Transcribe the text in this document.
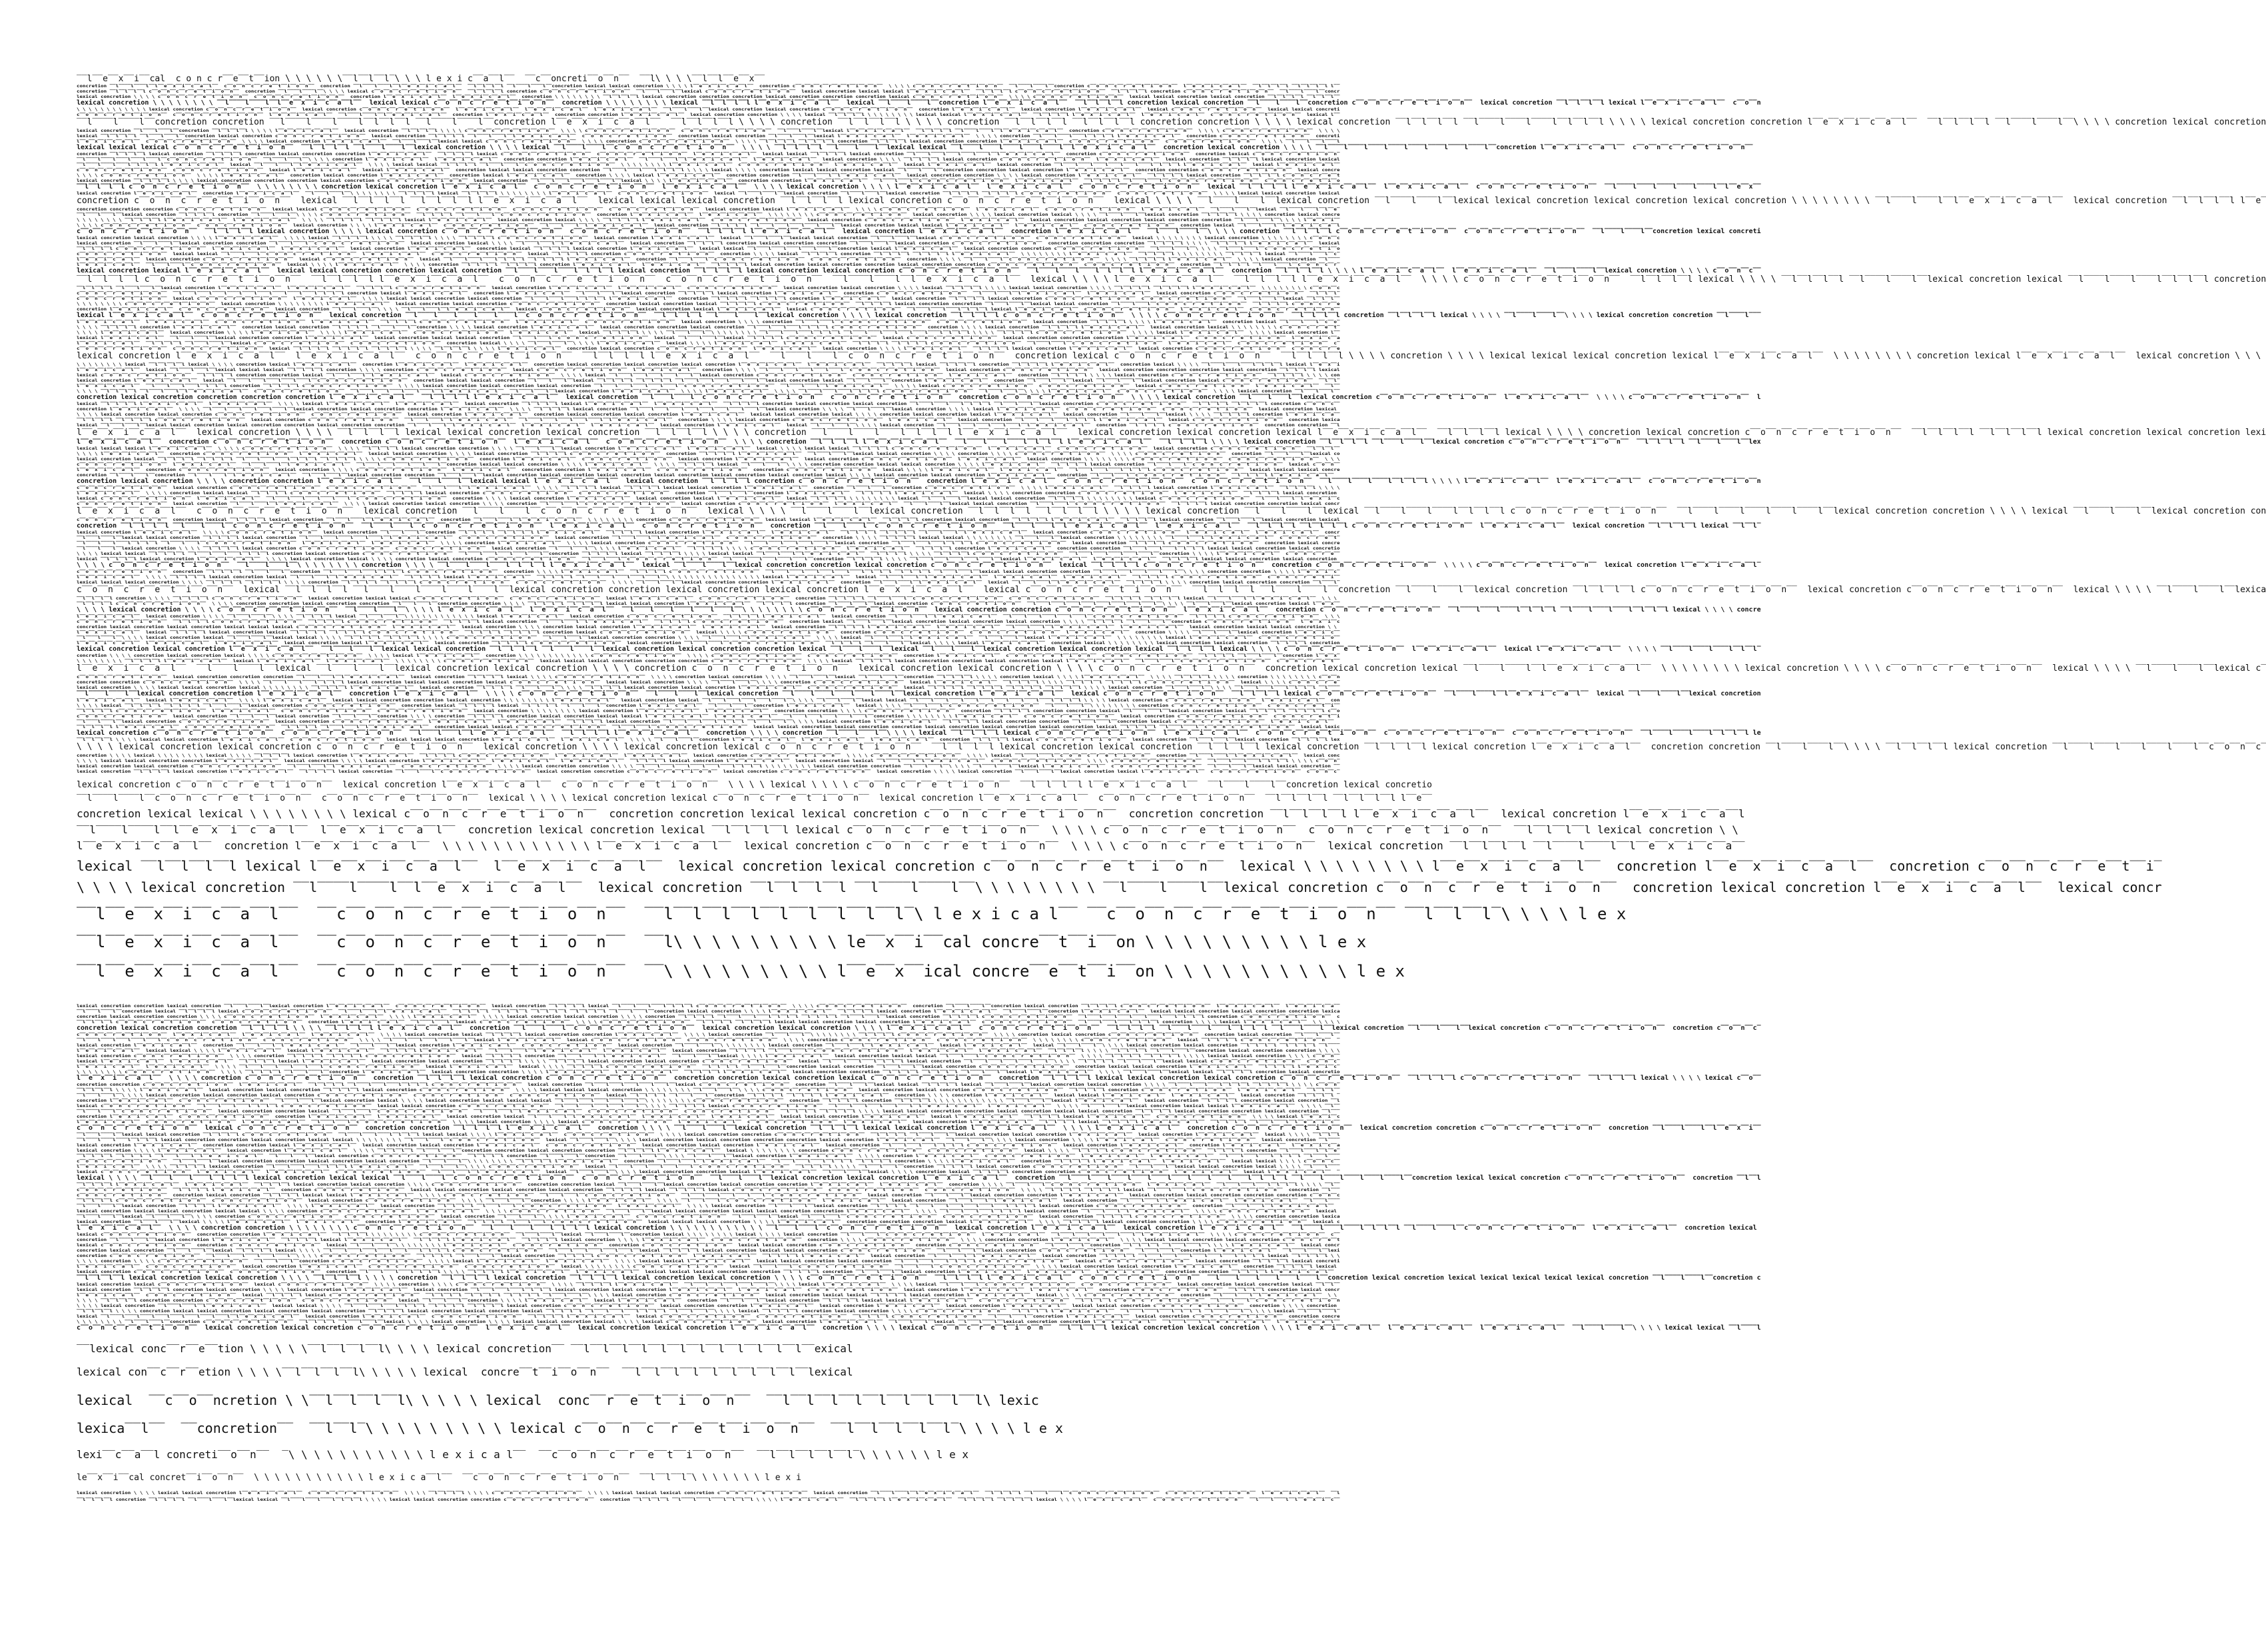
‾‾l‾‾e‾‾x‾‾i‾‾cal  c o n c r‾‾e‾‾t‾‾ion \ \ \ \ \ \‾‾l‾‾l‾‾l‾\ \ \ l e x i c‾‾a‾‾l‾‾  ‾‾c‾‾oncreti‾‾o‾‾n‾‾  ‾‾l\ \ \ \‾‾l‾‾l‾‾e‾‾x‾‾
concretion ‾‾l‾‾‾‾l‾‾‾‾l‾‾l‾‾e‾‾x‾‾i‾‾c‾‾a‾‾l‾‾  c‾‾o‾‾n‾‾c‾‾r‾‾e‾‾t‾‾i‾‾o‾‾n‾‾  concretion ‾‾l‾‾‾‾l‾‾‾‾l‾‾l‾‾e‾‾x‾‾i‾‾c‾‾a‾‾l‾‾  ‾‾l‾‾l‾‾l‾‾l ‾‾l‾‾‾‾l‾‾‾‾l‾‾concretion lexical lexical concretion \ \ \ \ l‾‾e‾‾x‾‾i‾‾c‾‾a‾‾l‾‾  concretion c‾‾o‾‾n‾‾c‾‾r‾‾e‾‾t‾‾i‾‾o‾‾n‾‾  \ \ \ \ c‾‾o‾‾n‾‾c‾‾r‾‾e‾‾t‾‾i‾‾o‾‾n‾‾  ‾‾l‾‾‾‾l‾‾‾‾l‾‾concretion c‾‾o‾‾n‾‾c‾‾r‾‾e‾‾t‾‾i‾‾o‾‾n‾‾  l‾‾e‾‾x‾‾i‾‾c‾‾a‾‾l‾‾  ‾‾l‾‾l‾‾l‾‾l ‾‾l‾‾l‾‾l‾‾l l‾‾
concretion ‾‾l‾‾l‾‾l‾‾l c‾‾o‾‾n‾‾c‾‾r‾‾e‾‾t‾‾i‾‾o‾‾n‾‾  concretion ‾‾l‾‾‾‾l‾‾‾‾l‾‾\ \ \ \ lexical c‾‾o‾‾n‾‾c‾‾r‾‾e‾‾t‾‾i‾‾o‾‾n‾‾  ‾‾l‾‾l‾‾l‾‾l concretion c‾‾o‾‾n‾‾c‾‾r‾‾e‾‾t‾‾i‾‾o‾‾n‾‾  ‾‾l‾‾‾‾l‾‾‾‾l‾‾lexical c‾‾o‾‾n‾‾c‾‾r‾‾e‾‾t‾‾i‾‾o‾‾n‾‾  lexical concretion lexical lexical l‾‾e‾‾x‾‾i‾‾c‾‾a‾‾l‾‾  ‾‾l‾‾l‾‾l‾‾l c‾‾o‾‾n‾‾c‾‾r‾‾e‾‾t‾‾i‾‾o‾‾n‾‾  ‾‾l‾‾l‾‾l‾‾l concretion c‾‾o‾‾n‾‾c‾‾r‾‾e‾‾t‾‾i‾‾o‾‾n‾‾  ‾‾l‾‾‾‾l‾‾‾‾l‾‾concr
lexical concretion \ \ \ \ c‾‾o‾‾n‾‾c‾‾r‾‾e‾‾t‾‾i‾‾o‾‾n‾‾  c‾‾o‾‾n‾‾c‾‾r‾‾e‾‾t‾‾i‾‾o‾‾n‾‾  concretion l‾‾e‾‾x‾‾i‾‾c‾‾a‾‾l‾‾  l‾‾e‾‾x‾‾i‾‾c‾‾a‾‾l‾‾  concretion \ \ \ \ \ \ \ \ ‾‾l‾‾l‾‾l‾‾l lexical concretion concretion concretion lexical concretion concretion concretion lexical c‾‾o‾‾n‾‾c‾‾r‾‾e‾‾t‾‾i‾‾o‾‾n‾‾  \ \ \ \ c‾‾o‾‾n‾‾c‾‾r‾‾e‾‾t‾‾i‾‾o‾‾n‾‾  lexical lexical concretion lexical concretion ‾‾l‾‾l‾‾l‾‾l ‾‾l‾‾l‾‾l‾‾
lexical concretion \ \ \ \ \ \ \ \ ‾‾l‾‾‾‾l‾‾‾‾l‾‾l‾‾e‾‾x‾‾i‾‾c‾‾a‾‾l‾‾  lexical lexical c‾‾o‾‾n‾‾c‾‾r‾‾e‾‾t‾‾i‾‾o‾‾n‾‾  concretion \ \ \ \ \ \ \ \ lexical ‾‾l‾‾l‾‾l‾‾l l‾‾e‾‾x‾‾i‾‾c‾‾a‾‾l‾‾  lexical ‾‾l‾‾‾‾l‾‾‾‾l‾‾concretion l‾‾e‾‾x‾‾i‾‾c‾‾a‾‾l‾‾  ‾‾l‾‾l‾‾l‾‾l concretion lexical concretion ‾‾l‾‾‾‾l‾‾‾‾l‾‾concretion c‾‾o‾‾n‾‾c‾‾r‾‾e‾‾t‾‾i‾‾o‾‾n‾‾  lexical concretion ‾‾l‾‾l‾‾l‾‾l lexical l‾‾e‾‾x‾‾i‾‾c‾‾a‾‾l‾‾  c‾‾o‾‾n
\ \ \ \ \ \ \ \ \ \ \ \ lexical concretion c‾‾o‾‾n‾‾c‾‾r‾‾e‾‾t‾‾i‾‾o‾‾n‾‾  lexical concretion c‾‾o‾‾n‾‾c‾‾r‾‾e‾‾t‾‾i‾‾o‾‾n‾‾  l‾‾e‾‾x‾‾i‾‾c‾‾a‾‾l‾‾  l‾‾e‾‾x‾‾i‾‾c‾‾a‾‾l‾‾  l‾‾e‾‾x‾‾i‾‾c‾‾a‾‾l‾‾  ‾‾l‾‾‾‾l‾‾‾‾l‾‾lexical concretion lexical concretion c‾‾o‾‾n‾‾c‾‾r‾‾e‾‾t‾‾i‾‾o‾‾n‾‾  concretion l‾‾e‾‾x‾‾i‾‾c‾‾a‾‾l‾‾  lexical concretion l‾‾e‾‾x‾‾i‾‾c‾‾a‾‾l‾‾  lexical c‾‾o‾‾n‾‾c‾‾r‾‾e‾‾t‾‾i‾‾o‾‾n‾‾  lexical lexical concreti
c‾‾o‾‾n‾‾c‾‾r‾‾e‾‾t‾‾i‾‾o‾‾n‾‾  c‾‾o‾‾n‾‾c‾‾r‾‾e‾‾t‾‾i‾‾o‾‾n‾‾  l‾‾e‾‾x‾‾i‾‾c‾‾a‾‾l‾‾  ‾‾l‾‾‾‾l‾‾‾‾l‾‾l‾‾e‾‾x‾‾i‾‾c‾‾a‾‾l‾‾  concretion l‾‾e‾‾x‾‾i‾‾c‾‾a‾‾l‾‾  concretion concretion l‾‾e‾‾x‾‾i‾‾c‾‾a‾‾l‾‾  lexical concretion concretion \ \ \ \ lexical ‾‾l‾‾l‾‾l‾‾l \ \ \ \ \ \ \ \ lexical lexical l‾‾e‾‾x‾‾i‾‾c‾‾a‾‾l‾‾  ‾‾l‾‾l‾‾l‾‾l l‾‾e‾‾x‾‾i‾‾c‾‾a‾‾l‾‾  l‾‾e‾‾x‾‾i‾‾c‾‾a‾‾l‾‾  c‾‾o‾‾n‾‾c‾‾r‾‾e‾‾t‾‾i‾‾o‾‾n‾‾  lexical l‾‾
‾‾l‾‾‾‾l‾‾‾‾l‾‾concretion concretion ‾‾l‾‾‾‾l‾‾‾‾l‾‾‾‾l‾‾l‾‾l‾‾l ‾‾l‾‾‾‾l‾‾‾‾l‾‾concretion l‾‾e‾‾x‾‾i‾‾c‾‾a‾‾l‾‾  ‾‾l‾‾l‾‾l‾‾l \ \ \ \ concretion ‾‾l‾‾l‾‾l‾‾l \ \ \ \ concretion ‾‾l‾‾l‾‾l‾‾l ‾‾l‾‾l‾‾l‾‾l concretion concretion \ \ \ \ lexical concretion ‾‾l‾‾l‾‾l‾‾l ‾‾l‾‾‾‾l‾‾‾‾l‾‾‾‾l‾‾l‾‾l‾‾l \ \ \ \ lexical concretion concretion l‾‾e‾‾x‾‾i‾‾c‾‾a‾‾l‾‾  ‾‾l‾‾l‾‾l‾‾l ‾‾l‾‾‾‾l‾‾‾‾l‾‾\ \ \ \ concretion lexical concretion
lexical concretion ‾‾l‾‾‾‾l‾‾‾‾l‾‾concretion ‾‾l‾‾l‾‾l‾‾l \ \ \ \ l‾‾e‾‾x‾‾i‾‾c‾‾a‾‾l‾‾  lexical concretion ‾‾l‾‾l‾‾l‾‾l \ \ \ \ c‾‾o‾‾n‾‾c‾‾r‾‾e‾‾t‾‾i‾‾o‾‾n‾‾  \ \ \ \ c‾‾o‾‾n‾‾c‾‾r‾‾e‾‾t‾‾i‾‾o‾‾n‾‾  c‾‾o‾‾n‾‾c‾‾r‾‾e‾‾t‾‾i‾‾o‾‾n‾‾  ‾‾l‾‾‾‾l‾‾‾‾l‾‾lexical l‾‾e‾‾x‾‾i‾‾c‾‾a‾‾l‾‾  ‾‾l‾‾l‾‾l‾‾l ‾‾l‾‾‾‾l‾‾‾‾l‾‾l‾‾e‾‾x‾‾i‾‾c‾‾a‾‾l‾‾  concretion c‾‾o‾‾n‾‾c‾‾r‾‾e‾‾t‾‾i‾‾o‾‾n‾‾  \ \ \ \ c‾‾o‾‾n‾‾c‾‾r‾‾e‾‾t‾‾i‾‾o‾‾n‾‾  \ \ \ \
lexical ‾‾l‾‾l‾‾l‾‾l ‾‾l‾‾‾‾l‾‾‾‾l‾‾concretion lexical concretion c‾‾o‾‾n‾‾c‾‾r‾‾e‾‾t‾‾i‾‾o‾‾n‾‾  lexical concretion ‾‾l‾‾l‾‾l‾‾l ‾‾l‾‾‾‾l‾‾‾‾l‾‾l‾‾e‾‾x‾‾i‾‾c‾‾a‾‾l‾‾  c‾‾o‾‾n‾‾c‾‾r‾‾e‾‾t‾‾i‾‾o‾‾n‾‾  concretion lexical concretion ‾‾l‾‾‾‾l‾‾‾‾l‾‾lexical l‾‾e‾‾x‾‾i‾‾c‾‾a‾‾l‾‾  l‾‾e‾‾x‾‾i‾‾c‾‾a‾‾l‾‾  \ \ \ \ concretion ‾‾l‾‾‾‾l‾‾‾‾l‾‾‾‾l‾‾l‾‾l‾‾l l‾‾e‾‾x‾‾i‾‾c‾‾a‾‾l‾‾  concretion c‾‾o‾‾n‾‾c‾‾r‾‾e‾‾t‾‾i‾‾o‾‾n‾‾  concreti
l‾‾e‾‾x‾‾i‾‾c‾‾a‾‾l‾‾  c‾‾o‾‾n‾‾c‾‾r‾‾e‾‾t‾‾i‾‾o‾‾n‾‾  \ \ \ \ lexical concretion l‾‾e‾‾x‾‾i‾‾c‾‾a‾‾l‾‾  ‾‾l‾‾‾‾l‾‾‾‾l‾‾lexical lexical c‾‾o‾‾n‾‾c‾‾r‾‾e‾‾t‾‾i‾‾o‾‾n‾‾  \ \ \ \ concretion c‾‾o‾‾n‾‾c‾‾r‾‾e‾‾t‾‾i‾‾o‾‾n‾‾  \ \ \ \ ‾‾l‾‾l‾‾l‾‾l ‾‾l‾‾l‾‾l‾‾l concretion ‾‾l‾‾l‾‾l‾‾l lexical concretion concretion l‾‾e‾‾x‾‾i‾‾c‾‾a‾‾l‾‾  c‾‾o‾‾n‾‾c‾‾r‾‾e‾‾t‾‾i‾‾o‾‾n‾‾  c‾‾o‾‾n‾‾c‾‾r‾‾e‾‾t‾‾i‾‾o‾‾n‾‾  \ \ \ \ ‾‾l‾‾‾‾l‾‾‾‾l‾‾‾‾l
lexical lexical lexical c‾‾o‾‾n‾‾c‾‾r‾‾e‾‾t‾‾i‾‾o‾‾n‾‾  ‾‾l‾‾l‾‾l‾‾l ‾‾l‾‾‾‾l‾‾‾‾l‾‾lexical concretion \ \ \ \ lexical ‾‾l‾‾‾‾l‾‾‾‾l‾‾c‾‾o‾‾n‾‾c‾‾r‾‾e‾‾t‾‾i‾‾o‾‾n‾‾  \ \ \ \ ‾‾l‾‾l‾‾l‾‾l ‾‾l‾‾‾‾l‾‾‾‾l‾‾lexical lexical ‾‾l‾‾‾‾l‾‾‾‾l‾‾‾‾l‾‾‾‾l‾‾‾‾l‾‾l‾‾e‾‾x‾‾i‾‾c‾‾a‾‾l‾‾  concretion lexical concretion \ \ \ \ ‾‾l‾‾‾‾l‾‾‾‾l‾‾‾‾l‾‾‾‾l‾‾‾‾l‾‾‾‾l‾‾‾‾l‾‾‾‾l‾‾concretion l‾‾e‾‾x‾‾i‾‾c‾‾a‾‾l‾‾  c‾‾o‾‾n‾‾c‾‾r‾‾e‾‾t‾‾i‾‾o‾‾n‾‾
concretion ‾‾l‾‾l‾‾l‾‾l lexical concretion ‾‾l‾‾l‾‾l‾‾l concretion lexical concretion concretion l‾‾e‾‾x‾‾i‾‾c‾‾a‾‾l‾‾  ‾‾l‾‾l‾‾l‾‾l lexical c‾‾o‾‾n‾‾c‾‾r‾‾e‾‾t‾‾i‾‾o‾‾n‾‾  c‾‾o‾‾n‾‾c‾‾r‾‾e‾‾t‾‾i‾‾o‾‾n‾‾  l‾‾e‾‾x‾‾i‾‾c‾‾a‾‾l‾‾  lexical lexical ‾‾l‾‾l‾‾l‾‾l lexical concretion ‾‾l‾‾‾‾l‾‾‾‾l‾‾‾‾l‾‾‾‾l‾‾‾‾l‾‾l‾‾e‾‾x‾‾i‾‾c‾‾a‾‾l‾‾  concretion c‾‾o‾‾n‾‾c‾‾r‾‾e‾‾t‾‾i‾‾o‾‾n‾‾  concretion lexical c‾‾o‾‾n‾‾c‾‾r‾‾e‾‾t‾‾i‾‾o‾‾n‾
‾‾l‾‾‾‾l‾‾‾‾l‾‾‾‾l‾‾‾‾l‾‾‾‾l‾‾c‾‾o‾‾n‾‾c‾‾r‾‾e‾‾t‾‾i‾‾o‾‾n‾‾  ‾‾l‾‾‾‾l‾‾‾‾l‾‾\ \ \ \ concretion l‾‾e‾‾x‾‾i‾‾c‾‾a‾‾l‾‾  l‾‾e‾‾x‾‾i‾‾c‾‾a‾‾l‾‾  concretion concretion l‾‾e‾‾x‾‾i‾‾c‾‾a‾‾l‾‾  ‾‾l‾‾‾‾l‾‾‾‾l‾‾l‾‾e‾‾x‾‾i‾‾c‾‾a‾‾l‾‾  l‾‾e‾‾x‾‾i‾‾c‾‾a‾‾l‾‾  lexical concretion \ \ \ \ ‾‾l‾‾l‾‾l‾‾l lexical concretion c‾‾o‾‾n‾‾c‾‾r‾‾e‾‾t‾‾i‾‾o‾‾n‾‾  l‾‾e‾‾x‾‾i‾‾c‾‾a‾‾l‾‾  lexical concretion ‾‾l‾‾l‾‾l‾‾l lexical concretion lexical
‾‾l‾‾‾‾l‾‾‾‾l‾‾‾‾l‾‾l‾‾l‾‾l l‾‾e‾‾x‾‾i‾‾c‾‾a‾‾l‾‾  lexical ‾‾l‾‾‾‾l‾‾‾‾l‾‾l‾‾e‾‾x‾‾i‾‾c‾‾a‾‾l‾‾  \ \ \ \ lexical lexical ‾‾l‾‾l‾‾l‾‾l ‾‾l‾‾‾‾l‾‾‾‾l‾‾c‾‾o‾‾n‾‾c‾‾r‾‾e‾‾t‾‾i‾‾o‾‾n‾‾  \ \ \ \ \ \ \ \ l‾‾e‾‾x‾‾i‾‾c‾‾a‾‾l‾‾  c‾‾o‾‾n‾‾c‾‾r‾‾e‾‾t‾‾i‾‾o‾‾n‾‾  l‾‾e‾‾x‾‾i‾‾c‾‾a‾‾l‾‾  lexical l‾‾e‾‾x‾‾i‾‾c‾‾a‾‾l‾‾  lexical concretion ‾‾l‾‾‾‾l‾‾‾‾l‾‾‾‾l‾‾‾‾l‾‾‾‾l‾‾‾‾l‾‾l‾‾l‾‾l l‾‾e‾‾x‾‾i‾‾c‾‾a‾‾l‾‾  lexical l‾‾e‾‾x‾‾i‾‾c‾‾a‾‾l‾‾
c‾‾o‾‾n‾‾c‾‾r‾‾e‾‾t‾‾i‾‾o‾‾n‾‾  c‾‾o‾‾n‾‾c‾‾r‾‾e‾‾t‾‾i‾‾o‾‾n‾‾  lexical l‾‾e‾‾x‾‾i‾‾c‾‾a‾‾l‾‾  lexical l‾‾e‾‾x‾‾i‾‾c‾‾a‾‾l‾‾  concretion lexical lexical concretion concretion ‾‾l‾‾‾‾l‾‾‾‾l‾‾‾‾l‾‾l‾‾l‾‾l \ \ \ \ lexical \ \ \ \ concretion lexical lexical concretion lexical ‾‾l‾‾‾‾l‾‾‾‾l‾‾concretion concretion lexical concretion l‾‾e‾‾x‾‾i‾‾c‾‾a‾‾l‾‾  concretion concretion c‾‾o‾‾n‾‾c‾‾r‾‾e‾‾t‾‾i‾‾o‾‾n‾‾  lexical concre
\ \ \ \ c‾‾o‾‾n‾‾c‾‾r‾‾e‾‾t‾‾i‾‾o‾‾n‾‾  \ \ \ \ l‾‾e‾‾x‾‾i‾‾c‾‾a‾‾l‾‾  concretion lexical concretion l‾‾e‾‾x‾‾i‾‾c‾‾a‾‾l‾‾  concretion lexical l‾‾e‾‾x‾‾i‾‾c‾‾a‾‾l‾‾  concretion \ \ \ \ lexical l‾‾e‾‾x‾‾i‾‾c‾‾a‾‾l‾‾  concretion concretion ‾‾l‾‾‾‾l‾‾‾‾l‾‾l‾‾e‾‾x‾‾i‾‾c‾‾a‾‾l‾‾  lexical concretion concretion \ \ \ \ lexical concretion l‾‾e‾‾x‾‾i‾‾c‾‾a‾‾l‾‾  ‾‾l‾‾l‾‾l‾‾l lexical concretion ‾‾l‾‾l‾‾l‾‾l c‾‾o‾‾n‾‾c‾‾r‾‾e‾‾t
lexical concretion ‾‾l‾‾l‾‾l‾‾l \ \ \ \ lexical concretion concretion concretion lexical concretion c‾‾o‾‾n‾‾c‾‾r‾‾e‾‾t‾‾i‾‾o‾‾n‾‾  lexical concretion ‾‾l‾‾‾‾l‾‾‾‾l‾‾‾‾l‾‾‾‾l‾‾‾‾l‾‾lexical \ \ \ \ l‾‾e‾‾x‾‾i‾‾c‾‾a‾‾l‾‾  concretion concretion l‾‾e‾‾x‾‾i‾‾c‾‾a‾‾l‾‾  ‾‾l‾‾‾‾l‾‾‾‾l‾‾c‾‾o‾‾n‾‾c‾‾r‾‾e‾‾t‾‾i‾‾o‾‾n‾‾  l‾‾e‾‾x‾‾i‾‾c‾‾a‾‾l‾‾  ‾‾l‾‾l‾‾l‾‾l ‾‾l‾‾‾‾l‾‾‾‾l‾‾c‾‾o‾‾n‾‾c‾‾r‾‾e‾‾t‾‾i‾‾o‾‾n‾‾  c‾‾o‾‾n‾‾c‾‾r‾‾e‾‾t‾‾i‾‾o
‾‾l‾‾l‾‾l‾‾l c‾‾o‾‾n‾‾c‾‾r‾‾e‾‾t‾‾i‾‾o‾‾n‾‾  \ \ \ \ \ \ \ \ concretion lexical concretion l‾‾e‾‾x‾‾i‾‾c‾‾a‾‾l‾‾  c‾‾o‾‾n‾‾c‾‾r‾‾e‾‾t‾‾i‾‾o‾‾n‾‾  l‾‾e‾‾x‾‾i‾‾c‾‾a‾‾l‾‾  \ \ \ \ lexical concretion \ \ \ \ l‾‾e‾‾x‾‾i‾‾c‾‾a‾‾l‾‾  l‾‾e‾‾x‾‾i‾‾c‾‾a‾‾l‾‾  c‾‾o‾‾n‾‾c‾‾r‾‾e‾‾t‾‾i‾‾o‾‾n‾‾  lexical ‾‾l‾‾l‾‾l‾‾l l‾‾e‾‾x‾‾i‾‾c‾‾a‾‾l‾‾  l‾‾e‾‾x‾‾i‾‾c‾‾a‾‾l‾‾  c‾‾o‾‾n‾‾c‾‾r‾‾e‾‾t‾‾i‾‾o‾‾n‾‾  ‾‾l‾‾‾‾l‾‾‾‾l‾‾‾‾l‾‾‾‾l‾‾‾‾l‾‾l‾‾e‾‾x‾‾
lexical concretion l‾‾e‾‾x‾‾i‾‾c‾‾a‾‾l‾‾  concretion l‾‾e‾‾x‾‾i‾‾c‾‾a‾‾l‾‾  ‾‾l‾‾‾‾l‾‾‾‾l‾‾\ \ \ \ \ \ \ \ ‾‾l‾‾l‾‾l‾‾l lexical ‾‾l‾‾l‾‾l‾‾l \ \ \ \ \ \ \ \ l‾‾e‾‾x‾‾i‾‾c‾‾a‾‾l‾‾  c‾‾o‾‾n‾‾c‾‾r‾‾e‾‾t‾‾i‾‾o‾‾n‾‾  lexical ‾‾l‾‾‾‾l‾‾‾‾l‾‾lexical concretion ‾‾l‾‾‾‾l‾‾‾‾l‾‾lexical concretion ‾‾l‾‾l‾‾l‾‾l ‾‾l‾‾l‾‾l‾‾l c‾‾o‾‾n‾‾c‾‾r‾‾e‾‾t‾‾i‾‾o‾‾n‾‾  c‾‾o‾‾n‾‾c‾‾r‾‾e‾‾t‾‾i‾‾o‾‾n‾‾  \ \ \ \ lexical lexical concretion lexical
concretion c‾‾o‾‾n‾‾c‾‾r‾‾e‾‾t‾‾i‾‾o‾‾n‾‾  lexical ‾‾l‾‾l‾‾l‾‾l ‾‾l‾‾l‾‾l‾‾l l‾‾e‾‾x‾‾i‾‾c‾‾a‾‾l‾‾  lexical lexical lexical concretion ‾‾l‾‾l‾‾l‾‾l lexical concretion c‾‾o‾‾n‾‾c‾‾r‾‾e‾‾t‾‾i‾‾o‾‾n‾‾  lexical \ \ \ \ ‾‾l‾‾‾‾l‾‾‾‾l‾‾lexical concretion ‾‾l‾‾‾‾l‾‾‾‾l‾‾lexical lexical concretion lexical concretion lexical concretion \ \ \ \ \ \ \ \ ‾‾l‾‾‾‾l‾‾‾‾l‾‾l‾‾e‾‾x‾‾i‾‾c‾‾a‾‾l‾‾  lexical concretion ‾‾l‾‾l‾‾l‾‾l l‾‾e‾
concretion concretion concretion c‾‾o‾‾n‾‾c‾‾r‾‾e‾‾t‾‾i‾‾o‾‾n‾‾  lexical lexical c‾‾o‾‾n‾‾c‾‾r‾‾e‾‾t‾‾i‾‾o‾‾n‾‾  c‾‾o‾‾n‾‾c‾‾r‾‾e‾‾t‾‾i‾‾o‾‾n‾‾  c‾‾o‾‾n‾‾c‾‾r‾‾e‾‾t‾‾i‾‾o‾‾n‾‾  c‾‾o‾‾n‾‾c‾‾r‾‾e‾‾t‾‾i‾‾o‾‾n‾‾  lexical concretion lexical l‾‾e‾‾x‾‾i‾‾c‾‾a‾‾l‾‾  \ \ \ \ c‾‾o‾‾n‾‾c‾‾r‾‾e‾‾t‾‾i‾‾o‾‾n‾‾  l‾‾e‾‾x‾‾i‾‾c‾‾a‾‾l‾‾  c‾‾o‾‾n‾‾c‾‾r‾‾e‾‾t‾‾i‾‾o‾‾n‾‾  l‾‾e‾‾x‾‾i‾‾c‾‾a‾‾l‾‾  ‾‾l‾‾‾‾l‾‾‾‾l‾‾lexical ‾‾l‾‾‾‾l‾‾‾‾l‾‾l‾‾e‾
‾‾l‾‾‾‾l‾‾‾‾l‾‾lexical concretion ‾‾l‾‾l‾‾l‾‾l concretion ‾‾l‾‾‾‾l‾‾‾‾l‾‾\ \ \ \ c‾‾o‾‾n‾‾c‾‾r‾‾e‾‾t‾‾i‾‾o‾‾n‾‾  ‾‾l‾‾l‾‾l‾‾l ‾‾l‾‾‾‾l‾‾‾‾l‾‾c‾‾o‾‾n‾‾c‾‾r‾‾e‾‾t‾‾i‾‾o‾‾n‾‾  concretion l‾‾e‾‾x‾‾i‾‾c‾‾a‾‾l‾‾  l‾‾e‾‾x‾‾i‾‾c‾‾a‾‾l‾‾  \ \ \ \ \ \ \ \ c‾‾o‾‾n‾‾c‾‾r‾‾e‾‾t‾‾i‾‾o‾‾n‾‾  lexical concretion \ \ \ \ lexical concretion lexical \ \ \ \ ‾‾l‾‾‾‾l‾‾‾‾l‾‾lexical concretion ‾‾l‾‾l‾‾l‾‾l \ \ \ \ concretion lexical concre
\ \ \ \ \ \ \ \ ‾‾l‾‾l‾‾l‾‾l l‾‾e‾‾x‾‾i‾‾c‾‾a‾‾l‾‾  l‾‾e‾‾x‾‾i‾‾c‾‾a‾‾l‾‾  \ \ \ \ ‾‾l‾‾l‾‾l‾‾l ‾‾l‾‾l‾‾l‾‾l lexical l‾‾e‾‾x‾‾i‾‾c‾‾a‾‾l‾‾  lexical concretion lexical \ \ \ \ ‾‾l‾‾l‾‾l‾‾l l‾‾e‾‾x‾‾i‾‾c‾‾a‾‾l‾‾  c‾‾o‾‾n‾‾c‾‾r‾‾e‾‾t‾‾i‾‾o‾‾n‾‾  lexical concretion c‾‾o‾‾n‾‾c‾‾r‾‾e‾‾t‾‾i‾‾o‾‾n‾‾  l‾‾e‾‾x‾‾i‾‾c‾‾a‾‾l‾‾  lexical concretion lexical concretion lexical concretion concretion ‾‾l‾‾‾‾l‾‾‾‾l‾‾\ \ \ \ l‾‾e‾‾x‾‾i‾‾
\ \ \ \ c‾‾o‾‾n‾‾c‾‾r‾‾e‾‾t‾‾i‾‾o‾‾n‾‾  c‾‾o‾‾n‾‾c‾‾r‾‾e‾‾t‾‾i‾‾o‾‾n‾‾  lexical concretion \ \ \ \ l‾‾e‾‾x‾‾i‾‾c‾‾a‾‾l‾‾  c‾‾o‾‾n‾‾c‾‾r‾‾e‾‾t‾‾i‾‾o‾‾n‾‾  ‾‾l‾‾‾‾l‾‾‾‾l‾‾l‾‾e‾‾x‾‾i‾‾c‾‾a‾‾l‾‾  lexical concretion ‾‾l‾‾l‾‾l‾‾l ‾‾l‾‾‾‾l‾‾‾‾l‾‾‾‾l‾‾‾‾l‾‾‾‾l‾‾lexical concretion lexical lexical l‾‾e‾‾x‾‾i‾‾c‾‾a‾‾l‾‾  l‾‾e‾‾x‾‾i‾‾c‾‾a‾‾l‾‾  c‾‾o‾‾n‾‾c‾‾r‾‾e‾‾t‾‾i‾‾o‾‾n‾‾  concretion lexical ‾‾l‾‾‾‾l‾‾‾‾l‾‾l‾‾e‾‾x‾‾i‾‾c‾‾a‾‾l
c‾‾o‾‾n‾‾c‾‾r‾‾e‾‾t‾‾i‾‾o‾‾n‾‾  ‾‾l‾‾l‾‾l‾‾l lexical concretion \ \ \ \ lexical concretion c‾‾o‾‾n‾‾c‾‾r‾‾e‾‾t‾‾i‾‾o‾‾n‾‾  c‾‾o‾‾n‾‾c‾‾r‾‾e‾‾t‾‾i‾‾o‾‾n‾‾  ‾‾l‾‾l‾‾l‾‾l l‾‾e‾‾x‾‾i‾‾c‾‾a‾‾l‾‾  lexical concretion l‾‾e‾‾x‾‾i‾‾c‾‾a‾‾l‾‾  concretion l‾‾e‾‾x‾‾i‾‾c‾‾a‾‾l‾‾  ‾‾l‾‾‾‾l‾‾‾‾l‾‾\ \ \ \ concretion ‾‾l‾‾l‾‾l‾‾l c‾‾o‾‾n‾‾c‾‾r‾‾e‾‾t‾‾i‾‾o‾‾n‾‾  c‾‾o‾‾n‾‾c‾‾r‾‾e‾‾t‾‾i‾‾o‾‾n‾‾  ‾‾l‾‾‾‾l‾‾‾‾l‾‾concretion lexical concreti
lexical concretion lexical concretion \ \ \ \ l‾‾e‾‾x‾‾i‾‾c‾‾a‾‾l‾‾  \ \ \ \ lexical ‾‾l‾‾l‾‾l‾‾l \ \ \ \ ‾‾l‾‾l‾‾l‾‾l \ \ \ \ ‾‾l‾‾l‾‾l‾‾l c‾‾o‾‾n‾‾c‾‾r‾‾e‾‾t‾‾i‾‾o‾‾n‾‾  lexical concretion l‾‾e‾‾x‾‾i‾‾c‾‾a‾‾l‾‾  lexical ‾‾l‾‾‾‾l‾‾‾‾l‾‾lexical lexical concretion ‾‾l‾‾‾‾l‾‾‾‾l‾‾lexical c‾‾o‾‾n‾‾c‾‾r‾‾e‾‾t‾‾i‾‾o‾‾n‾‾  c‾‾o‾‾n‾‾c‾‾r‾‾e‾‾t‾‾i‾‾o‾‾n‾‾  lexical \ \ \ \ \ \ \ \ lexical concretion \ \ \ \ \ \ \ \ c‾‾o‾‾n‾‾c
lexical concretion ‾‾l‾‾‾‾l‾‾‾‾l‾‾lexical concretion concretion ‾‾l‾‾‾‾l‾‾‾‾l‾‾c‾‾o‾‾n‾‾c‾‾r‾‾e‾‾t‾‾i‾‾o‾‾n‾‾  lexical concretion lexical \ \ \ \ ‾‾l‾‾‾‾l‾‾‾‾l‾‾l‾‾e‾‾x‾‾i‾‾c‾‾a‾‾l‾‾  lexical concretion ‾‾l‾‾l‾‾l‾‾l concretion lexical concretion concretion ‾‾l‾‾‾‾l‾‾‾‾l‾‾lexical concretion c‾‾o‾‾n‾‾c‾‾r‾‾e‾‾t‾‾i‾‾o‾‾n‾‾  concretion concretion concretion ‾‾l‾‾l‾‾l‾‾l \ \ \ \ ‾‾l‾‾l‾‾l‾‾l l‾‾e‾‾x‾‾i‾‾c‾‾a‾‾l‾‾  lexical
‾‾l‾‾l‾‾l‾‾l c‾‾o‾‾n‾‾c‾‾r‾‾e‾‾t‾‾i‾‾o‾‾n‾‾  l‾‾e‾‾x‾‾i‾‾c‾‾a‾‾l‾‾  l‾‾e‾‾x‾‾i‾‾c‾‾a‾‾l‾‾  lexical concretion l‾‾e‾‾x‾‾i‾‾c‾‾a‾‾l‾‾  concretion lexical ‾‾l‾‾l‾‾l‾‾l lexical concretion l‾‾e‾‾x‾‾i‾‾c‾‾a‾‾l‾‾  lexical lexical ‾‾l‾‾‾‾l‾‾‾‾l‾‾‾‾l‾‾‾‾l‾‾‾‾l‾‾concretion lexical l‾‾e‾‾x‾‾i‾‾c‾‾a‾‾l‾‾  lexical concretion concretion c‾‾o‾‾n‾‾c‾‾r‾‾e‾‾t‾‾i‾‾o‾‾n‾‾  ‾‾l‾‾‾‾l‾‾‾‾l‾‾\ \ \ \ ‾‾l‾‾‾‾l‾‾‾‾l‾‾c‾‾o‾‾n‾‾c‾‾r‾‾e‾‾t‾‾i‾‾o
c‾‾o‾‾n‾‾c‾‾r‾‾e‾‾t‾‾i‾‾o‾‾n‾‾  lexical lexical ‾‾l‾‾‾‾l‾‾‾‾l‾‾c‾‾o‾‾n‾‾c‾‾r‾‾e‾‾t‾‾i‾‾o‾‾n‾‾  l‾‾e‾‾x‾‾i‾‾c‾‾a‾‾l‾‾  c‾‾o‾‾n‾‾c‾‾r‾‾e‾‾t‾‾i‾‾o‾‾n‾‾  lexical ‾‾l‾‾l‾‾l‾‾l concretion c‾‾o‾‾n‾‾c‾‾r‾‾e‾‾t‾‾i‾‾o‾‾n‾‾  concretion \ \ \ \ lexical ‾‾l‾‾l‾‾l‾‾l concretion ‾‾l‾‾l‾‾l‾‾l ‾‾l‾‾l‾‾l‾‾l l‾‾e‾‾x‾‾i‾‾c‾‾a‾‾l‾‾  \ \ \ \ \ \ \ \ l‾‾e‾‾x‾‾i‾‾c‾‾a‾‾l‾‾  ‾‾l‾‾l‾‾l‾‾l \ \ \ \ \ \ \ \ ‾‾l‾‾l‾‾l‾‾l lexical ‾‾l‾‾‾‾l‾‾‾‾l‾‾c‾
l‾‾e‾‾x‾‾i‾‾c‾‾a‾‾l‾‾  lexical concretion c‾‾o‾‾n‾‾c‾‾r‾‾e‾‾t‾‾i‾‾o‾‾n‾‾  lexical c‾‾o‾‾n‾‾c‾‾r‾‾e‾‾t‾‾i‾‾o‾‾n‾‾  lexical ‾‾l‾‾‾‾l‾‾‾‾l‾‾‾‾l‾‾l‾‾l‾‾l ‾‾l‾‾l‾‾l‾‾l l‾‾e‾‾x‾‾i‾‾c‾‾a‾‾l‾‾  concretion ‾‾l‾‾‾‾l‾‾‾‾l‾‾c‾‾o‾‾n‾‾c‾‾r‾‾e‾‾t‾‾i‾‾o‾‾n‾‾  c‾‾o‾‾n‾‾c‾‾r‾‾e‾‾t‾‾i‾‾o‾‾n‾‾  concretion \ \ \ \ ‾‾l‾‾‾‾l‾‾‾‾l‾‾c‾‾o‾‾n‾‾c‾‾r‾‾e‾‾t‾‾i‾‾o‾‾n‾‾  \ \ \ \ ‾‾l‾‾l‾‾l‾‾l l‾‾e‾‾x‾‾i‾‾c‾‾a‾‾l‾‾  \ \ \ \ lexical concretion ‾‾l‾‾‾‾
l‾‾e‾‾x‾‾i‾‾c‾‾a‾‾l‾‾  ‾‾l‾‾‾‾l‾‾‾‾l‾‾c‾‾o‾‾n‾‾c‾‾r‾‾e‾‾t‾‾i‾‾o‾‾n‾‾  lexical \ \ \ \ l‾‾e‾‾x‾‾i‾‾c‾‾a‾‾l‾‾  \ \ \ \ concretion ‾‾l‾‾l‾‾l‾‾l ‾‾l‾‾l‾‾l‾‾l concretion l‾‾e‾‾x‾‾i‾‾c‾‾a‾‾l‾‾  l‾‾e‾‾x‾‾i‾‾c‾‾a‾‾l‾‾  ‾‾l‾‾l‾‾l‾‾l lexical concretion lexical concretion concretion lexical concretion concretion c‾‾o‾‾n‾‾c‾‾r‾‾e‾‾t‾‾i‾‾o‾‾n‾‾  c‾‾o‾‾n‾‾c‾‾r‾‾e‾‾t‾‾i‾‾o‾‾n‾‾  concretion ‾‾l‾‾l‾‾l‾‾l ‾‾l‾‾‾‾l‾‾‾‾l‾‾c‾‾o‾‾n‾‾c‾‾r‾
lexical concretion lexical l‾‾e‾‾x‾‾i‾‾c‾‾a‾‾l‾‾  lexical lexical concretion concretion lexical concretion ‾‾l‾‾‾‾l‾‾‾‾l‾‾‾‾l‾‾l‾‾l‾‾l lexical concretion ‾‾l‾‾l‾‾l‾‾l lexical concretion lexical concretion c‾‾o‾‾n‾‾c‾‾r‾‾e‾‾t‾‾i‾‾o‾‾n‾‾  ‾‾l‾‾‾‾l‾‾‾‾l‾‾‾‾l‾‾l‾‾l‾‾l l‾‾e‾‾x‾‾i‾‾c‾‾a‾‾l‾‾  concretion ‾‾l‾‾l‾‾l‾‾l \ \ \ \ l‾‾e‾‾x‾‾i‾‾c‾‾a‾‾l‾‾  l‾‾e‾‾x‾‾i‾‾c‾‾a‾‾l‾‾  ‾‾l‾‾‾‾l‾‾‾‾l‾‾lexical concretion \ \ \ \ c‾‾o‾‾n‾‾c‾‾
‾‾l‾‾l‾‾l‾‾l c‾‾o‾‾n‾‾c‾‾r‾‾e‾‾t‾‾i‾‾o‾‾n‾‾  ‾‾l‾‾l‾‾l‾‾l l‾‾e‾‾x‾‾i‾‾c‾‾a‾‾l‾‾  c‾‾o‾‾n‾‾c‾‾r‾‾e‾‾t‾‾i‾‾o‾‾n‾‾  c‾‾o‾‾n‾‾c‾‾r‾‾e‾‾t‾‾i‾‾o‾‾n‾‾  ‾‾l‾‾‾‾l‾‾‾‾l‾‾l‾‾e‾‾x‾‾i‾‾c‾‾a‾‾l‾‾  lexical \ \ \ \ l‾‾e‾‾x‾‾i‾‾c‾‾a‾‾l‾‾  ‾‾l‾‾l‾‾l‾‾l l‾‾e‾‾x‾‾i‾‾c‾‾a‾‾l‾‾  \ \ \ \ c‾‾o‾‾n‾‾c‾‾r‾‾e‾‾t‾‾i‾‾o‾‾n‾‾  ‾‾l‾‾l‾‾l‾‾l lexical \ \ \ \ ‾‾l‾‾l‾‾l‾‾l ‾‾l‾‾‾‾l‾‾‾‾l‾‾lexical concretion lexical ‾‾l‾‾‾‾l‾‾‾‾l‾‾‾‾l‾‾l‾‾l‾‾l concretion
‾‾l‾‾l‾‾l‾‾l ‾‾l‾‾‾‾l‾‾‾‾l‾‾lexical concretion l‾‾e‾‾x‾‾i‾‾c‾‾a‾‾l‾‾  l‾‾e‾‾x‾‾i‾‾c‾‾a‾‾l‾‾  ‾‾l‾‾l‾‾l‾‾l c‾‾o‾‾n‾‾c‾‾r‾‾e‾‾t‾‾i‾‾o‾‾n‾‾  lexical concretion l‾‾e‾‾x‾‾i‾‾c‾‾a‾‾l‾‾  l‾‾e‾‾x‾‾i‾‾c‾‾a‾‾l‾‾  c‾‾o‾‾n‾‾c‾‾r‾‾e‾‾t‾‾i‾‾o‾‾n‾‾  lexical concretion lexical concretion \ \ \ \ lexical ‾‾l‾‾l‾‾l‾‾l \ \ \ \ lexical lexical concretion \ \ \ \ ‾‾l‾‾l‾‾l‾‾l ‾‾l‾‾l‾‾l‾‾l l‾‾e‾‾x‾‾i‾‾c‾‾a‾‾l‾‾  \ \ \ \ \ \ \ \ c‾‾o‾‾n‾‾c
c‾‾o‾‾n‾‾c‾‾r‾‾e‾‾t‾‾i‾‾o‾‾n‾‾  ‾‾l‾‾‾‾l‾‾‾‾l‾‾‾‾l‾‾‾‾l‾‾‾‾l‾‾‾‾l‾‾‾‾l‾‾‾‾l‾‾‾‾l‾‾l‾‾l‾‾l concretion lexical l‾‾e‾‾x‾‾i‾‾c‾‾a‾‾l‾‾  concretion l‾‾e‾‾x‾‾i‾‾c‾‾a‾‾l‾‾  ‾‾l‾‾‾‾l‾‾‾‾l‾‾lexical concretion ‾‾l‾‾l‾‾l‾‾l lexical concretion l‾‾e‾‾x‾‾i‾‾c‾‾a‾‾l‾‾  concretion c‾‾o‾‾n‾‾c‾‾r‾‾e‾‾t‾‾i‾‾o‾‾n‾‾  ‾‾l‾‾‾‾l‾‾‾‾l‾‾l‾‾e‾‾x‾‾i‾‾c‾‾a‾‾l‾‾  l‾‾e‾‾x‾‾i‾‾c‾‾a‾‾l‾‾  lexical concretion c‾‾o‾‾n‾‾c‾‾r‾‾e‾‾t‾‾i‾‾o‾‾n‾‾  ‾‾l‾‾l‾‾l‾
c‾‾o‾‾n‾‾c‾‾r‾‾e‾‾t‾‾i‾‾o‾‾n‾‾  lexical c‾‾o‾‾n‾‾c‾‾r‾‾e‾‾t‾‾i‾‾o‾‾n‾‾  l‾‾e‾‾x‾‾i‾‾c‾‾a‾‾l‾‾  \ \ \ \ lexical lexical concretion lexical concretion ‾‾l‾‾‾‾l‾‾‾‾l‾‾‾‾l‾‾l‾‾l‾‾l l‾‾e‾‾x‾‾i‾‾c‾‾a‾‾l‾‾  concretion ‾‾l‾‾l‾‾l‾‾l ‾‾l‾‾l‾‾l‾‾l concretion l‾‾e‾‾x‾‾i‾‾c‾‾a‾‾l‾‾  lexical concretion ‾‾l‾‾l‾‾l‾‾l lexical concretion c‾‾o‾‾n‾‾c‾‾r‾‾e‾‾t‾‾i‾‾o‾‾n‾‾  c‾‾o‾‾n‾‾c‾‾r‾‾e‾‾t‾‾i‾‾o‾‾n‾‾  ‾‾l‾‾‾‾l‾‾‾‾l‾‾lexical ‾‾l‾‾l‾‾l‾‾
\ \ \ \ \ \ \ \ c‾‾o‾‾n‾‾c‾‾r‾‾e‾‾t‾‾i‾‾o‾‾n‾‾  lexical concretion \ \ \ \ \ \ \ \ l‾‾e‾‾x‾‾i‾‾c‾‾a‾‾l‾‾  lexical concretion lexical concretion c‾‾o‾‾n‾‾c‾‾r‾‾e‾‾t‾‾i‾‾o‾‾n‾‾  concretion lexical concretion lexical ‾‾l‾‾l‾‾l‾‾l c‾‾o‾‾n‾‾c‾‾r‾‾e‾‾t‾‾i‾‾o‾‾n‾‾  ‾‾l‾‾l‾‾l‾‾l lexical concretion concretion ‾‾l‾‾‾‾l‾‾‾‾l‾‾lexical lexical concretion ‾‾l‾‾‾‾l‾‾‾‾l‾‾c‾‾o‾‾n‾‾c‾‾r‾‾e‾‾t‾‾i‾‾o‾‾n‾‾  ‾‾l‾‾l‾‾l‾‾l c‾‾o‾‾n‾‾c‾‾r‾‾e
concretion l‾‾e‾‾x‾‾i‾‾c‾‾a‾‾l‾‾  c‾‾o‾‾n‾‾c‾‾r‾‾e‾‾t‾‾i‾‾o‾‾n‾‾  lexical concretion ‾‾l‾‾‾‾l‾‾‾‾l‾‾\ \ \ \ ‾‾l‾‾‾‾l‾‾‾‾l‾‾l‾‾e‾‾x‾‾i‾‾c‾‾a‾‾l‾‾  lexical c‾‾o‾‾n‾‾c‾‾r‾‾e‾‾t‾‾i‾‾o‾‾n‾‾  lexical concretion lexical l‾‾e‾‾x‾‾i‾‾c‾‾a‾‾l‾‾  lexical c‾‾o‾‾n‾‾c‾‾r‾‾e‾‾t‾‾i‾‾o‾‾n‾‾  ‾‾l‾‾‾‾l‾‾‾‾l‾‾‾‾l‾‾l‾‾l‾‾l lexical l‾‾e‾‾x‾‾i‾‾c‾‾a‾‾l‾‾  c‾‾o‾‾n‾‾c‾‾r‾‾e‾‾t‾‾i‾‾o‾‾n‾‾  l‾‾e‾‾x‾‾i‾‾c‾‾a‾‾l‾‾  c‾‾o‾‾n‾‾c‾‾r‾‾e‾‾t‾‾i‾‾o‾‾n‾‾
lexical l‾‾e‾‾x‾‾i‾‾c‾‾a‾‾l‾‾  c‾‾o‾‾n‾‾c‾‾r‾‾e‾‾t‾‾i‾‾o‾‾n‾‾  lexical concretion ‾‾l‾‾‾‾l‾‾‾‾l‾‾‾‾l‾‾‾‾l‾‾‾‾l‾‾c‾‾o‾‾n‾‾c‾‾r‾‾e‾‾t‾‾i‾‾o‾‾n‾‾  ‾‾l‾‾l‾‾l‾‾l ‾‾l‾‾‾‾l‾‾‾‾l‾‾lexical concretion \ \ \ \ lexical concretion ‾‾l‾‾l‾‾l‾‾l c‾‾o‾‾n‾‾c‾‾r‾‾e‾‾t‾‾i‾‾o‾‾n‾‾  \ \ \ \ c‾‾o‾‾n‾‾c‾‾r‾‾e‾‾t‾‾i‾‾o‾‾n‾‾  ‾‾l‾‾l‾‾l‾‾l concretion ‾‾l‾‾l‾‾l‾‾l lexical \ \ \ \ ‾‾l‾‾‾‾l‾‾‾‾l‾‾\ \ \ \ lexical concretion concretion ‾‾l‾‾‾‾l‾‾‾
l‾‾e‾‾x‾‾i‾‾c‾‾a‾‾l‾‾  l‾‾e‾‾x‾‾i‾‾c‾‾a‾‾l‾‾  c‾‾o‾‾n‾‾c‾‾r‾‾e‾‾t‾‾i‾‾o‾‾n‾‾  l‾‾e‾‾x‾‾i‾‾c‾‾a‾‾l‾‾  ‾‾l‾‾l‾‾l‾‾l c‾‾o‾‾n‾‾c‾‾r‾‾e‾‾t‾‾i‾‾o‾‾n‾‾  l‾‾e‾‾x‾‾i‾‾c‾‾a‾‾l‾‾  c‾‾o‾‾n‾‾c‾‾r‾‾e‾‾t‾‾i‾‾o‾‾n‾‾  lexical concretion \ \ \ \ concretion ‾‾l‾‾‾‾l‾‾‾‾l‾‾c‾‾o‾‾n‾‾c‾‾r‾‾e‾‾t‾‾i‾‾o‾‾n‾‾  c‾‾o‾‾n‾‾c‾‾r‾‾e‾‾t‾‾i‾‾o‾‾n‾‾  lexical concretion ‾‾l‾‾l‾‾l‾‾l \ \ \ \ l‾‾e‾‾x‾‾i‾‾c‾‾a‾‾l‾‾  concretion lexical ‾‾l‾‾‾‾l‾‾‾‾l‾‾c‾‾o‾
\ \ \ \ ‾‾l‾‾l‾‾l‾‾l concretion l‾‾e‾‾x‾‾i‾‾c‾‾a‾‾l‾‾  concretion lexical concretion ‾‾l‾‾l‾‾l‾‾l ‾‾l‾‾‾‾l‾‾‾‾l‾‾concretion \ \ \ \ lexical concretion l‾‾e‾‾x‾‾i‾‾c‾‾a‾‾l‾‾  lexical concretion concretion lexical concretion ‾‾l‾‾‾‾l‾‾‾‾l‾‾‾‾l‾‾l‾‾l‾‾l c‾‾o‾‾n‾‾c‾‾r‾‾e‾‾t‾‾i‾‾o‾‾n‾‾  concretion \ \ \ \ lexical concretion ‾‾l‾‾l‾‾l‾‾l l‾‾e‾‾x‾‾i‾‾c‾‾a‾‾l‾‾  lexical concretion lexical \ \ \ \ \ \ \ \ c‾‾o‾‾n‾‾c‾‾r‾‾e‾‾t‾
\ \ \ \ l‾‾e‾‾x‾‾i‾‾c‾‾a‾‾l‾‾  lexical concretion \ \ \ \ l‾‾e‾‾x‾‾i‾‾c‾‾a‾‾l‾‾  \ \ \ \ l‾‾e‾‾x‾‾i‾‾c‾‾a‾‾l‾‾  c‾‾o‾‾n‾‾c‾‾r‾‾e‾‾t‾‾i‾‾o‾‾n‾‾  l‾‾e‾‾x‾‾i‾‾c‾‾a‾‾l‾‾  lexical ‾‾l‾‾l‾‾l‾‾l \ \ \ \ ‾‾l‾‾‾‾l‾‾‾‾l‾‾\ \ \ \ \ \ \ \ ‾‾l‾‾‾‾l‾‾‾‾l‾‾‾‾l‾‾l‾‾l‾‾l ‾‾l‾‾‾‾l‾‾‾‾l‾‾‾‾l‾‾‾‾l‾‾‾‾l‾‾‾‾l‾‾l‾‾l‾‾l \ \ \ \ ‾‾l‾‾l‾‾l‾‾l c‾‾o‾‾n‾‾c‾‾r‾‾e‾‾t‾‾i‾‾o‾‾n‾‾  \ \ \ \ lexical l‾‾e‾‾x‾‾i‾‾c‾‾a‾‾l‾‾  \ \ \ \ lexical concretion l‾‾
lexical l‾‾e‾‾x‾‾i‾‾c‾‾a‾‾l‾‾  ‾‾l‾‾‾‾l‾‾‾‾l‾‾lexical concretion concretion l‾‾e‾‾x‾‾i‾‾c‾‾a‾‾l‾‾  lexical concretion lexical lexical concretion ‾‾l‾‾‾‾l‾‾‾‾l‾‾c‾‾o‾‾n‾‾c‾‾r‾‾e‾‾t‾‾i‾‾o‾‾n‾‾  lexical ‾‾l‾‾‾‾l‾‾‾‾l‾‾lexical ‾‾l‾‾l‾‾l‾‾l c‾‾o‾‾n‾‾c‾‾r‾‾e‾‾t‾‾i‾‾o‾‾n‾‾  lexical c‾‾o‾‾n‾‾c‾‾r‾‾e‾‾t‾‾i‾‾o‾‾n‾‾  lexical concretion concretion concretion l‾‾e‾‾x‾‾i‾‾c‾‾a‾‾l‾‾  c‾‾o‾‾n‾‾c‾‾r‾‾e‾‾t‾‾i‾‾o‾‾n‾‾  l‾‾e‾‾x‾‾i‾‾c‾‾a
l‾‾e‾‾x‾‾i‾‾c‾‾a‾‾l‾‾  ‾‾l‾‾l‾‾l‾‾l ‾‾l‾‾‾‾l‾‾‾‾l‾‾lexical c‾‾o‾‾n‾‾c‾‾r‾‾e‾‾t‾‾i‾‾o‾‾n‾‾  c‾‾o‾‾n‾‾c‾‾r‾‾e‾‾t‾‾i‾‾o‾‾n‾‾  concretion lexical \ \ \ \ ‾‾l‾‾‾‾l‾‾‾‾l‾‾\ \ \ \ l‾‾e‾‾x‾‾i‾‾c‾‾a‾‾l‾‾  lexical \ \ \ \ l‾‾e‾‾x‾‾i‾‾c‾‾a‾‾l‾‾  l‾‾e‾‾x‾‾i‾‾c‾‾a‾‾l‾‾  ‾‾l‾‾l‾‾l‾‾l ‾‾l‾‾l‾‾l‾‾l c‾‾o‾‾n‾‾c‾‾r‾‾e‾‾t‾‾i‾‾o‾‾n‾‾  ‾‾l‾‾‾‾l‾‾‾‾l‾‾c‾‾o‾‾n‾‾c‾‾r‾‾e‾‾t‾‾i‾‾o‾‾n‾‾  l‾‾e‾‾x‾‾i‾‾c‾‾a‾‾l‾‾  c‾‾o‾‾n‾‾c‾‾r‾‾e‾‾t‾‾i‾‾o‾‾n‾‾  c‾
c‾‾o‾‾n‾‾c‾‾r‾‾e‾‾t‾‾i‾‾o‾‾n‾‾  c‾‾o‾‾n‾‾c‾‾r‾‾e‾‾t‾‾i‾‾o‾‾n‾‾  lexical ‾‾l‾‾l‾‾l‾‾l ‾‾l‾‾l‾‾l‾‾l ‾‾l‾‾l‾‾l‾‾l \ \ \ \ ‾‾l‾‾l‾‾l‾‾l \ \ \ \ l‾‾e‾‾x‾‾i‾‾c‾‾a‾‾l‾‾  concretion lexical concretion c‾‾o‾‾n‾‾c‾‾r‾‾e‾‾t‾‾i‾‾o‾‾n‾‾  l‾‾e‾‾x‾‾i‾‾c‾‾a‾‾l‾‾  lexical concretion \ \ \ \ l‾‾e‾‾x‾‾i‾‾c‾‾a‾‾l‾‾  ‾‾l‾‾l‾‾l‾‾l lexical concretion l‾‾e‾‾x‾‾i‾‾c‾‾a‾‾l‾‾  lexical concretion c‾‾o‾‾n‾‾c‾‾r‾‾e‾‾t‾‾i‾‾o‾‾n‾‾  c‾‾o‾‾n‾‾c‾‾r‾‾e
lexical concretion l‾‾e‾‾x‾‾i‾‾c‾‾a‾‾l‾‾  l‾‾e‾‾x‾‾i‾‾c‾‾a‾‾l‾‾  c‾‾o‾‾n‾‾c‾‾r‾‾e‾‾t‾‾i‾‾o‾‾n‾‾  ‾‾l‾‾l‾‾l‾‾l l‾‾e‾‾x‾‾i‾‾c‾‾a‾‾l‾‾  ‾‾l‾‾‾‾l‾‾‾‾l‾‾c‾‾o‾‾n‾‾c‾‾r‾‾e‾‾t‾‾i‾‾o‾‾n‾‾  concretion lexical c‾‾o‾‾n‾‾c‾‾r‾‾e‾‾t‾‾i‾‾o‾‾n‾‾  ‾‾l‾‾l‾‾l‾‾l \ \ \ \ concretion \ \ \ \ lexical lexical lexical concretion lexical l‾‾e‾‾x‾‾i‾‾c‾‾a‾‾l‾‾  \ \ \ \ \ \ \ \ concretion lexical l‾‾e‾‾x‾‾i‾‾c‾‾a‾‾l‾‾  lexical concretion \ \ \
\ \ \ \ \ \ \ \ lexical ‾‾l‾‾l‾‾l‾‾l lexical \ \ \ \ concretion lexical l‾‾e‾‾x‾‾i‾‾c‾‾a‾‾l‾‾  concretion l‾‾e‾‾x‾‾i‾‾c‾‾a‾‾l‾‾  l‾‾e‾‾x‾‾i‾‾c‾‾a‾‾l‾‾  concretion lexical concretion lexical concretion lexical concretion l‾‾e‾‾x‾‾i‾‾c‾‾a‾‾l‾‾  l‾‾e‾‾x‾‾i‾‾c‾‾a‾‾l‾‾  ‾‾l‾‾l‾‾l‾‾l lexical ‾‾l‾‾l‾‾l‾‾l concretion ‾‾l‾‾l‾‾l‾‾l l‾‾e‾‾x‾‾i‾‾c‾‾a‾‾l‾‾  concretion lexical \ \ \ \ ‾‾l‾‾‾‾l‾‾‾‾l‾‾‾‾l‾‾l‾‾l‾‾l lexical l‾‾e‾‾x‾‾i
l‾‾e‾‾x‾‾i‾‾c‾‾a‾‾l‾‾  lexical ‾‾l‾‾‾‾l‾‾‾‾l‾‾lexical lexical lexical ‾‾l‾‾l‾‾l‾‾l concretion \ \ \ \ concretion c‾‾o‾‾n‾‾c‾‾r‾‾e‾‾t‾‾i‾‾o‾‾n‾‾  lexical c‾‾o‾‾n‾‾c‾‾r‾‾e‾‾t‾‾i‾‾o‾‾n‾‾  l‾‾e‾‾x‾‾i‾‾c‾‾a‾‾l‾‾  concretion \ \ \ \ ‾‾l‾‾‾‾l‾‾‾‾l‾‾‾‾l‾‾‾‾l‾‾‾‾l‾‾c‾‾o‾‾n‾‾c‾‾r‾‾e‾‾t‾‾i‾‾o‾‾n‾‾  lexical concretion c‾‾o‾‾n‾‾c‾‾r‾‾e‾‾t‾‾i‾‾o‾‾n‾‾  lexical concretion concretion concretion lexical concretion ‾‾l‾‾l‾‾l‾‾l lexical
lexical c‾‾o‾‾n‾‾c‾‾r‾‾e‾‾t‾‾i‾‾o‾‾n‾‾  ‾‾l‾‾l‾‾l‾‾l concretion concretion lexical ‾‾l‾‾‾‾l‾‾‾‾l‾‾l‾‾e‾‾x‾‾i‾‾c‾‾a‾‾l‾‾  lexical c‾‾o‾‾n‾‾c‾‾r‾‾e‾‾t‾‾i‾‾o‾‾n‾‾  \ \ \ \ lexical ‾‾l‾‾‾‾l‾‾‾‾l‾‾‾‾l‾‾‾‾l‾‾‾‾l‾‾lexical concretion c‾‾o‾‾n‾‾c‾‾r‾‾e‾‾t‾‾i‾‾o‾‾n‾‾  c‾‾o‾‾n‾‾c‾‾r‾‾e‾‾t‾‾i‾‾o‾‾n‾‾  l‾‾e‾‾x‾‾i‾‾c‾‾a‾‾l‾‾  concretion ‾‾l‾‾l‾‾l‾‾l \ \ \ \ lexical concretion c‾‾o‾‾n‾‾c‾‾r‾‾e‾‾t‾‾i‾‾o‾‾n‾‾  ‾‾l‾‾l‾‾l‾‾l \ \ \ \ con
lexical concretion l‾‾e‾‾x‾‾i‾‾c‾‾a‾‾l‾‾  lexical ‾‾l‾‾‾‾l‾‾‾‾l‾‾‾‾l‾‾‾‾l‾‾‾‾l‾‾c‾‾o‾‾n‾‾c‾‾r‾‾e‾‾t‾‾i‾‾o‾‾n‾‾  concretion lexical lexical concretion ‾‾l‾‾‾‾l‾‾‾‾l‾‾lexical ‾‾l‾‾l‾‾l‾‾l ‾‾l‾‾l‾‾l‾‾l ‾‾l‾‾‾‾l‾‾‾‾l‾‾‾‾l‾‾‾‾l‾‾‾‾l‾‾lexical concretion lexical ‾‾l‾‾‾‾l‾‾‾‾l‾‾concretion l‾‾e‾‾x‾‾i‾‾c‾‾a‾‾l‾‾  concretion ‾‾l‾‾‾‾l‾‾‾‾l‾‾lexical ‾‾l‾‾‾‾l‾‾‾‾l‾‾lexical concretion lexical c‾‾o‾‾n‾‾c‾‾r‾‾e‾‾t‾‾i‾‾o‾‾n‾‾  ‾‾l‾‾l‾
l‾‾e‾‾x‾‾i‾‾c‾‾a‾‾l‾‾  ‾‾l‾‾‾‾l‾‾‾‾l‾‾‾‾l‾‾l‾‾l‾‾l concretion ‾‾l‾‾l‾‾l‾‾l c‾‾o‾‾n‾‾c‾‾r‾‾e‾‾t‾‾i‾‾o‾‾n‾‾  \ \ \ \ lexical concretion lexical concretion lexical concretion ‾‾l‾‾‾‾l‾‾‾‾l‾‾‾‾l‾‾‾‾l‾‾‾‾l‾‾c‾‾o‾‾n‾‾c‾‾r‾‾e‾‾t‾‾i‾‾o‾‾n‾‾  ‾‾l‾‾‾‾l‾‾‾‾l‾‾l‾‾e‾‾x‾‾i‾‾c‾‾a‾‾l‾‾  \ \ \ \ lexical c‾‾o‾‾n‾‾c‾‾r‾‾e‾‾t‾‾i‾‾o‾‾n‾‾  c‾‾o‾‾n‾‾c‾‾r‾‾e‾‾t‾‾i‾‾o‾‾n‾‾  lexical c‾‾o‾‾n‾‾c‾‾r‾‾e‾‾t‾‾i‾‾o‾‾n‾‾  l‾‾e‾‾x‾‾i‾‾c‾‾a‾‾l‾‾  ‾‾l‾‾
\ \ \ \ ‾‾l‾‾l‾‾l‾‾l ‾‾l‾‾‾‾l‾‾‾‾l‾‾l‾‾e‾‾x‾‾i‾‾c‾‾a‾‾l‾‾  c‾‾o‾‾n‾‾c‾‾r‾‾e‾‾t‾‾i‾‾o‾‾n‾‾  ‾‾l‾‾‾‾l‾‾‾‾l‾‾‾‾l‾‾‾‾l‾‾‾‾l‾‾l‾‾e‾‾x‾‾i‾‾c‾‾a‾‾l‾‾  ‾‾l‾‾‾‾l‾‾‾‾l‾‾lexical concretion l‾‾e‾‾x‾‾i‾‾c‾‾a‾‾l‾‾  \ \ \ \ l‾‾e‾‾x‾‾i‾‾c‾‾a‾‾l‾‾  \ \ \ \ ‾‾l‾‾‾‾l‾‾‾‾l‾‾‾‾l‾‾l‾‾l‾‾l c‾‾o‾‾n‾‾c‾‾r‾‾e‾‾t‾‾i‾‾o‾‾n‾‾  ‾‾l‾‾‾‾l‾‾‾‾l‾‾\ \ \ \ l‾‾e‾‾x‾‾i‾‾c‾‾a‾‾l‾‾  c‾‾o‾‾n‾‾c‾‾r‾‾e‾‾t‾‾i‾‾o‾‾n‾‾  \ \ \ \ lexical concretion ‾‾l‾‾‾‾l‾‾‾‾l‾‾
concretion lexical concretion concretion concretion concretion l‾‾e‾‾x‾‾i‾‾c‾‾a‾‾l‾‾  ‾‾l‾‾l‾‾l‾‾l l‾‾e‾‾x‾‾i‾‾c‾‾a‾‾l‾‾  lexical concretion ‾‾l‾‾‾‾l‾‾‾‾l‾‾c‾‾o‾‾n‾‾c‾‾r‾‾e‾‾t‾‾i‾‾o‾‾n‾‾  c‾‾o‾‾n‾‾c‾‾r‾‾e‾‾t‾‾i‾‾o‾‾n‾‾  concretion c‾‾o‾‾n‾‾c‾‾r‾‾e‾‾t‾‾i‾‾o‾‾n‾‾  \ \ \ \ lexical concretion ‾‾l‾‾‾‾l‾‾‾‾l‾‾lexical concretion c‾‾o‾‾n‾‾c‾‾r‾‾e‾‾t‾‾i‾‾o‾‾n‾‾  l‾‾e‾‾x‾‾i‾‾c‾‾a‾‾l‾‾  \ \ \ \ c‾‾o‾‾n‾‾c‾‾r‾‾e‾‾t‾‾i‾‾o‾‾n‾‾  l
lexical ‾‾l‾‾l‾‾l‾‾l l‾‾e‾‾x‾‾i‾‾c‾‾a‾‾l‾‾  l‾‾e‾‾x‾‾i‾‾c‾‾a‾‾l‾‾  \ \ \ \ lexical l‾‾e‾‾x‾‾i‾‾c‾‾a‾‾l‾‾  l‾‾e‾‾x‾‾i‾‾c‾‾a‾‾l‾‾  lexical concretion ‾‾l‾‾l‾‾l‾‾l lexical l‾‾e‾‾x‾‾i‾‾c‾‾a‾‾l‾‾  l‾‾e‾‾x‾‾i‾‾c‾‾a‾‾l‾‾  ‾‾l‾‾l‾‾l‾‾l concretion lexical concretion lexical concretion ‾‾l‾‾‾‾l‾‾‾‾l‾‾‾‾l‾‾l‾‾l‾‾l ‾‾l‾‾‾‾l‾‾‾‾l‾‾lexical concretion c‾‾o‾‾n‾‾c‾‾r‾‾e‾‾t‾‾i‾‾o‾‾n‾‾  ‾‾l‾‾l‾‾l‾‾l ‾‾l‾‾l‾‾l‾‾l concretion c‾‾o‾‾n‾‾c‾‾
concretion l‾‾e‾‾x‾‾i‾‾c‾‾a‾‾l‾‾  \ \ \ \ ‾‾l‾‾‾‾l‾‾‾‾l‾‾‾‾l‾‾‾‾l‾‾‾‾l‾‾lexical concretion lexical concretion concretion l‾‾e‾‾x‾‾i‾‾c‾‾a‾‾l‾‾  \ \ \ \ ‾‾l‾‾l‾‾l‾‾l lexical concretion ‾‾l‾‾‾‾l‾‾‾‾l‾‾‾‾l‾‾‾‾l‾‾‾‾l‾‾‾‾l‾‾‾‾l‾‾‾‾l‾‾lexical concretion \ \ \ \ ‾‾l‾‾‾‾l‾‾‾‾l‾‾lexical concretion \ \ \ \ lexical l‾‾e‾‾x‾‾i‾‾c‾‾a‾‾l‾‾  c‾‾o‾‾n‾‾c‾‾r‾‾e‾‾t‾‾i‾‾o‾‾n‾‾  c‾‾o‾‾n‾‾c‾‾r‾‾e‾‾t‾‾i‾‾o‾‾n‾‾  lexical concretion lexical
\ \ \ \ lexical concretion lexical concretion c‾‾o‾‾n‾‾c‾‾r‾‾e‾‾t‾‾i‾‾o‾‾n‾‾  c‾‾o‾‾n‾‾c‾‾r‾‾e‾‾t‾‾i‾‾o‾‾n‾‾  lexical concretion l‾‾e‾‾x‾‾i‾‾c‾‾a‾‾l‾‾  concretion lexical concretion lexical concretion l‾‾e‾‾x‾‾i‾‾c‾‾a‾‾l‾‾  lexical lexical concretion lexical \ \ \ \ concretion lexical concretion lexical l‾‾e‾‾x‾‾i‾‾c‾‾a‾‾l‾‾  lexical concretion ‾‾l‾‾‾‾l‾‾‾‾l‾‾lexical \ \ \ \ ‾‾l‾‾l‾‾l‾‾l concretion l‾‾e‾‾x‾‾i‾‾c‾‾a‾‾
‾‾l‾‾l‾‾l‾‾l ‾‾l‾‾l‾‾l‾‾l c‾‾o‾‾n‾‾c‾‾r‾‾e‾‾t‾‾i‾‾o‾‾n‾‾  lexical concretion c‾‾o‾‾n‾‾c‾‾r‾‾e‾‾t‾‾i‾‾o‾‾n‾‾  ‾‾l‾‾‾‾l‾‾‾‾l‾‾l‾‾e‾‾x‾‾i‾‾c‾‾a‾‾l‾‾  ‾‾l‾‾‾‾l‾‾‾‾l‾‾‾‾l‾‾‾‾l‾‾‾‾l‾‾l‾‾e‾‾x‾‾i‾‾c‾‾a‾‾l‾‾  concretion \ \ \ \ lexical concretion c‾‾o‾‾n‾‾c‾‾r‾‾e‾‾t‾‾i‾‾o‾‾n‾‾  l‾‾e‾‾x‾‾i‾‾c‾‾a‾‾l‾‾  lexical concretion ‾‾l‾‾‾‾l‾‾‾‾l‾‾‾‾l‾‾l‾‾l‾‾l l‾‾e‾‾x‾‾i‾‾c‾‾a‾‾l‾‾  lexical c‾‾o‾‾n‾‾c‾‾r‾‾e‾‾t‾‾i‾‾o‾‾n‾‾  concretion lexica
lexical ‾‾l‾‾‾‾l‾‾‾‾l‾‾lexical lexical concretion lexical concretion concretion lexical concretion concretion ‾‾l‾‾‾‾l‾‾‾‾l‾‾l‾‾e‾‾x‾‾i‾‾c‾‾a‾‾l‾‾  l‾‾e‾‾x‾‾i‾‾c‾‾a‾‾l‾‾  l‾‾e‾‾x‾‾i‾‾c‾‾a‾‾l‾‾  lexical concretion l‾‾e‾‾x‾‾i‾‾c‾‾a‾‾l‾‾  lexical ‾‾l‾‾‾‾l‾‾‾‾l‾‾\ \ \ \ lexical concretion ‾‾l‾‾‾‾l‾‾‾‾l‾‾‾‾l‾‾‾‾l‾‾‾‾l‾‾l‾‾e‾‾x‾‾i‾‾c‾‾a‾‾l‾‾  concretion ‾‾l‾‾l‾‾l‾‾l c‾‾o‾‾n‾‾c‾‾r‾‾e‾‾t‾‾i‾‾o‾‾n‾‾  concretion concretion ‾‾l
l‾‾e‾‾x‾‾i‾‾c‾‾a‾‾l‾‾  lexical concretion \ \ \ \ ‾‾l‾‾l‾‾l‾‾l lexical lexical concretion lexical concretion ‾‾l‾‾l‾‾l‾‾l \ \ \ \ concretion ‾‾l‾‾‾‾l‾‾‾‾l‾‾‾‾l‾‾l‾‾l‾‾l l‾‾e‾‾x‾‾i‾‾c‾‾a‾‾l‾‾  lexical concretion lexical concretion lexical l‾‾e‾‾x‾‾i‾‾c‾‾a‾‾l‾‾  ‾‾l‾‾l‾‾l‾‾l lexical \ \ \ \ concretion lexical concretion c‾‾o‾‾n‾‾c‾‾r‾‾e‾‾t‾‾i‾‾o‾‾n‾‾  ‾‾l‾‾l‾‾l‾‾l ‾‾l‾‾l‾‾l‾‾l lexical concretion lexical concretion lexi
l‾‾e‾‾x‾‾i‾‾c‾‾a‾‾l‾‾  concretion c‾‾o‾‾n‾‾c‾‾r‾‾e‾‾t‾‾i‾‾o‾‾n‾‾  concretion c‾‾o‾‾n‾‾c‾‾r‾‾e‾‾t‾‾i‾‾o‾‾n‾‾  l‾‾e‾‾x‾‾i‾‾c‾‾a‾‾l‾‾  c‾‾o‾‾n‾‾c‾‾r‾‾e‾‾t‾‾i‾‾o‾‾n‾‾  \ \ \ \ concretion ‾‾l‾‾l‾‾l‾‾l l‾‾e‾‾x‾‾i‾‾c‾‾a‾‾l‾‾  ‾‾l‾‾‾‾l‾‾‾‾l‾‾‾‾l‾‾l‾‾l‾‾l l‾‾e‾‾x‾‾i‾‾c‾‾a‾‾l‾‾  ‾‾l‾‾l‾‾l‾‾l \ \ \ \ lexical concretion ‾‾l‾‾l‾‾l‾‾l ‾‾l‾‾‾‾l‾‾‾‾l‾‾lexical concretion c‾‾o‾‾n‾‾c‾‾r‾‾e‾‾t‾‾i‾‾o‾‾n‾‾  ‾‾l‾‾l‾‾l‾‾l ‾‾l‾‾‾‾l‾‾‾‾l‾‾lex
lexical lexical lexical l‾‾e‾‾x‾‾i‾‾c‾‾a‾‾l‾‾  \ \ \ \ c‾‾o‾‾n‾‾c‾‾r‾‾e‾‾t‾‾i‾‾o‾‾n‾‾  \ \ \ \ ‾‾l‾‾l‾‾l‾‾l lexical concretion concretion \ \ \ \ ‾‾l‾‾‾‾l‾‾‾‾l‾‾lexical concretion l‾‾e‾‾x‾‾i‾‾c‾‾a‾‾l‾‾  l‾‾e‾‾x‾‾i‾‾c‾‾a‾‾l‾‾  lexical \ \ \ \ lexical lexical ‾‾l‾‾l‾‾l‾‾l c‾‾o‾‾n‾‾c‾‾r‾‾e‾‾t‾‾i‾‾o‾‾n‾‾  l‾‾e‾‾x‾‾i‾‾c‾‾a‾‾l‾‾  c‾‾o‾‾n‾‾c‾‾r‾‾e‾‾t‾‾i‾‾o‾‾n‾‾  lexical concretion c‾‾o‾‾n‾‾c‾‾r‾‾e‾‾t‾‾i‾‾o‾‾n‾‾  ‾‾l‾‾l‾‾l‾‾
\ \ \ \ l‾‾e‾‾x‾‾i‾‾c‾‾a‾‾l‾‾  concretion c‾‾o‾‾n‾‾c‾‾r‾‾e‾‾t‾‾i‾‾o‾‾n‾‾  l‾‾e‾‾x‾‾i‾‾c‾‾a‾‾l‾‾  lexical lexical concretion \ \ \ \ lexical concretion ‾‾l‾‾l‾‾l‾‾l c‾‾o‾‾n‾‾c‾‾r‾‾e‾‾t‾‾i‾‾o‾‾n‾‾  concretion ‾‾l‾‾l‾‾l‾‾l l‾‾e‾‾x‾‾i‾‾c‾‾a‾‾l‾‾  ‾‾l‾‾‾‾l‾‾‾‾l‾‾lexical lexical concretion \ \ \ \ concretion \ \ \ \ c‾‾o‾‾n‾‾c‾‾r‾‾e‾‾t‾‾i‾‾o‾‾n‾‾  \ \ \ \ c‾‾o‾‾n‾‾c‾‾r‾‾e‾‾t‾‾i‾‾o‾‾n‾‾  concretion ‾‾l‾‾‾‾l‾‾‾‾l‾‾lexical co
lexical concretion lexical ‾‾l‾‾l‾‾l‾‾l ‾‾l‾‾l‾‾l‾‾l ‾‾l‾‾‾‾l‾‾‾‾l‾‾‾‾l‾‾l‾‾l‾‾l ‾‾l‾‾l‾‾l‾‾l \ \ \ \ c‾‾o‾‾n‾‾c‾‾r‾‾e‾‾t‾‾i‾‾o‾‾n‾‾  concretion l‾‾e‾‾x‾‾i‾‾c‾‾a‾‾l‾‾  c‾‾o‾‾n‾‾c‾‾r‾‾e‾‾t‾‾i‾‾o‾‾n‾‾  lexical concretion l‾‾e‾‾x‾‾i‾‾c‾‾a‾‾l‾‾  lexical concretion c‾‾o‾‾n‾‾c‾‾r‾‾e‾‾t‾‾i‾‾o‾‾n‾‾  l‾‾e‾‾x‾‾i‾‾c‾‾a‾‾l‾‾  lexical concretion \ \ \ \ \ \ \ \ c‾‾o‾‾n‾‾c‾‾r‾‾e‾‾t‾‾i‾‾o‾‾n‾‾  c‾‾o‾‾n‾‾c‾‾r‾‾e‾‾t‾‾i‾‾o‾‾n‾‾  \ \ \
c‾‾o‾‾n‾‾c‾‾r‾‾e‾‾t‾‾i‾‾o‾‾n‾‾  l‾‾e‾‾x‾‾i‾‾c‾‾a‾‾l‾‾  ‾‾l‾‾‾‾l‾‾‾‾l‾‾l‾‾e‾‾x‾‾i‾‾c‾‾a‾‾l‾‾  ‾‾l‾‾‾‾l‾‾‾‾l‾‾‾‾l‾‾‾‾l‾‾‾‾l‾‾concretion lexical lexical concretion \ \ \ \ l‾‾e‾‾x‾‾i‾‾c‾‾a‾‾l‾‾  \ \ \ \ ‾‾l‾‾l‾‾l‾‾l lexical ‾‾l‾‾‾‾l‾‾‾‾l‾‾\ \ \ \ concretion concretion lexical lexical concretion \ \ \ \ l‾‾e‾‾x‾‾i‾‾c‾‾a‾‾l‾‾  ‾‾l‾‾l‾‾l‾‾l lexical concretion ‾‾l‾‾‾‾l‾‾‾‾l‾‾c‾‾o‾‾n‾‾c‾‾r‾‾e‾‾t‾‾i‾‾o‾‾n‾‾  lexical c‾‾o‾‾n‾‾
l‾‾e‾‾x‾‾i‾‾c‾‾a‾‾l‾‾  concretion c‾‾o‾‾n‾‾c‾‾r‾‾e‾‾t‾‾i‾‾o‾‾n‾‾  lexical concretion \ \ \ \ c‾‾o‾‾n‾‾c‾‾r‾‾e‾‾t‾‾i‾‾o‾‾n‾‾  l‾‾e‾‾x‾‾i‾‾c‾‾a‾‾l‾‾  concretion concretion l‾‾e‾‾x‾‾i‾‾c‾‾a‾‾l‾‾  c‾‾o‾‾n‾‾c‾‾r‾‾e‾‾t‾‾i‾‾o‾‾n‾‾  concretion c‾‾o‾‾n‾‾c‾‾r‾‾e‾‾t‾‾i‾‾o‾‾n‾‾  lexical \ \ \ \ l‾‾e‾‾x‾‾i‾‾c‾‾a‾‾l‾‾  l‾‾e‾‾x‾‾i‾‾c‾‾a‾‾l‾‾  ‾‾l‾‾‾‾l‾‾‾‾l‾‾‾‾l‾‾l‾‾l‾‾l c‾‾o‾‾n‾‾c‾‾r‾‾e‾‾t‾‾i‾‾o‾‾n‾‾  lexical lexical lexical concre
concretion ‾‾l‾‾‾‾l‾‾‾‾l‾‾concretion ‾‾l‾‾‾‾l‾‾‾‾l‾‾l‾‾e‾‾x‾‾i‾‾c‾‾a‾‾l‾‾  ‾‾l‾‾‾‾l‾‾‾‾l‾‾lexical concretion concretion ‾‾l‾‾‾‾l‾‾‾‾l‾‾lexical concretion lexical concretion lexical concretion lexical concretion lexical concretion lexical concretion lexical \ \ \ \ lexical concretion lexical concretion l‾‾e‾‾x‾‾i‾‾c‾‾a‾‾l‾‾  concretion ‾‾l‾‾‾‾l‾‾‾‾l‾‾c‾‾o‾‾n‾‾c‾‾r‾‾e‾‾t‾‾i‾‾o‾‾n‾‾  ‾‾l‾‾l‾‾l‾‾l l‾‾e‾‾x‾‾i‾‾c‾‾a‾‾l‾‾
concretion lexical concretion \ \ \ \ concretion concretion l‾‾e‾‾x‾‾i‾‾c‾‾a‾‾l‾‾  ‾‾l‾‾‾‾l‾‾‾‾l‾‾lexical lexical l‾‾e‾‾x‾‾i‾‾c‾‾a‾‾l‾‾  lexical concretion ‾‾l‾‾l‾‾l‾‾l concretion c‾‾o‾‾n‾‾c‾‾r‾‾e‾‾t‾‾i‾‾o‾‾n‾‾  concretion l‾‾e‾‾x‾‾i‾‾c‾‾a‾‾l‾‾  c‾‾o‾‾n‾‾c‾‾r‾‾e‾‾t‾‾i‾‾o‾‾n‾‾  c‾‾o‾‾n‾‾c‾‾r‾‾e‾‾t‾‾i‾‾o‾‾n‾‾  ‾‾l‾‾‾‾l‾‾‾‾l‾‾‾‾l‾‾l‾‾l‾‾l \ \ \ \ l‾‾e‾‾x‾‾i‾‾c‾‾a‾‾l‾‾  l‾‾e‾‾x‾‾i‾‾c‾‾a‾‾l‾‾  c‾‾o‾‾n‾‾c‾‾r‾‾e‾‾t‾‾i‾‾o‾‾n
c‾‾o‾‾n‾‾c‾‾r‾‾e‾‾t‾‾i‾‾o‾‾n‾‾  lexical concretion c‾‾o‾‾n‾‾c‾‾r‾‾e‾‾t‾‾i‾‾o‾‾n‾‾  c‾‾o‾‾n‾‾c‾‾r‾‾e‾‾t‾‾i‾‾o‾‾n‾‾  ‾‾l‾‾‾‾l‾‾‾‾l‾‾l‾‾e‾‾x‾‾i‾‾c‾‾a‾‾l‾‾  \ \ \ \ ‾‾l‾‾l‾‾l‾‾l lexical ‾‾l‾‾l‾‾l‾‾l lexical lexical concretion l‾‾e‾‾x‾‾i‾‾c‾‾a‾‾l‾‾  concretion ‾‾l‾‾‾‾l‾‾‾‾l‾‾concretion c‾‾o‾‾n‾‾c‾‾r‾‾e‾‾t‾‾i‾‾o‾‾n‾‾  \ \ \ \ l‾‾e‾‾x‾‾i‾‾c‾‾a‾‾l‾‾  ‾‾l‾‾l‾‾l‾‾l lexical concretion l‾‾e‾‾x‾‾i‾‾c‾‾a‾‾l‾‾  ‾‾l‾‾l‾‾l‾‾l \ \ \ \
l‾‾e‾‾x‾‾i‾‾c‾‾a‾‾l‾‾  \ \ \ \ concretion lexical lexical ‾‾l‾‾l‾‾l‾‾l c‾‾o‾‾n‾‾c‾‾r‾‾e‾‾t‾‾i‾‾o‾‾n‾‾  ‾‾l‾‾l‾‾l‾‾l lexical concretion c‾‾o‾‾n‾‾c‾‾r‾‾e‾‾t‾‾i‾‾o‾‾n‾‾  c‾‾o‾‾n‾‾c‾‾r‾‾e‾‾t‾‾i‾‾o‾‾n‾‾  concretion ‾‾l‾‾‾‾l‾‾‾‾l‾‾concretion l‾‾e‾‾x‾‾i‾‾c‾‾a‾‾l‾‾  ‾‾l‾‾l‾‾l‾‾l l‾‾e‾‾x‾‾i‾‾c‾‾a‾‾l‾‾  lexical \ \ \ \ concretion concretion c‾‾o‾‾n‾‾c‾‾r‾‾e‾‾t‾‾i‾‾o‾‾n‾‾  l‾‾e‾‾x‾‾i‾‾c‾‾a‾‾l‾‾  ‾‾l‾‾l‾‾l‾‾l lexical concretion
lexical c‾‾o‾‾n‾‾c‾‾r‾‾e‾‾t‾‾i‾‾o‾‾n‾‾  l‾‾e‾‾x‾‾i‾‾c‾‾a‾‾l‾‾  ‾‾l‾‾‾‾l‾‾‾‾l‾‾‾‾l‾‾‾‾l‾‾‾‾l‾‾c‾‾o‾‾n‾‾c‾‾r‾‾e‾‾t‾‾i‾‾o‾‾n‾‾  concretion \ \ \ \ lexical concretion l‾‾e‾‾x‾‾i‾‾c‾‾a‾‾l‾‾  lexical concretion lexical l‾‾e‾‾x‾‾i‾‾c‾‾a‾‾l‾‾  lexical ‾‾l‾‾l‾‾l‾‾l \ \ \ \ \ \ \ \ lexical ‾‾l‾‾‾‾l‾‾‾‾l‾‾lexical lexical concretion ‾‾l‾‾l‾‾l‾‾l \ \ \ \ \ \ \ \ lexical c‾‾o‾‾n‾‾c‾‾r‾‾e‾‾t‾‾i‾‾o‾‾n‾‾  ‾‾l‾‾‾‾l‾‾‾‾l‾‾l‾‾e‾‾x‾‾i‾‾c
c‾‾o‾‾n‾‾c‾‾r‾‾e‾‾t‾‾i‾‾o‾‾n‾‾  lexical concretion ‾‾l‾‾‾‾l‾‾‾‾l‾‾l‾‾e‾‾x‾‾i‾‾c‾‾a‾‾l‾‾  \ \ \ \ lexical concretion lexical concretion \ \ \ \ concretion ‾‾l‾‾‾‾l‾‾‾‾l‾‾c‾‾o‾‾n‾‾c‾‾r‾‾e‾‾t‾‾i‾‾o‾‾n‾‾  lexical concretion c‾‾o‾‾n‾‾c‾‾r‾‾e‾‾t‾‾i‾‾o‾‾n‾‾  l‾‾e‾‾x‾‾i‾‾c‾‾a‾‾l‾‾  ‾‾l‾‾‾‾l‾‾‾‾l‾‾lexical lexical concretion ‾‾l‾‾‾‾l‾‾‾‾l‾‾c‾‾o‾‾n‾‾c‾‾r‾‾e‾‾t‾‾i‾‾o‾‾n‾‾  ‾‾l‾‾l‾‾l‾‾l lexical concretion concretion lexical concr
l‾‾e‾‾x‾‾i‾‾c‾‾a‾‾l‾‾  c‾‾o‾‾n‾‾c‾‾r‾‾e‾‾t‾‾i‾‾o‾‾n‾‾  lexical concretion ‾‾l‾‾‾‾l‾‾‾‾l‾‾c‾‾o‾‾n‾‾c‾‾r‾‾e‾‾t‾‾i‾‾o‾‾n‾‾  lexical \ \ \ \ ‾‾l‾‾‾‾l‾‾‾‾l‾‾lexical concretion ‾‾l‾‾l‾‾l‾‾l ‾‾l‾‾l‾‾l‾‾l \ \ \ \ lexical concretion ‾‾l‾‾‾‾l‾‾‾‾l‾‾lexical ‾‾l‾‾‾‾l‾‾‾‾l‾‾‾‾l‾‾l‾‾l‾‾l c‾‾o‾‾n‾‾c‾‾r‾‾e‾‾t‾‾i‾‾o‾‾n‾‾  ‾‾l‾‾‾‾l‾‾‾‾l‾‾‾‾l‾‾‾‾l‾‾‾‾l‾‾lexical concretion concretion \ \ \ \ lexical ‾‾l‾‾‾‾l‾‾‾‾l‾‾lexical concretion con
c‾‾o‾‾n‾‾c‾‾r‾‾e‾‾t‾‾i‾‾o‾‾n‾‾  concretion lexical ‾‾l‾‾l‾‾l‾‾l lexical concretion ‾‾l‾‾‾‾l‾‾‾‾l‾‾l‾‾e‾‾x‾‾i‾‾c‾‾a‾‾l‾‾  concretion ‾‾l‾‾‾‾l‾‾‾‾l‾‾l‾‾e‾‾x‾‾i‾‾c‾‾a‾‾l‾‾  \ \ \ \ \ \ \ \ concretion c‾‾o‾‾n‾‾c‾‾r‾‾e‾‾t‾‾i‾‾o‾‾n‾‾  lexical lexical l‾‾e‾‾x‾‾i‾‾c‾‾a‾‾l‾‾  ‾‾l‾‾l‾‾l‾‾l concretion lexical concretion ‾‾l‾‾l‾‾l‾‾l l‾‾e‾‾x‾‾i‾‾c‾‾a‾‾l‾‾  ‾‾l‾‾l‾‾l‾‾l lexical concretion ‾‾l‾‾‾‾l‾‾‾‾l‾‾lexical concretion lexical
concretion ‾‾l‾‾l‾‾l‾‾l ‾‾l‾‾‾‾l‾‾‾‾l‾‾c‾‾o‾‾n‾‾c‾‾r‾‾e‾‾t‾‾i‾‾o‾‾n‾‾  ‾‾l‾‾‾‾l‾‾‾‾l‾‾c‾‾o‾‾n‾‾c‾‾r‾‾e‾‾t‾‾i‾‾o‾‾n‾‾  l‾‾e‾‾x‾‾i‾‾c‾‾a‾‾l‾‾  c‾‾o‾‾n‾‾c‾‾r‾‾e‾‾t‾‾i‾‾o‾‾n‾‾  concretion ‾‾l‾‾‾‾l‾‾‾‾l‾‾c‾‾o‾‾n‾‾c‾‾r‾‾e‾‾t‾‾i‾‾o‾‾n‾‾  ‾‾l‾‾‾‾l‾‾‾‾l‾‾l‾‾e‾‾x‾‾i‾‾c‾‾a‾‾l‾‾  l‾‾e‾‾x‾‾i‾‾c‾‾a‾‾l‾‾  ‾‾l‾‾l‾‾l‾‾l ‾‾l‾‾l‾‾l‾‾l c‾‾o‾‾n‾‾c‾‾r‾‾e‾‾t‾‾i‾‾o‾‾n‾‾  l‾‾e‾‾x‾‾i‾‾c‾‾a‾‾l‾‾  lexical concretion ‾‾l‾‾l‾‾l‾‾l lexical ‾‾l‾‾l‾
lexical concretion l‾‾e‾‾x‾‾i‾‾c‾‾a‾‾l‾‾  \ \ \ \ c‾‾o‾‾n‾‾c‾‾r‾‾e‾‾t‾‾i‾‾o‾‾n‾‾  lexical concretion ‾‾l‾‾‾‾l‾‾‾‾l‾‾concretion ‾‾l‾‾l‾‾l‾‾l ‾‾l‾‾l‾‾l‾‾l l‾‾e‾‾x‾‾i‾‾c‾‾a‾‾l‾‾  ‾‾l‾‾l‾‾l‾‾l lexical concretion l‾‾e‾‾x‾‾i‾‾c‾‾a‾‾l‾‾  l‾‾e‾‾x‾‾i‾‾c‾‾a‾‾l‾‾  ‾‾l‾‾l‾‾l‾‾l ‾‾l‾‾l‾‾l‾‾l ‾‾l‾‾‾‾l‾‾‾‾l‾‾l‾‾e‾‾x‾‾i‾‾c‾‾a‾‾l‾‾  lexical concretion c‾‾o‾‾n‾‾c‾‾r‾‾e‾‾t‾‾i‾‾o‾‾n‾‾  l‾‾e‾‾x‾‾i‾‾c‾‾a‾‾l‾‾  l‾‾e‾‾x‾‾i‾‾c‾‾a‾‾l‾‾  concr
‾‾l‾‾‾‾l‾‾‾‾l‾‾lexical lexical concretion ‾‾l‾‾l‾‾l‾‾l lexical concretion ‾‾l‾‾‾‾l‾‾‾‾l‾‾‾‾l‾‾‾‾l‾‾‾‾l‾‾l‾‾e‾‾x‾‾i‾‾c‾‾a‾‾l‾‾  c‾‾o‾‾n‾‾c‾‾r‾‾e‾‾t‾‾i‾‾o‾‾n‾‾  lexical concretion ‾‾l‾‾‾‾l‾‾‾‾l‾‾l‾‾e‾‾x‾‾i‾‾c‾‾a‾‾l‾‾  c‾‾o‾‾n‾‾c‾‾r‾‾e‾‾t‾‾i‾‾o‾‾n‾‾  concretion \ \ \ \ ‾‾l‾‾l‾‾l‾‾l lexical lexical \ \ \ \ \ \ \ \ ‾‾l‾‾‾‾l‾‾‾‾l‾‾lexical concretion \ \ \ \ \ \ \ \ ‾‾l‾‾‾‾l‾‾‾‾l‾‾l‾‾e‾‾x‾‾i‾‾c‾‾a‾‾l‾‾  c‾‾o‾‾n‾‾c‾‾r‾‾e‾‾t‾
‾‾l‾‾‾‾l‾‾‾‾l‾‾‾‾l‾‾l‾‾l‾‾l ‾‾l‾‾‾‾l‾‾‾‾l‾‾c‾‾o‾‾n‾‾c‾‾r‾‾e‾‾t‾‾i‾‾o‾‾n‾‾  l‾‾e‾‾x‾‾i‾‾c‾‾a‾‾l‾‾  l‾‾e‾‾x‾‾i‾‾c‾‾a‾‾l‾‾  \ \ \ \ concretion l‾‾e‾‾x‾‾i‾‾c‾‾a‾‾l‾‾  \ \ \ \ lexical concretion c‾‾o‾‾n‾‾c‾‾r‾‾e‾‾t‾‾i‾‾o‾‾n‾‾  ‾‾l‾‾‾‾l‾‾‾‾l‾‾‾‾l‾‾‾‾l‾‾‾‾l‾‾lexical concretion ‾‾l‾‾‾‾l‾‾‾‾l‾‾‾‾l‾‾l‾‾l‾‾l c‾‾o‾‾n‾‾c‾‾r‾‾e‾‾t‾‾i‾‾o‾‾n‾‾  lexical concretion ‾‾l‾‾l‾‾l‾‾l c‾‾o‾‾n‾‾c‾‾r‾‾e‾‾t‾‾i‾‾o‾‾n‾‾  concretion lexical concre
‾‾l‾‾‾‾l‾‾‾‾l‾‾lexical concretion \ \ \ \ ‾‾l‾‾l‾‾l‾‾l lexical concretion c‾‾o‾‾n‾‾c‾‾r‾‾e‾‾t‾‾i‾‾o‾‾n‾‾  c‾‾o‾‾n‾‾c‾‾r‾‾e‾‾t‾‾i‾‾o‾‾n‾‾  lexical concretion ‾‾l‾‾‾‾l‾‾‾‾l‾‾\ \ \ \ l‾‾e‾‾x‾‾i‾‾c‾‾a‾‾l‾‾  ‾‾l‾‾l‾‾l‾‾l \ \ \ \ c‾‾o‾‾n‾‾c‾‾r‾‾e‾‾t‾‾i‾‾o‾‾n‾‾  l‾‾e‾‾x‾‾i‾‾c‾‾a‾‾l‾‾  ‾‾l‾‾l‾‾l‾‾l concretion l‾‾e‾‾x‾‾i‾‾c‾‾a‾‾l‾‾  concretion concretion ‾‾l‾‾‾‾l‾‾‾‾l‾‾‾‾l‾‾l‾‾l‾‾l lexical lexical concretion lexical concretio
\ \ \ \ lexical lexical ‾‾l‾‾l‾‾l‾‾l ‾‾l‾‾‾‾l‾‾‾‾l‾‾‾‾l‾‾l‾‾l‾‾l concretion lexical concretion c‾‾o‾‾n‾‾c‾‾r‾‾e‾‾t‾‾i‾‾o‾‾n‾‾  ‾‾l‾‾‾‾l‾‾‾‾l‾‾‾‾l‾‾‾‾l‾‾‾‾l‾‾concretion ‾‾l‾‾l‾‾l‾‾l lexical ‾‾l‾‾l‾‾l‾‾l \ \ \ \ lexical lexical ‾‾l‾‾‾‾l‾‾‾‾l‾‾l‾‾e‾‾x‾‾i‾‾c‾‾a‾‾l‾‾  ‾‾l‾‾l‾‾l‾‾l \ \ \ \ ‾‾l‾‾l‾‾l‾‾l c‾‾o‾‾n‾‾c‾‾r‾‾e‾‾t‾‾i‾‾o‾‾n‾‾  ‾‾l‾‾‾‾l‾‾‾‾l‾‾‾‾l‾‾‾‾l‾‾‾‾l‾‾concretion \ \ \ \ l‾‾e‾‾x‾‾i‾‾c‾‾a‾‾l‾‾  c‾‾o‾‾n‾‾c‾‾r‾‾e‾‾
lexical ‾‾l‾‾l‾‾l‾‾l lexical concretion l‾‾e‾‾x‾‾i‾‾c‾‾a‾‾l‾‾  \ \ \ \ lexical concretion lexical \ \ \ \ concretion lexical concretion c‾‾o‾‾n‾‾c‾‾r‾‾e‾‾t‾‾i‾‾o‾‾n‾‾  ‾‾l‾‾‾‾l‾‾‾‾l‾‾c‾‾o‾‾n‾‾c‾‾r‾‾e‾‾t‾‾i‾‾o‾‾n‾‾  ‾‾l‾‾‾‾l‾‾‾‾l‾‾‾‾l‾‾‾‾l‾‾‾‾l‾‾concretion ‾‾l‾‾l‾‾l‾‾l \ \ \ \ ‾‾l‾‾‾‾l‾‾‾‾l‾‾‾‾l‾‾‾‾l‾‾‾‾l‾‾lexical l‾‾e‾‾x‾‾i‾‾c‾‾a‾‾l‾‾  l‾‾e‾‾x‾‾i‾‾c‾‾a‾‾l‾‾  ‾‾l‾‾l‾‾l‾‾l lexical lexical concretion lexical concretion
\ \ \ \ c‾‾o‾‾n‾‾c‾‾r‾‾e‾‾t‾‾i‾‾o‾‾n‾‾  ‾‾l‾‾‾‾l‾‾‾‾l‾‾\ \ \ \ \ \ \ \ concretion \ \ \ \ ‾‾l‾‾‾‾l‾‾‾‾l‾‾‾‾l‾‾l‾‾l‾‾l l‾‾e‾‾x‾‾i‾‾c‾‾a‾‾l‾‾  lexical ‾‾l‾‾‾‾l‾‾‾‾l‾‾lexical concretion concretion lexical concretion c‾‾o‾‾n‾‾c‾‾r‾‾e‾‾t‾‾i‾‾o‾‾n‾‾  lexical ‾‾l‾‾l‾‾l‾‾l c‾‾o‾‾n‾‾c‾‾r‾‾e‾‾t‾‾i‾‾o‾‾n‾‾  concretion c‾‾o‾‾n‾‾c‾‾r‾‾e‾‾t‾‾i‾‾o‾‾n‾‾  \ \ \ \ c‾‾o‾‾n‾‾c‾‾r‾‾e‾‾t‾‾i‾‾o‾‾n‾‾  lexical concretion l‾‾e‾‾x‾‾i‾‾c‾‾a‾‾l‾
c‾‾o‾‾n‾‾c‾‾r‾‾e‾‾t‾‾i‾‾o‾‾n‾‾  concretion ‾‾l‾‾l‾‾l‾‾l ‾‾l‾‾‾‾l‾‾‾‾l‾‾concretion ‾‾l‾‾‾‾l‾‾‾‾l‾‾‾‾l‾‾l‾‾l‾‾l c‾‾o‾‾n‾‾c‾‾r‾‾e‾‾t‾‾i‾‾o‾‾n‾‾  concretion \ \ \ \ l‾‾e‾‾x‾‾i‾‾c‾‾a‾‾l‾‾  ‾‾l‾‾l‾‾l‾‾l c‾‾o‾‾n‾‾c‾‾r‾‾e‾‾t‾‾i‾‾o‾‾n‾‾  ‾‾l‾‾‾‾l‾‾‾‾l‾‾‾‾l‾‾‾‾l‾‾‾‾l‾‾‾‾l‾‾l‾‾l‾‾l ‾‾l‾‾l‾‾l‾‾l ‾‾l‾‾‾‾l‾‾‾‾l‾‾lexical lexical concretion concretion ‾‾l‾‾‾‾l‾‾‾‾l‾‾‾‾l‾‾‾‾l‾‾‾‾l‾‾\ \ \ \ concretion concretion \ \ \ \ l‾‾e‾‾x‾‾i‾‾c‾
l‾‾e‾‾x‾‾i‾‾c‾‾a‾‾l‾‾  \ \ \ \ ‾‾l‾‾l‾‾l‾‾l lexical concretion lexical ‾‾l‾‾‾‾l‾‾‾‾l‾‾l‾‾e‾‾x‾‾i‾‾c‾‾a‾‾l‾‾  ‾‾l‾‾l‾‾l‾‾l lexical l‾‾e‾‾x‾‾i‾‾c‾‾a‾‾l‾‾  ‾‾l‾‾l‾‾l‾‾l ‾‾l‾‾‾‾l‾‾‾‾l‾‾‾‾l‾‾‾‾l‾‾‾‾l‾‾\ \ \ \ \ \ \ \ \ \ \ \ \ \ \ \ lexical l‾‾e‾‾x‾‾i‾‾c‾‾a‾‾l‾‾  lexical ‾‾l‾‾‾‾l‾‾‾‾l‾‾l‾‾e‾‾x‾‾i‾‾c‾‾a‾‾l‾‾  l‾‾e‾‾x‾‾i‾‾c‾‾a‾‾l‾‾  l‾‾e‾‾x‾‾i‾‾c‾‾a‾‾l‾‾  ‾‾l‾‾l‾‾l‾‾l c‾‾o‾‾n‾‾c‾‾r‾‾e‾‾t‾‾i‾‾o‾‾n‾‾  c‾‾o‾‾n‾‾c‾‾r‾‾e‾‾t‾‾i‾‾
lexical lexical lexical concretion \ \ \ \ ‾‾l‾‾l‾‾l‾‾l ‾‾l‾‾l‾‾l‾‾l \ \ \ \ concretion ‾‾l‾‾l‾‾l‾‾l ‾‾l‾‾l‾‾l‾‾l c‾‾o‾‾n‾‾c‾‾r‾‾e‾‾t‾‾i‾‾o‾‾n‾‾  c‾‾o‾‾n‾‾c‾‾r‾‾e‾‾t‾‾i‾‾o‾‾n‾‾  \ \ \ \ ‾‾l‾‾‾‾l‾‾‾‾l‾‾lexical concretion concretion l‾‾e‾‾x‾‾i‾‾c‾‾a‾‾l‾‾  concretion ‾‾l‾‾‾‾l‾‾‾‾l‾‾l‾‾e‾‾x‾‾i‾‾c‾‾a‾‾l‾‾  lexical ‾‾l‾‾‾‾l‾‾‾‾l‾‾l‾‾e‾‾x‾‾i‾‾c‾‾a‾‾l‾‾  ‾‾l‾‾l‾‾l‾‾l \ \ \ \ concretion lexical concretion concretion ‾‾l‾‾‾‾l‾
c‾‾o‾‾n‾‾c‾‾r‾‾e‾‾t‾‾i‾‾o‾‾n‾‾  lexical ‾‾l‾‾l‾‾l‾‾l ‾‾l‾‾‾‾l‾‾‾‾l‾‾‾‾l‾‾‾‾l‾‾‾‾l‾‾lexical concretion concretion lexical concretion lexical concretion l‾‾e‾‾x‾‾i‾‾c‾‾a‾‾l‾‾  lexical c‾‾o‾‾n‾‾c‾‾r‾‾e‾‾t‾‾i‾‾o‾‾n‾‾  ‾‾l‾‾l‾‾l‾‾l ‾‾l‾‾‾‾l‾‾‾‾l‾‾concretion ‾‾l‾‾‾‾l‾‾‾‾l‾‾lexical concretion ‾‾l‾‾l‾‾l‾‾l c‾‾o‾‾n‾‾c‾‾r‾‾e‾‾t‾‾i‾‾o‾‾n‾‾  lexical concretion c‾‾o‾‾n‾‾c‾‾r‾‾e‾‾t‾‾i‾‾o‾‾n‾‾  lexical \ \ \ \ ‾‾l‾‾‾‾l‾‾‾‾l‾‾lexica
‾‾l‾‾l‾‾l‾‾l concretion \ \ \ \ ‾‾l‾‾l‾‾l‾‾l c‾‾o‾‾n‾‾c‾‾r‾‾e‾‾t‾‾i‾‾o‾‾n‾‾  lexical concretion lexical lexical c‾‾o‾‾n‾‾c‾‾r‾‾e‾‾t‾‾i‾‾o‾‾n‾‾  c‾‾o‾‾n‾‾c‾‾r‾‾e‾‾t‾‾i‾‾o‾‾n‾‾  lexical l‾‾e‾‾x‾‾i‾‾c‾‾a‾‾l‾‾  c‾‾o‾‾n‾‾c‾‾r‾‾e‾‾t‾‾i‾‾o‾‾n‾‾  concretion ‾‾l‾‾l‾‾l‾‾l ‾‾l‾‾‾‾l‾‾‾‾l‾‾c‾‾o‾‾n‾‾c‾‾r‾‾e‾‾t‾‾i‾‾o‾‾n‾‾  c‾‾o‾‾n‾‾c‾‾r‾‾e‾‾t‾‾i‾‾o‾‾n‾‾  ‾‾l‾‾l‾‾l‾‾l ‾‾l‾‾l‾‾l‾‾l lexical ‾‾l‾‾‾‾l‾‾‾‾l‾‾l‾‾e‾‾x‾‾i‾‾c‾‾a‾‾l‾‾  \ \ \
‾‾l‾‾l‾‾l‾‾l c‾‾o‾‾n‾‾c‾‾r‾‾e‾‾t‾‾i‾‾o‾‾n‾‾  \ \ \ \ concretion concretion lexical concretion concretion ‾‾l‾‾‾‾l‾‾‾‾l‾‾concretion concretion \ \ \ \ ‾‾l‾‾l‾‾l‾‾l ‾‾l‾‾l‾‾l‾‾l lexical lexical concretion l‾‾e‾‾x‾‾i‾‾c‾‾a‾‾l‾‾  ‾‾l‾‾l‾‾l‾‾l concretion ‾‾l‾‾‾‾l‾‾‾‾l‾‾lexical concretion c‾‾o‾‾n‾‾c‾‾r‾‾e‾‾t‾‾i‾‾o‾‾n‾‾  ‾‾l‾‾‾‾l‾‾‾‾l‾‾‾‾l‾‾‾‾l‾‾‾‾l‾‾‾‾l‾‾‾‾l‾‾‾‾l‾‾\ \ \ \ ‾‾l‾‾‾‾l‾‾‾‾l‾‾lexical concretion lexical l‾‾e‾‾x‾‾
\ \ \ \ lexical concretion \ \ \ \ c‾‾o‾‾n‾‾c‾‾r‾‾e‾‾t‾‾i‾‾o‾‾n‾‾  ‾‾l‾‾‾‾l‾‾‾‾l‾‾\ \ \ \ l‾‾e‾‾x‾‾i‾‾c‾‾a‾‾l‾‾  l‾‾e‾‾x‾‾i‾‾c‾‾a‾‾l‾‾  ‾‾l‾‾‾‾l‾‾‾‾l‾‾‾‾l‾‾‾‾l‾‾‾‾l‾‾\ \ \ \ \ \ \ \ c‾‾o‾‾n‾‾c‾‾r‾‾e‾‾t‾‾i‾‾o‾‾n‾‾  lexical concretion concretion c‾‾o‾‾n‾‾c‾‾r‾‾e‾‾t‾‾i‾‾o‾‾n‾‾  l‾‾e‾‾x‾‾i‾‾c‾‾a‾‾l‾‾  concretion c‾‾o‾‾n‾‾c‾‾r‾‾e‾‾t‾‾i‾‾o‾‾n‾‾  ‾‾l‾‾‾‾l‾‾‾‾l‾‾‾‾l‾‾l‾‾l‾‾l ‾‾l‾‾‾‾l‾‾‾‾l‾‾‾‾l‾‾l‾‾l‾‾l lexical \ \ \ \ concre
l‾‾e‾‾x‾‾i‾‾c‾‾a‾‾l‾‾  lexical concretion \ \ \ \ ‾‾l‾‾‾‾l‾‾‾‾l‾‾\ \ \ \ ‾‾l‾‾l‾‾l‾‾l lexical ‾‾l‾‾‾‾l‾‾‾‾l‾‾\ \ \ \ \ \ \ \ \ \ \ \ lexical l‾‾e‾‾x‾‾i‾‾c‾‾a‾‾l‾‾  lexical concretion c‾‾o‾‾n‾‾c‾‾r‾‾e‾‾t‾‾i‾‾o‾‾n‾‾  ‾‾l‾‾l‾‾l‾‾l l‾‾e‾‾x‾‾i‾‾c‾‾a‾‾l‾‾  lexical concretion ‾‾l‾‾‾‾l‾‾‾‾l‾‾l‾‾e‾‾x‾‾i‾‾c‾‾a‾‾l‾‾  ‾‾l‾‾‾‾l‾‾‾‾l‾‾‾‾l‾‾‾‾l‾‾‾‾l‾‾c‾‾o‾‾n‾‾c‾‾r‾‾e‾‾t‾‾i‾‾o‾‾n‾‾  ‾‾l‾‾l‾‾l‾‾l c‾‾o‾‾n‾‾c‾‾r‾‾e‾‾t‾‾i‾‾o‾‾n‾‾  \ \ \
c‾‾o‾‾n‾‾c‾‾r‾‾e‾‾t‾‾i‾‾o‾‾n‾‾  ‾‾l‾‾l‾‾l‾‾l c‾‾o‾‾n‾‾c‾‾r‾‾e‾‾t‾‾i‾‾o‾‾n‾‾  ‾‾l‾‾l‾‾l‾‾l c‾‾o‾‾n‾‾c‾‾r‾‾e‾‾t‾‾i‾‾o‾‾n‾‾  ‾‾l‾‾l‾‾l‾‾l lexical concretion ‾‾l‾‾‾‾l‾‾‾‾l‾‾l‾‾e‾‾x‾‾i‾‾c‾‾a‾‾l‾‾  ‾‾l‾‾l‾‾l‾‾l c‾‾o‾‾n‾‾c‾‾r‾‾e‾‾t‾‾i‾‾o‾‾n‾‾  concretion lexical ‾‾l‾‾‾‾l‾‾‾‾l‾‾lexical concretion lexical concretion lexical concretion \ \ \ \ ‾‾l‾‾l‾‾l‾‾l ‾‾l‾‾‾‾l‾‾‾‾l‾‾concretion c‾‾o‾‾n‾‾c‾‾r‾‾e‾‾t‾‾i‾‾o‾‾n‾‾  l‾‾e‾‾x‾‾i‾‾c
concretion lexical concretion lexical concretion lexical lexical lexical c‾‾o‾‾n‾‾c‾‾r‾‾e‾‾t‾‾i‾‾o‾‾n‾‾  l‾‾e‾‾x‾‾i‾‾c‾‾a‾‾l‾‾  lexical concretion \ \ \ \ concretion lexical concretion l‾‾e‾‾x‾‾i‾‾c‾‾a‾‾l‾‾  l‾‾e‾‾x‾‾i‾‾c‾‾a‾‾l‾‾  lexical concretion ‾‾l‾‾l‾‾l‾‾l l‾‾e‾‾x‾‾i‾‾c‾‾a‾‾l‾‾  l‾‾e‾‾x‾‾i‾‾c‾‾a‾‾l‾‾  ‾‾l‾‾‾‾l‾‾‾‾l‾‾l‾‾e‾‾x‾‾i‾‾c‾‾a‾‾l‾‾  l‾‾e‾‾x‾‾i‾‾c‾‾a‾‾l‾‾  lexical concretion lexical lexical concretion \ \
l‾‾e‾‾x‾‾i‾‾c‾‾a‾‾l‾‾  lexical ‾‾l‾‾l‾‾l‾‾l lexical concretion lexical ‾‾l‾‾l‾‾l‾‾l ‾‾l‾‾l‾‾l‾‾l c‾‾o‾‾n‾‾c‾‾r‾‾e‾‾t‾‾i‾‾o‾‾n‾‾  ‾‾l‾‾l‾‾l‾‾l ‾‾l‾‾l‾‾l‾‾l concretion lexical c‾‾o‾‾n‾‾c‾‾r‾‾e‾‾t‾‾i‾‾o‾‾n‾‾  lexical \ \ \ \ c‾‾o‾‾n‾‾c‾‾r‾‾e‾‾t‾‾i‾‾o‾‾n‾‾  concretion c‾‾o‾‾n‾‾c‾‾r‾‾e‾‾t‾‾i‾‾o‾‾n‾‾  c‾‾o‾‾n‾‾c‾‾r‾‾e‾‾t‾‾i‾‾o‾‾n‾‾  l‾‾e‾‾x‾‾i‾‾c‾‾a‾‾l‾‾  concretion \ \ \ \ ‾‾l‾‾‾‾l‾‾‾‾l‾‾lexical concretion l‾‾e‾‾x‾‾i‾‾c‾‾
‾‾l‾‾‾‾l‾‾‾‾l‾‾\ \ \ \ lexical concretion lexical ‾‾l‾‾‾‾l‾‾‾‾l‾‾lexical lexical \ \ \ \ ‾‾l‾‾l‾‾l‾‾l ‾‾l‾‾l‾‾l‾‾l \ \ \ \ c‾‾o‾‾n‾‾c‾‾r‾‾e‾‾t‾‾i‾‾o‾‾n‾‾  ‾‾l‾‾‾‾l‾‾‾‾l‾‾lexical concretion concretion \ \ \ \ ‾‾l‾‾‾‾l‾‾‾‾l‾‾l‾‾e‾‾x‾‾i‾‾c‾‾a‾‾l‾‾  \ \ \ \ lexical ‾‾l‾‾‾‾l‾‾‾‾l‾‾l‾‾e‾‾x‾‾i‾‾c‾‾a‾‾l‾‾  ‾‾l‾‾‾‾l‾‾‾‾l‾‾lexical l‾‾e‾‾x‾‾i‾‾c‾‾a‾‾l‾‾  \ \ \ \ \ \ \ \ lexical l‾‾e‾‾x‾‾i‾‾c‾‾a‾‾l‾‾  c‾‾o‾‾n‾‾c‾‾r‾‾e‾‾t‾‾i‾‾o‾‾
l‾‾e‾‾x‾‾i‾‾c‾‾a‾‾l‾‾  l‾‾e‾‾x‾‾i‾‾c‾‾a‾‾l‾‾  l‾‾e‾‾x‾‾i‾‾c‾‾a‾‾l‾‾  lexical concretion lexical l‾‾e‾‾x‾‾i‾‾c‾‾a‾‾l‾‾  lexical concretion ‾‾l‾‾l‾‾l‾‾l c‾‾o‾‾n‾‾c‾‾r‾‾e‾‾t‾‾i‾‾o‾‾n‾‾  lexical concretion ‾‾l‾‾‾‾l‾‾‾‾l‾‾c‾‾o‾‾n‾‾c‾‾r‾‾e‾‾t‾‾i‾‾o‾‾n‾‾  ‾‾l‾‾l‾‾l‾‾l ‾‾l‾‾‾‾l‾‾‾‾l‾‾lexical \ \ \ \ lexical l‾‾e‾‾x‾‾i‾‾c‾‾a‾‾l‾‾  concretion lexical \ \ \ \ \ \ \ \ lexical concretion lexical concretion ‾‾l‾‾l‾‾l‾‾l concretion
lexical concretion lexical concretion l‾‾e‾‾x‾‾i‾‾c‾‾a‾‾l‾‾  ‾‾l‾‾‾‾l‾‾‾‾l‾‾lexical lexical concretion ‾‾l‾‾l‾‾l‾‾l ‾‾l‾‾‾‾l‾‾‾‾l‾‾lexical concretion lexical concretion concretion lexical ‾‾l‾‾‾‾l‾‾‾‾l‾‾lexical ‾‾l‾‾‾‾l‾‾‾‾l‾‾lexical concretion lexical concretion lexical ‾‾l‾‾l‾‾l‾‾l lexical \ \ \ \ c‾‾o‾‾n‾‾c‾‾r‾‾e‾‾t‾‾i‾‾o‾‾n‾‾  l‾‾e‾‾x‾‾i‾‾c‾‾a‾‾l‾‾  lexical l‾‾e‾‾x‾‾i‾‾c‾‾a‾‾l‾‾  \ \ \ \ ‾‾l‾‾‾‾l‾‾‾‾l‾‾‾‾l‾‾l‾‾l‾
concretion \ \ \ \ concretion lexical concretion lexical \ \ \ \ c‾‾o‾‾n‾‾c‾‾r‾‾e‾‾t‾‾i‾‾o‾‾n‾‾  \ \ \ \ lexical l‾‾e‾‾x‾‾i‾‾c‾‾a‾‾l‾‾  concretion \ \ \ \ \ \ \ \ \ \ \ \ c‾‾o‾‾n‾‾c‾‾r‾‾e‾‾t‾‾i‾‾o‾‾n‾‾  \ \ \ \ c‾‾o‾‾n‾‾c‾‾r‾‾e‾‾t‾‾i‾‾o‾‾n‾‾  c‾‾o‾‾n‾‾c‾‾r‾‾e‾‾t‾‾i‾‾o‾‾n‾‾  concretion l‾‾e‾‾x‾‾i‾‾c‾‾a‾‾l‾‾  c‾‾o‾‾n‾‾c‾‾r‾‾e‾‾t‾‾i‾‾o‾‾n‾‾  c‾‾o‾‾n‾‾c‾‾r‾‾e‾‾t‾‾i‾‾o‾‾n‾‾  ‾‾l‾‾l‾‾l‾‾l ‾‾l‾‾‾‾l‾‾‾‾l‾‾concretion l‾‾e‾‾x‾
\ \ \ \ \ \ \ \ ‾‾l‾‾l‾‾l‾‾l l‾‾e‾‾x‾‾i‾‾c‾‾a‾‾l‾‾  lexical l‾‾e‾‾x‾‾i‾‾c‾‾a‾‾l‾‾  l‾‾e‾‾x‾‾i‾‾c‾‾a‾‾l‾‾  \ \ \ \ \ \ \ \ c‾‾o‾‾n‾‾c‾‾r‾‾e‾‾t‾‾i‾‾o‾‾n‾‾  lexical lexical lexical concretion concretion concretion c‾‾o‾‾n‾‾c‾‾r‾‾e‾‾t‾‾i‾‾o‾‾n‾‾  \ \ \ \ lexical ‾‾l‾‾l‾‾l‾‾l lexical concretion concretion lexical concretion lexical l‾‾e‾‾x‾‾i‾‾c‾‾a‾‾l‾‾  ‾‾l‾‾‾‾l‾‾‾‾l‾‾c‾‾o‾‾n‾‾c‾‾r‾‾e‾‾t‾‾i‾‾o‾‾n‾‾  c‾‾o‾‾n‾‾c‾‾r‾‾e‾‾t‾‾
l‾‾e‾‾x‾‾i‾‾c‾‾a‾‾l‾‾  ‾‾l‾‾‾‾l‾‾‾‾l‾‾lexical ‾‾l‾‾‾‾l‾‾‾‾l‾‾lexical concretion lexical concretion \ \ \ \ concretion c‾‾o‾‾n‾‾c‾‾r‾‾e‾‾t‾‾i‾‾o‾‾n‾‾  lexical concretion lexical concretion \ \ \ \ c‾‾o‾‾n‾‾c‾‾r‾‾e‾‾t‾‾i‾‾o‾‾n‾‾  concretion lexical concretion lexical ‾‾l‾‾‾‾l‾‾‾‾l‾‾l‾‾e‾‾x‾‾i‾‾c‾‾a‾‾l‾‾  \ \ \ \ \ \ \ \ lexical concretion \ \ \ \ c‾‾o‾‾n‾‾c‾‾r‾‾e‾‾t‾‾i‾‾o‾‾n‾‾  lexical \ \ \ \ ‾‾l‾‾‾‾l‾‾‾‾l‾‾lexical c‾
c‾‾o‾‾n‾‾c‾‾r‾‾e‾‾t‾‾i‾‾o‾‾n‾‾  lexical concretion concretion concretion ‾‾l‾‾‾‾l‾‾‾‾l‾‾l‾‾e‾‾x‾‾i‾‾c‾‾a‾‾l‾‾  lexical concretion ‾‾l‾‾l‾‾l‾‾l lexical \ \ \ \ c‾‾o‾‾n‾‾c‾‾r‾‾e‾‾t‾‾i‾‾o‾‾n‾‾  \ \ \ \ concretion lexical concretion \ \ \ \ ‾‾l‾‾‾‾l‾‾‾‾l‾‾lexical ‾‾l‾‾‾‾l‾‾‾‾l‾‾concretion ‾‾l‾‾l‾‾l‾‾l \ \ \ \ concretion lexical \ \ \ \ l‾‾e‾‾x‾‾i‾‾c‾‾a‾‾l‾‾  \ \ \ \ ‾‾l‾‾l‾‾l‾‾l \ \ \ \ concretion \ \ \ \ \ \ \ \ c‾‾o‾‾n
concretion concretion c‾‾o‾‾n‾‾c‾‾r‾‾e‾‾t‾‾i‾‾o‾‾n‾‾  \ \ \ \ ‾‾l‾‾‾‾l‾‾‾‾l‾‾‾‾l‾‾l‾‾l‾‾l lexical concretion lexical lexical concretion lexical c‾‾o‾‾n‾‾c‾‾r‾‾e‾‾t‾‾i‾‾o‾‾n‾‾  lexical lexical concretion \ \ \ \ ‾‾l‾‾‾‾l‾‾‾‾l‾‾\ \ \ \ concretion c‾‾o‾‾n‾‾c‾‾r‾‾e‾‾t‾‾i‾‾o‾‾n‾‾  lexical l‾‾e‾‾x‾‾i‾‾c‾‾a‾‾l‾‾  ‾‾l‾‾l‾‾l‾‾l \ \ \ \ ‾‾l‾‾l‾‾l‾‾l ‾‾l‾‾l‾‾l‾‾l c‾‾o‾‾n‾‾c‾‾r‾‾e‾‾t‾‾i‾‾o‾‾n‾‾  lexical \ \ \ \ c‾‾o‾‾n‾‾c‾‾r‾‾e‾
lexical concretion \ \ \ \ lexical lexical concretion lexical \ \ \ \ \ \ \ \ ‾‾l‾‾l‾‾l‾‾l l‾‾e‾‾x‾‾i‾‾c‾‾a‾‾l‾‾  lexical concretion ‾‾l‾‾l‾‾l‾‾l ‾‾l‾‾‾‾l‾‾‾‾l‾‾\ \ \ \ ‾‾l‾‾l‾‾l‾‾l lexical concretion lexical concretion l‾‾e‾‾x‾‾i‾‾c‾‾a‾‾l‾‾  c‾‾o‾‾n‾‾c‾‾r‾‾e‾‾t‾‾i‾‾o‾‾n‾‾  lexical ‾‾l‾‾l‾‾l‾‾l ‾‾l‾‾l‾‾l‾‾l ‾‾l‾‾l‾‾l‾‾l ‾‾l‾‾l‾‾l‾‾l \ \ \ \ lexical concretion ‾‾l‾‾‾‾l‾‾‾‾l‾‾\ \ \ \ ‾‾l‾‾‾‾l‾‾‾‾l‾‾‾‾l‾‾l‾‾l‾‾l ‾‾l‾‾‾‾
‾‾l‾‾‾‾l‾‾‾‾l‾‾lexical concretion concretion l‾‾e‾‾x‾‾i‾‾c‾‾a‾‾l‾‾  concretion l‾‾e‾‾x‾‾i‾‾c‾‾a‾‾l‾‾  \ \ \ \ c‾‾o‾‾n‾‾c‾‾r‾‾e‾‾t‾‾i‾‾o‾‾n‾‾  ‾‾l‾‾‾‾l‾‾‾‾l‾‾lexical concretion ‾‾l‾‾‾‾l‾‾‾‾l‾‾‾‾l‾‾‾‾l‾‾‾‾l‾‾lexical concretion l‾‾e‾‾x‾‾i‾‾c‾‾a‾‾l‾‾  lexical c‾‾o‾‾n‾‾c‾‾r‾‾e‾‾t‾‾i‾‾o‾‾n‾‾  ‾‾l‾‾l‾‾l‾‾l lexical c‾‾o‾‾n‾‾c‾‾r‾‾e‾‾t‾‾i‾‾o‾‾n‾‾  ‾‾l‾‾‾‾l‾‾‾‾l‾‾l‾‾e‾‾x‾‾i‾‾c‾‾a‾‾l‾‾  lexical ‾‾l‾‾‾‾l‾‾‾‾l‾‾lexical concretion
l‾‾e‾‾x‾‾i‾‾c‾‾a‾‾l‾‾  lexical l‾‾e‾‾x‾‾i‾‾c‾‾a‾‾l‾‾  \ \ \ \ l‾‾e‾‾x‾‾i‾‾c‾‾a‾‾l‾‾  lexical lexical concretion concretion lexical concretion \ \ \ \ \ \ \ \ l‾‾e‾‾x‾‾i‾‾c‾‾a‾‾l‾‾  lexical concretion lexical ‾‾l‾‾‾‾l‾‾‾‾l‾‾‾‾l‾‾‾‾l‾‾‾‾l‾‾\ \ \ \ ‾‾l‾‾‾‾l‾‾‾‾l‾‾lexical lexical ‾‾l‾‾‾‾l‾‾‾‾l‾‾‾‾l‾‾‾‾l‾‾‾‾l‾‾‾‾l‾‾‾‾l‾‾‾‾l‾‾‾‾l‾‾l‾‾l‾‾l \ \ \ \ lexical concretion c‾‾o‾‾n‾‾c‾‾r‾‾e‾‾t‾‾i‾‾o‾‾n‾‾  l‾‾e‾‾x‾‾i‾‾c‾‾a‾‾l‾‾  con
\ \ \ \ lexical ‾‾l‾‾l‾‾l‾‾l ‾‾l‾‾l‾‾l‾‾l ‾‾l‾‾‾‾l‾‾‾‾l‾‾lexical concretion c‾‾o‾‾n‾‾c‾‾r‾‾e‾‾t‾‾i‾‾o‾‾n‾‾  concretion lexical ‾‾l‾‾l‾‾l‾‾l lexical ‾‾l‾‾l‾‾l‾‾l ‾‾l‾‾‾‾l‾‾‾‾l‾‾concretion l‾‾e‾‾x‾‾i‾‾c‾‾a‾‾l‾‾  ‾‾l‾‾‾‾l‾‾‾‾l‾‾concretion l‾‾e‾‾x‾‾i‾‾c‾‾a‾‾l‾‾  lexical \ \ \ \ ‾‾l‾‾‾‾l‾‾‾‾l‾‾c‾‾o‾‾n‾‾c‾‾r‾‾e‾‾t‾‾i‾‾o‾‾n‾‾  ‾‾l‾‾‾‾l‾‾‾‾l‾‾\ \ \ \ \ \ \ \ concretion c‾‾o‾‾n‾‾c‾‾r‾‾e‾‾t‾‾i‾‾o‾‾n‾‾  c‾‾o‾‾n‾‾c‾‾r‾‾e‾‾t‾‾i‾‾
‾‾l‾‾l‾‾l‾‾l c‾‾o‾‾n‾‾c‾‾r‾‾e‾‾t‾‾i‾‾o‾‾n‾‾  l‾‾e‾‾x‾‾i‾‾c‾‾a‾‾l‾‾  c‾‾o‾‾n‾‾c‾‾r‾‾e‾‾t‾‾i‾‾o‾‾n‾‾  c‾‾o‾‾n‾‾c‾‾r‾‾e‾‾t‾‾i‾‾o‾‾n‾‾  lexical concretion \ \ \ \ \ \ \ \ lexical concretion l‾‾e‾‾x‾‾i‾‾c‾‾a‾‾l‾‾  l‾‾e‾‾x‾‾i‾‾c‾‾a‾‾l‾‾  concretion concretion \ \ \ \ c‾‾o‾‾n‾‾c‾‾r‾‾e‾‾t‾‾i‾‾o‾‾n‾‾  concretion ‾‾l‾‾l‾‾l‾‾l concretion concretion lexical ‾‾l‾‾‾‾l‾‾‾‾l‾‾lexical concretion lexical ‾‾l‾‾l‾‾l‾‾l ‾‾l‾‾l‾‾l‾‾l c‾‾o
c‾‾o‾‾n‾‾c‾‾r‾‾e‾‾t‾‾i‾‾o‾‾n‾‾  lexical concretion ‾‾l‾‾‾‾l‾‾‾‾l‾‾lexical concretion ‾‾l‾‾‾‾l‾‾‾‾l‾‾concretion \ \ \ \ concretion ‾‾l‾‾l‾‾l‾‾l concretion lexical concretion lexical lexical l‾‾e‾‾x‾‾i‾‾c‾‾a‾‾l‾‾  l‾‾e‾‾x‾‾i‾‾c‾‾a‾‾l‾‾  ‾‾l‾‾‾‾l‾‾‾‾l‾‾‾‾l‾‾‾‾l‾‾‾‾l‾‾concretion \ \ \ \ \ \ \ \ l‾‾e‾‾x‾‾i‾‾c‾‾a‾‾l‾‾  c‾‾o‾‾n‾‾c‾‾r‾‾e‾‾t‾‾i‾‾o‾‾n‾‾  lexical concretion c‾‾o‾‾n‾‾c‾‾r‾‾e‾‾t‾‾i‾‾o‾‾n‾‾  c‾‾o‾‾n‾‾c‾‾r‾‾e‾‾t‾‾i
‾‾l‾‾‾‾l‾‾‾‾l‾‾lexical concretion c‾‾o‾‾n‾‾c‾‾r‾‾e‾‾t‾‾i‾‾o‾‾n‾‾  lexical concretion c‾‾o‾‾n‾‾c‾‾r‾‾e‾‾t‾‾i‾‾o‾‾n‾‾  l‾‾e‾‾x‾‾i‾‾c‾‾a‾‾l‾‾  l‾‾e‾‾x‾‾i‾‾c‾‾a‾‾l‾‾  ‾‾l‾‾l‾‾l‾‾l lexical concretion ‾‾l‾‾‾‾l‾‾‾‾l‾‾‾‾l‾‾l‾‾l‾‾l ‾‾l‾‾‾‾l‾‾‾‾l‾‾\ \ \ \ lexical concretion l‾‾e‾‾x‾‾i‾‾c‾‾a‾‾l‾‾  ‾‾l‾‾l‾‾l‾‾l lexical concretion concretion ‾‾l‾‾‾‾l‾‾‾‾l‾‾concretion lexical c‾‾o‾‾n‾‾c‾‾r‾‾e‾‾t‾‾i‾‾o‾‾n‾‾  l‾‾e‾‾x‾‾i‾‾c‾‾a‾‾l‾‾
‾‾l‾‾l‾‾l‾‾l l‾‾e‾‾x‾‾i‾‾c‾‾a‾‾l‾‾  c‾‾o‾‾n‾‾c‾‾r‾‾e‾‾t‾‾i‾‾o‾‾n‾‾  ‾‾l‾‾l‾‾l‾‾l ‾‾l‾‾‾‾l‾‾‾‾l‾‾l‾‾e‾‾x‾‾i‾‾c‾‾a‾‾l‾‾  concretion lexical lexical c‾‾o‾‾n‾‾c‾‾r‾‾e‾‾t‾‾i‾‾o‾‾n‾‾  ‾‾l‾‾‾‾l‾‾‾‾l‾‾c‾‾o‾‾n‾‾c‾‾r‾‾e‾‾t‾‾i‾‾o‾‾n‾‾  lexical lexical concretion lexical concretion concretion lexical concretion lexical concretion lexical concretion lexical ‾‾l‾‾l‾‾l‾‾l ‾‾l‾‾‾‾l‾‾‾‾l‾‾c‾‾o‾‾n‾‾c‾‾r‾‾e‾‾t‾‾i‾‾o‾‾n‾‾  lexical lexic
lexical concretion c‾‾o‾‾n‾‾c‾‾r‾‾e‾‾t‾‾i‾‾o‾‾n‾‾  c‾‾o‾‾n‾‾c‾‾r‾‾e‾‾t‾‾i‾‾o‾‾n‾‾  ‾‾l‾‾‾‾l‾‾‾‾l‾‾l‾‾e‾‾x‾‾i‾‾c‾‾a‾‾l‾‾  ‾‾l‾‾l‾‾l‾‾l l‾‾e‾‾x‾‾i‾‾c‾‾a‾‾l‾‾  concretion \ \ \ \ concretion ‾‾l‾‾‾‾l‾‾‾‾l‾‾\ \ \ \ lexical ‾‾l‾‾l‾‾l‾‾l lexical c‾‾o‾‾n‾‾c‾‾r‾‾e‾‾t‾‾i‾‾o‾‾n‾‾  l‾‾e‾‾x‾‾i‾‾c‾‾a‾‾l‾‾  c‾‾o‾‾n‾‾c‾‾r‾‾e‾‾t‾‾i‾‾o‾‾n‾‾  c‾‾o‾‾n‾‾c‾‾r‾‾e‾‾t‾‾i‾‾o‾‾n‾‾  c‾‾o‾‾n‾‾c‾‾r‾‾e‾‾t‾‾i‾‾o‾‾n‾‾  ‾‾l‾‾‾‾l‾‾‾‾l‾‾‾‾l‾‾l‾‾l‾‾l le
‾‾l‾‾l‾‾l‾‾l \ \ \ \ lexical lexical concretion l‾‾e‾‾x‾‾i‾‾c‾‾a‾‾l‾‾  c‾‾o‾‾n‾‾c‾‾r‾‾e‾‾t‾‾i‾‾o‾‾n‾‾  lexical lexical lexical concretion l‾‾e‾‾x‾‾i‾‾c‾‾a‾‾l‾‾  l‾‾e‾‾x‾‾i‾‾c‾‾a‾‾l‾‾  \ \ \ \ ‾‾l‾‾‾‾l‾‾‾‾l‾‾concretion l‾‾e‾‾x‾‾i‾‾c‾‾a‾‾l‾‾  l‾‾e‾‾x‾‾i‾‾c‾‾a‾‾l‾‾  l‾‾e‾‾x‾‾i‾‾c‾‾a‾‾l‾‾  concretion ‾‾l‾‾l‾‾l‾‾l lexical c‾‾o‾‾n‾‾c‾‾r‾‾e‾‾t‾‾i‾‾o‾‾n‾‾  lexical concretion ‾‾l‾‾‾‾l‾‾‾‾l‾‾lexical concretion ‾‾l‾‾l‾‾l‾‾l lex
\ \ \ \ lexical concretion lexical concretion c‾‾o‾‾n‾‾c‾‾r‾‾e‾‾t‾‾i‾‾o‾‾n‾‾  lexical concretion \ \ \ \ lexical concretion lexical c‾‾o‾‾n‾‾c‾‾r‾‾e‾‾t‾‾i‾‾o‾‾n‾‾  ‾‾l‾‾l‾‾l‾‾l lexical concretion lexical concretion ‾‾l‾‾l‾‾l‾‾l lexical concretion ‾‾l‾‾l‾‾l‾‾l lexical concretion l‾‾e‾‾x‾‾i‾‾c‾‾a‾‾l‾‾  concretion concretion ‾‾l‾‾‾‾l‾‾‾‾l‾‾\ \ \ \ ‾‾l‾‾l‾‾l‾‾l lexical concretion ‾‾l‾‾‾‾l‾‾‾‾l‾‾‾‾l‾‾‾‾l‾‾‾‾l‾‾c‾‾o‾‾n‾‾c‾
concretion \ \ \ \ lexical \ \ \ \ \ \ \ \ lexical \ \ \ \ ‾‾l‾‾l‾‾l‾‾l lexical concretion l‾‾e‾‾x‾‾i‾‾c‾‾a‾‾l‾‾  ‾‾l‾‾l‾‾l‾‾l c‾‾o‾‾n‾‾c‾‾r‾‾e‾‾t‾‾i‾‾o‾‾n‾‾  l‾‾e‾‾x‾‾i‾‾c‾‾a‾‾l‾‾  l‾‾e‾‾x‾‾i‾‾c‾‾a‾‾l‾‾  lexical concretion c‾‾o‾‾n‾‾c‾‾r‾‾e‾‾t‾‾i‾‾o‾‾n‾‾  \ \ \ \ c‾‾o‾‾n‾‾c‾‾r‾‾e‾‾t‾‾i‾‾o‾‾n‾‾  \ \ \ \ lexical ‾‾l‾‾‾‾l‾‾‾‾l‾‾c‾‾o‾‾n‾‾c‾‾r‾‾e‾‾t‾‾i‾‾o‾‾n‾‾  concretion ‾‾l‾‾‾‾l‾‾‾‾l‾‾l‾‾e‾‾x‾‾i‾‾c‾‾a‾‾l‾‾  lexical conc
\ \ \ \ lexical lexical concretion concretion l‾‾e‾‾x‾‾i‾‾c‾‾a‾‾l‾‾  lexical concretion \ \ \ \ lexical concretion l‾‾e‾‾x‾‾i‾‾c‾‾a‾‾l‾‾  l‾‾e‾‾x‾‾i‾‾c‾‾a‾‾l‾‾  l‾‾e‾‾x‾‾i‾‾c‾‾a‾‾l‾‾  ‾‾l‾‾l‾‾l‾‾l lexical concretion l‾‾e‾‾x‾‾i‾‾c‾‾a‾‾l‾‾  lexical concretion lexical ‾‾l‾‾‾‾l‾‾‾‾l‾‾l‾‾e‾‾x‾‾i‾‾c‾‾a‾‾l‾‾  c‾‾o‾‾n‾‾c‾‾r‾‾e‾‾t‾‾i‾‾o‾‾n‾‾  \ \ \ \ c‾‾o‾‾n‾‾c‾‾r‾‾e‾‾t‾‾i‾‾o‾‾n‾‾  ‾‾l‾‾‾‾l‾‾‾‾l‾‾‾‾l‾‾l‾‾l‾‾l \ \ \ \ c‾‾o‾‾n‾
lexical concretion lexical concretion c‾‾o‾‾n‾‾c‾‾r‾‾e‾‾t‾‾i‾‾o‾‾n‾‾  ‾‾l‾‾‾‾l‾‾‾‾l‾‾l‾‾e‾‾x‾‾i‾‾c‾‾a‾‾l‾‾  c‾‾o‾‾n‾‾c‾‾r‾‾e‾‾t‾‾i‾‾o‾‾n‾‾  \ \ \ \ lexical concretion concretion \ \ \ \ ‾‾l‾‾‾‾l‾‾‾‾l‾‾‾‾l‾‾‾‾l‾‾‾‾l‾‾‾‾l‾‾l‾‾l‾‾l \ \ \ \ \ \ \ \ lexical concretion concretion ‾‾l‾‾‾‾l‾‾‾‾l‾‾\ \ \ \ ‾‾l‾‾‾‾l‾‾‾‾l‾‾lexical l‾‾e‾‾x‾‾i‾‾c‾‾a‾‾l‾‾  c‾‾o‾‾n‾‾c‾‾r‾‾e‾‾t‾‾i‾‾o‾‾n‾‾  ‾‾l‾‾‾‾l‾‾‾‾l‾‾lexical lexical concretion ‾‾
lexical concretion ‾‾l‾‾l‾‾l‾‾l lexical concretion l‾‾e‾‾x‾‾i‾‾c‾‾a‾‾l‾‾  ‾‾l‾‾l‾‾l‾‾l lexical concretion ‾‾l‾‾‾‾l‾‾‾‾l‾‾c‾‾o‾‾n‾‾c‾‾r‾‾e‾‾t‾‾i‾‾o‾‾n‾‾  lexical concretion concretion c‾‾o‾‾n‾‾c‾‾r‾‾e‾‾t‾‾i‾‾o‾‾n‾‾  lexical concretion c‾‾o‾‾n‾‾c‾‾r‾‾e‾‾t‾‾i‾‾o‾‾n‾‾  lexical concretion \ \ \ \ lexical concretion ‾‾l‾‾‾‾l‾‾‾‾l‾‾lexical concretion lexical l‾‾e‾‾x‾‾i‾‾c‾‾a‾‾l‾‾  c‾‾o‾‾n‾‾c‾‾r‾‾e‾‾t‾‾i‾‾o‾‾n‾‾  c‾‾o‾‾n‾‾c‾
lexical concretion c‾‾o‾‾n‾‾c‾‾r‾‾e‾‾t‾‾i‾‾o‾‾n‾‾  lexical concretion l‾‾e‾‾x‾‾i‾‾c‾‾a‾‾l‾‾  c‾‾o‾‾n‾‾c‾‾r‾‾e‾‾t‾‾i‾‾o‾‾n‾‾  \ \ \ \ lexical \ \ \ \ c‾‾o‾‾n‾‾c‾‾r‾‾e‾‾t‾‾i‾‾o‾‾n‾‾  ‾‾l‾‾l‾‾l‾‾l l‾‾e‾‾x‾‾i‾‾c‾‾a‾‾l‾‾  ‾‾l‾‾‾‾l‾‾‾‾l‾‾concretion lexical concretio
‾‾l‾‾‾‾l‾‾‾‾l‾‾c‾‾o‾‾n‾‾c‾‾r‾‾e‾‾t‾‾i‾‾o‾‾n‾‾  c‾‾o‾‾n‾‾c‾‾r‾‾e‾‾t‾‾i‾‾o‾‾n‾‾  lexical \ \ \ \ lexical concretion lexical c‾‾o‾‾n‾‾c‾‾r‾‾e‾‾t‾‾i‾‾o‾‾n‾‾  lexical concretion l‾‾e‾‾x‾‾i‾‾c‾‾a‾‾l‾‾  c‾‾o‾‾n‾‾c‾‾r‾‾e‾‾t‾‾i‾‾o‾‾n‾‾  ‾‾l‾‾l‾‾l‾‾l ‾‾l‾‾l‾‾l‾‾l l‾‾e‾‾
concretion lexical lexical \ \ \ \ \ \ \ \ lexical c‾‾o‾‾n‾‾c‾‾r‾‾e‾‾t‾‾i‾‾o‾‾n‾‾  concretion concretion lexical lexical concretion c‾‾o‾‾n‾‾c‾‾r‾‾e‾‾t‾‾i‾‾o‾‾n‾‾  concretion concretion ‾‾l‾‾l‾‾l‾‾l l‾‾e‾‾x‾‾i‾‾c‾‾a‾‾l‾‾  lexical concretion l‾‾e‾‾x‾‾i‾‾c‾‾a‾‾l
‾‾l‾‾‾‾l‾‾‾‾l‾‾l‾‾e‾‾x‾‾i‾‾c‾‾a‾‾l‾‾  l‾‾e‾‾x‾‾i‾‾c‾‾a‾‾l‾‾  concretion lexical concretion lexical ‾‾l‾‾l‾‾l‾‾l lexical c‾‾o‾‾n‾‾c‾‾r‾‾e‾‾t‾‾i‾‾o‾‾n‾‾  \ \ \ \ c‾‾o‾‾n‾‾c‾‾r‾‾e‾‾t‾‾i‾‾o‾‾n‾‾  c‾‾o‾‾n‾‾c‾‾r‾‾e‾‾t‾‾i‾‾o‾‾n‾‾  ‾‾l‾‾l‾‾l‾‾l lexical concretion \ \
l‾‾e‾‾x‾‾i‾‾c‾‾a‾‾l‾‾  concretion l‾‾e‾‾x‾‾i‾‾c‾‾a‾‾l‾‾  \ \ \ \ \ \ \ \ \ \ \ \ l‾‾e‾‾x‾‾i‾‾c‾‾a‾‾l‾‾  lexical concretion c‾‾o‾‾n‾‾c‾‾r‾‾e‾‾t‾‾i‾‾o‾‾n‾‾  \ \ \ \ c‾‾o‾‾n‾‾c‾‾r‾‾e‾‾t‾‾i‾‾o‾‾n‾‾  lexical concretion ‾‾l‾‾l‾‾l‾‾l ‾‾l‾‾‾‾l‾‾‾‾l‾‾l‾‾e‾‾x‾‾i‾‾c‾‾a‾‾
lexical ‾‾l‾‾l‾‾l‾‾l lexical l‾‾e‾‾x‾‾i‾‾c‾‾a‾‾l‾‾  l‾‾e‾‾x‾‾i‾‾c‾‾a‾‾l‾‾  lexical concretion lexical concretion c‾‾o‾‾n‾‾c‾‾r‾‾e‾‾t‾‾i‾‾o‾‾n‾‾  lexical \ \ \ \ \ \ \ \ l‾‾e‾‾x‾‾i‾‾c‾‾a‾‾l‾‾  concretion l‾‾e‾‾x‾‾i‾‾c‾‾a‾‾l‾‾  concretion c‾‾o‾‾n‾‾c‾‾r‾‾e‾‾t‾‾i‾
\ \ \ \ lexical concretion ‾‾l‾‾‾‾l‾‾‾‾l‾‾l‾‾e‾‾x‾‾i‾‾c‾‾a‾‾l‾‾  lexical concretion ‾‾l‾‾l‾‾l‾‾l ‾‾l‾‾‾‾l‾‾‾‾l‾‾\ \ \ \ \ \ \ \ ‾‾l‾‾‾‾l‾‾‾‾l‾‾lexical concretion c‾‾o‾‾n‾‾c‾‾r‾‾e‾‾t‾‾i‾‾o‾‾n‾‾  concretion lexical concretion l‾‾e‾‾x‾‾i‾‾c‾‾a‾‾l‾‾  lexical concr
‾‾l‾‾e‾‾x‾‾i‾‾c‾‾a‾‾l‾‾  ‾‾c‾‾o‾‾n‾‾c‾‾r‾‾e‾‾t‾‾i‾‾o‾‾n‾‾  ‾‾l‾‾l‾‾l‾‾l‾‾l‾‾l‾‾l‾‾l‾‾l‾\ l e x i c a l‾‾ ‾‾c‾‾o‾‾n‾‾c‾‾r‾‾e‾‾t‾‾i‾‾o‾‾n‾‾ ‾‾l‾‾l‾‾l‾\ \ \ \ l e x
‾‾l‾‾e‾‾x‾‾i‾‾c‾‾a‾‾l‾‾  ‾‾c‾‾o‾‾n‾‾c‾‾r‾‾e‾‾t‾‾i‾‾o‾‾n‾‾  ‾‾l\ \ \ \ \ \ \ \ \ le‾‾x‾‾i‾‾cal concre‾‾t‾‾i‾‾on \ \ \ \ \ \ \ \ \ l e x
‾‾l‾‾e‾‾x‾‾i‾‾c‾‾a‾‾l‾‾  ‾‾c‾‾o‾‾n‾‾c‾‾r‾‾e‾‾t‾‾i‾‾o‾‾n‾‾  ‾‾\ \ \ \ \ \ \ \ \ l‾‾e‾‾x‾‾ical concre‾‾e‾‾t‾‾i‾‾on \ \ \ \ \ \ \ \ \ \ l e x
lexical concretion concretion lexical concretion ‾‾l‾‾‾‾l‾‾‾‾l‾‾lexical concretion l‾‾e‾‾x‾‾i‾‾c‾‾a‾‾l‾‾  c‾‾o‾‾n‾‾c‾‾r‾‾e‾‾t‾‾i‾‾o‾‾n‾‾  lexical concretion ‾‾l‾‾l‾‾l‾‾l lexical ‾‾l‾‾‾‾l‾‾‾‾l‾‾‾‾l‾‾l‾‾l‾‾l c‾‾o‾‾n‾‾c‾‾r‾‾e‾‾t‾‾i‾‾o‾‾n‾‾  \ \ \ \ c‾‾o‾‾n‾‾c‾‾r‾‾e‾‾t‾‾i‾‾o‾‾n‾‾  concretion ‾‾l‾‾‾‾l‾‾‾‾l‾‾concretion lexical concretion ‾‾l‾‾l‾‾l‾‾l c‾‾o‾‾n‾‾c‾‾r‾‾e‾‾t‾‾i‾‾o‾‾n‾‾  l‾‾e‾‾x‾‾i‾‾c‾‾a‾‾l‾‾  l‾‾e‾‾x‾‾i‾‾c‾‾a‾‾
‾‾l‾‾‾‾l‾‾‾‾l‾‾concretion lexical ‾‾l‾‾l‾‾l‾‾l lexical c‾‾o‾‾n‾‾c‾‾r‾‾e‾‾t‾‾i‾‾o‾‾n‾‾  ‾‾l‾‾‾‾l‾‾‾‾l‾‾l‾‾e‾‾x‾‾i‾‾c‾‾a‾‾l‾‾  ‾‾l‾‾l‾‾l‾‾l ‾‾l‾‾l‾‾l‾‾l ‾‾l‾‾l‾‾l‾‾l ‾‾l‾‾l‾‾l‾‾l ‾‾l‾‾‾‾l‾‾‾‾l‾‾concretion lexical concretion \ \ \ \ l‾‾e‾‾x‾‾i‾‾c‾‾a‾‾l‾‾  ‾‾l‾‾l‾‾l‾‾l lexical concretion l‾‾e‾‾x‾‾i‾‾c‾‾a‾‾l‾‾  ‾‾l‾‾‾‾l‾‾‾‾l‾‾concretion l‾‾e‾‾x‾‾i‾‾c‾‾a‾‾l‾‾  lexical lexical concretion lexical concretion concretion lexica
concretion lexical concretion concretion \ \ \ \ c‾‾o‾‾n‾‾c‾‾r‾‾e‾‾t‾‾i‾‾o‾‾n‾‾  l‾‾e‾‾x‾‾i‾‾c‾‾a‾‾l‾‾  \ \ \ \ l‾‾e‾‾x‾‾i‾‾c‾‾a‾‾l‾‾  \ \ \ \ lexical concretion lexical concretion \ \ \ \ concretion ‾‾l‾‾l‾‾l‾‾l ‾‾l‾‾‾‾l‾‾‾‾l‾‾‾‾l‾‾l‾‾l‾‾l ‾‾l‾‾l‾‾l‾‾l ‾‾l‾‾‾‾l‾‾‾‾l‾‾lexical concretion ‾‾l‾‾l‾‾l‾‾l c‾‾o‾‾n‾‾c‾‾r‾‾e‾‾t‾‾i‾‾o‾‾n‾‾  ‾‾l‾‾‾‾l‾‾‾‾l‾‾‾‾l‾‾‾‾l‾‾‾‾l‾‾‾‾l‾‾l‾‾l‾‾l concretion c‾‾o‾‾n‾‾c‾‾r‾‾e‾‾t‾‾i‾‾o‾‾n‾‾  c
‾‾l‾‾l‾‾l‾‾l c‾‾o‾‾n‾‾c‾‾r‾‾e‾‾t‾‾i‾‾o‾‾n‾‾  c‾‾o‾‾n‾‾c‾‾r‾‾e‾‾t‾‾i‾‾o‾‾n‾‾  concretion l‾‾e‾‾x‾‾i‾‾c‾‾a‾‾l‾‾  ‾‾l‾‾‾‾l‾‾‾‾l‾‾lexical c‾‾o‾‾n‾‾c‾‾r‾‾e‾‾t‾‾i‾‾o‾‾n‾‾  \ \ \ \ c‾‾o‾‾n‾‾c‾‾r‾‾e‾‾t‾‾i‾‾o‾‾n‾‾  ‾‾l‾‾l‾‾l‾‾l ‾‾l‾‾l‾‾l‾‾l lexical lexical concretion lexical concretion l‾‾e‾‾x‾‾i‾‾c‾‾a‾‾l‾‾  c‾‾o‾‾n‾‾c‾‾r‾‾e‾‾t‾‾i‾‾o‾‾n‾‾  ‾‾l‾‾‾‾l‾‾‾‾l‾‾‾‾l‾‾l‾‾l‾‾l concretion \ \ \ \ lexical l‾‾e‾‾x‾‾i‾‾c‾‾a‾‾l‾‾  \ \ \ \ \
concretion lexical concretion concretion ‾‾l‾‾l‾‾l‾‾l \ \ \ \ ‾‾l‾‾l‾‾l‾‾l l‾‾e‾‾x‾‾i‾‾c‾‾a‾‾l‾‾  concretion ‾‾l‾‾‾‾l‾‾‾‾l‾‾c‾‾o‾‾n‾‾c‾‾r‾‾e‾‾t‾‾i‾‾o‾‾n‾‾  lexical concretion lexical concretion \ \ \ \ l‾‾e‾‾x‾‾i‾‾c‾‾a‾‾l‾‾  c‾‾o‾‾n‾‾c‾‾r‾‾e‾‾t‾‾i‾‾o‾‾n‾‾  ‾‾l‾‾l‾‾l‾‾l ‾‾l‾‾‾‾l‾‾‾‾l‾‾‾‾l‾‾l‾‾l‾‾l ‾‾l‾‾‾‾l‾‾‾‾l‾‾lexical concretion ‾‾l‾‾‾‾l‾‾‾‾l‾‾lexical concretion c‾‾o‾‾n‾‾c‾‾r‾‾e‾‾t‾‾i‾‾o‾‾n‾‾  concretion c‾‾o‾‾n‾‾c‾
c‾‾o‾‾n‾‾c‾‾r‾‾e‾‾t‾‾i‾‾o‾‾n‾‾  l‾‾e‾‾x‾‾i‾‾c‾‾a‾‾l‾‾  l‾‾e‾‾x‾‾i‾‾c‾‾a‾‾l‾‾  l‾‾e‾‾x‾‾i‾‾c‾‾a‾‾l‾‾  \ \ \ \ lexical concretion lexical ‾‾l‾‾l‾‾l‾‾l lexical concretion concretion l‾‾e‾‾x‾‾i‾‾c‾‾a‾‾l‾‾  \ \ \ \ lexical concretion ‾‾l‾‾‾‾l‾‾‾‾l‾‾\ \ \ \ \ \ \ \ ‾‾l‾‾l‾‾l‾‾l c‾‾o‾‾n‾‾c‾‾r‾‾e‾‾t‾‾i‾‾o‾‾n‾‾  \ \ \ \ concretion lexical concretion c‾‾o‾‾n‾‾c‾‾r‾‾e‾‾t‾‾i‾‾o‾‾n‾‾  concretion lexical concretion ‾‾l‾‾‾‾l‾‾‾‾l‾‾
‾‾l‾‾‾‾l‾‾‾‾l‾‾‾‾l‾‾‾‾l‾‾‾‾l‾‾c‾‾o‾‾n‾‾c‾‾r‾‾e‾‾t‾‾i‾‾o‾‾n‾‾  c‾‾o‾‾n‾‾c‾‾r‾‾e‾‾t‾‾i‾‾o‾‾n‾‾  \ \ \ \ ‾‾l‾‾‾‾l‾‾‾‾l‾‾‾‾l‾‾‾‾l‾‾‾‾l‾‾lexical l‾‾e‾‾x‾‾i‾‾c‾‾a‾‾l‾‾  lexical c‾‾o‾‾n‾‾c‾‾r‾‾e‾‾t‾‾i‾‾o‾‾n‾‾  c‾‾o‾‾n‾‾c‾‾r‾‾e‾‾t‾‾i‾‾o‾‾n‾‾  \ \ \ \ concretion c‾‾o‾‾n‾‾c‾‾r‾‾e‾‾t‾‾i‾‾o‾‾n‾‾  c‾‾o‾‾n‾‾c‾‾r‾‾e‾‾t‾‾i‾‾o‾‾n‾‾  \ \ \ \ \ \ \ \ c‾‾o‾‾n‾‾c‾‾r‾‾e‾‾t‾‾i‾‾o‾‾n‾‾  lexical ‾‾l‾‾l‾‾l‾‾l c‾‾o‾‾n‾‾c‾‾r‾‾e‾‾t‾‾i‾‾o‾‾n‾‾  ‾
lexical concretion l‾‾e‾‾x‾‾i‾‾c‾‾a‾‾l‾‾  concretion ‾‾l‾‾‾‾l‾‾‾‾l‾‾l‾‾e‾‾x‾‾i‾‾c‾‾a‾‾l‾‾  ‾‾l‾‾‾‾l‾‾‾‾l‾‾lexical concretion l‾‾e‾‾x‾‾i‾‾c‾‾a‾‾l‾‾  c‾‾o‾‾n‾‾c‾‾r‾‾e‾‾t‾‾i‾‾o‾‾n‾‾  lexical concretion ‾‾l‾‾‾‾l‾‾‾‾l‾‾\ \ \ \ \ \ \ \ lexical concretion ‾‾l‾‾‾‾l‾‾‾‾l‾‾l‾‾e‾‾x‾‾i‾‾c‾‾a‾‾l‾‾  lexical l‾‾e‾‾x‾‾i‾‾c‾‾a‾‾l‾‾  lexical ‾‾l‾‾‾‾l‾‾‾‾l‾‾\ \ \ \ lexical concretion lexical concretion ‾‾l‾‾l‾‾l‾‾l ‾‾l‾‾l‾‾l‾‾l ‾‾l‾‾‾‾
l‾‾e‾‾x‾‾i‾‾c‾‾a‾‾l‾‾  lexical lexical \ \ \ \ l‾‾e‾‾x‾‾i‾‾c‾‾a‾‾l‾‾  lexical l‾‾e‾‾x‾‾i‾‾c‾‾a‾‾l‾‾  ‾‾l‾‾l‾‾l‾‾l l‾‾e‾‾x‾‾i‾‾c‾‾a‾‾l‾‾  ‾‾l‾‾‾‾l‾‾‾‾l‾‾l‾‾e‾‾x‾‾i‾‾c‾‾a‾‾l‾‾  l‾‾e‾‾x‾‾i‾‾c‾‾a‾‾l‾‾  lexical concretion ‾‾l‾‾l‾‾l‾‾l ‾‾l‾‾‾‾l‾‾‾‾l‾‾c‾‾o‾‾n‾‾c‾‾r‾‾e‾‾t‾‾i‾‾o‾‾n‾‾  l‾‾e‾‾x‾‾i‾‾c‾‾a‾‾l‾‾  l‾‾e‾‾x‾‾i‾‾c‾‾a‾‾l‾‾  ‾‾l‾‾l‾‾l‾‾l \ \ \ \ ‾‾l‾‾l‾‾l‾‾l ‾‾l‾‾‾‾l‾‾‾‾l‾‾concretion lexical concretion concretion \ \ \ \
lexical concretion c‾‾o‾‾n‾‾c‾‾r‾‾e‾‾t‾‾i‾‾o‾‾n‾‾  \ \ \ \ concretion ‾‾l‾‾l‾‾l‾‾l ‾‾l‾‾l‾‾l‾‾l c‾‾o‾‾n‾‾c‾‾r‾‾e‾‾t‾‾i‾‾o‾‾n‾‾  lexical ‾‾l‾‾l‾‾l‾‾l concretion ‾‾l‾‾‾‾l‾‾‾‾l‾‾l‾‾e‾‾x‾‾i‾‾c‾‾a‾‾l‾‾  ‾‾l‾‾‾‾l‾‾‾‾l‾‾lexical \ \ \ \ l‾‾e‾‾x‾‾i‾‾c‾‾a‾‾l‾‾  lexical concretion lexical lexical ‾‾l‾‾‾‾l‾‾‾‾l‾‾c‾‾o‾‾n‾‾c‾‾r‾‾e‾‾t‾‾i‾‾o‾‾n‾‾  \ \ \ \ ‾‾l‾‾l‾‾l‾‾l ‾‾l‾‾l‾‾l‾‾l \ \ \ \ lexical lexical concretion \ \ \ \ c‾‾o‾‾n‾‾
lexical l‾‾e‾‾x‾‾i‾‾c‾‾a‾‾l‾‾  l‾‾e‾‾x‾‾i‾‾c‾‾a‾‾l‾‾  ‾‾l‾‾l‾‾l‾‾l lexical l‾‾e‾‾x‾‾i‾‾c‾‾a‾‾l‾‾  lexical concretion lexical concretion ‾‾l‾‾l‾‾l‾‾l \ \ \ \ ‾‾l‾‾l‾‾l‾‾l lexical concretion lexical concretion c‾‾o‾‾n‾‾c‾‾r‾‾e‾‾t‾‾i‾‾o‾‾n‾‾  lexical ‾‾l‾‾‾‾l‾‾‾‾l‾‾‾‾l‾‾l‾‾l‾‾l lexical concretion ‾‾l‾‾‾‾l‾‾‾‾l‾‾‾‾l‾‾‾‾l‾‾‾‾l‾‾\ \ \ \ ‾‾l‾‾l‾‾l‾‾l ‾‾l‾‾‾‾l‾‾‾‾l‾‾lexical lexical c‾‾o‾‾n‾‾c‾‾r‾‾e‾‾t‾‾i‾‾o‾‾n‾‾  c‾‾o‾‾n‾‾c‾
l‾‾e‾‾x‾‾i‾‾c‾‾a‾‾l‾‾  l‾‾e‾‾x‾‾i‾‾c‾‾a‾‾l‾‾  \ \ \ \ ‾‾l‾‾‾‾l‾‾‾‾l‾‾‾‾l‾‾‾‾l‾‾‾‾l‾‾c‾‾o‾‾n‾‾c‾‾r‾‾e‾‾t‾‾i‾‾o‾‾n‾‾  lexical l‾‾e‾‾x‾‾i‾‾c‾‾a‾‾l‾‾  lexical \ \ \ \ ‾‾l‾‾l‾‾l‾‾l c‾‾o‾‾n‾‾c‾‾r‾‾e‾‾t‾‾i‾‾o‾‾n‾‾  ‾‾l‾‾l‾‾l‾‾l ‾‾l‾‾‾‾l‾‾‾‾l‾‾concretion lexical concretion ‾‾l‾‾‾‾l‾‾‾‾l‾‾lexical concretion c‾‾o‾‾n‾‾c‾‾r‾‾e‾‾t‾‾i‾‾o‾‾n‾‾  concretion lexical lexical concretion l‾‾e‾‾x‾‾i‾‾c‾‾a‾‾l‾‾  ‾‾l‾‾l‾‾l‾‾l l‾‾e‾‾x‾‾i‾‾c‾
\ \ \ \ \ \ \ \ c‾‾o‾‾n‾‾c‾‾r‾‾e‾‾t‾‾i‾‾o‾‾n‾‾  \ \ \ \ ‾‾l‾‾l‾‾l‾‾l ‾‾l‾‾‾‾l‾‾‾‾l‾‾concretion l‾‾e‾‾x‾‾i‾‾c‾‾a‾‾l‾‾  lexical concretion concretion \ \ \ \ l‾‾e‾‾x‾‾i‾‾c‾‾a‾‾l‾‾  l‾‾e‾‾x‾‾i‾‾c‾‾a‾‾l‾‾  ‾‾l‾‾l‾‾l‾‾l l‾‾e‾‾x‾‾i‾‾c‾‾a‾‾l‾‾  lexical concretion concretion ‾‾l‾‾l‾‾l‾‾l ‾‾l‾‾l‾‾l‾‾l ‾‾l‾‾‾‾l‾‾‾‾l‾‾lexical l‾‾e‾‾x‾‾i‾‾c‾‾a‾‾l‾‾  \ \ \ \ ‾‾l‾‾‾‾l‾‾‾‾l‾‾lexical lexical ‾‾l‾‾l‾‾l‾‾l concretion lexical concretio
l‾‾e‾‾x‾‾i‾‾c‾‾a‾‾l‾‾  \ \ \ \ concretion c‾‾o‾‾n‾‾c‾‾r‾‾e‾‾t‾‾i‾‾o‾‾n‾‾  concretion ‾‾l‾‾l‾‾l‾‾l lexical concretion c‾‾o‾‾n‾‾c‾‾r‾‾e‾‾t‾‾i‾‾o‾‾n‾‾  concretion concretion lexical concretion lexical c‾‾o‾‾n‾‾c‾‾r‾‾e‾‾t‾‾i‾‾o‾‾n‾‾  concretion ‾‾l‾‾l‾‾l‾‾l lexical lexical concretion lexical concretion c‾‾o‾‾n‾‾c‾‾r‾‾e‾‾t‾‾i‾‾o‾‾n‾‾  ‾‾l‾‾l‾‾l‾‾l c‾‾o‾‾n‾‾c‾‾r‾‾e‾‾t‾‾i‾‾o‾‾n‾‾  ‾‾l‾‾l‾‾l‾‾l lexical \ \ \ \ lexical c‾‾o‾‾
concretion concretion c‾‾o‾‾n‾‾c‾‾r‾‾e‾‾t‾‾i‾‾o‾‾n‾‾  l‾‾e‾‾x‾‾i‾‾c‾‾a‾‾l‾‾  ‾‾l‾‾l‾‾l‾‾l ‾‾l‾‾‾‾l‾‾‾‾l‾‾‾‾l‾‾l‾‾l‾‾l c‾‾o‾‾n‾‾c‾‾r‾‾e‾‾t‾‾i‾‾o‾‾n‾‾  lexical concretion ‾‾l‾‾‾‾l‾‾‾‾l‾‾‾‾l‾‾‾‾l‾‾‾‾l‾‾lexical c‾‾o‾‾n‾‾c‾‾r‾‾e‾‾t‾‾i‾‾o‾‾n‾‾  concretion ‾‾l‾‾‾‾l‾‾‾‾l‾‾lexical lexical ‾‾l‾‾l‾‾l‾‾l lexical ‾‾l‾‾‾‾l‾‾‾‾l‾‾lexical concretion lexical concretion \ \ \ \ ‾‾l‾‾‾‾l‾‾‾‾l‾‾‾‾l‾‾l‾‾l‾‾l ‾‾l‾‾l‾‾l‾‾l \ \ \ \ c‾‾o‾‾n‾
‾‾l‾‾l‾‾l‾‾l \ \ \ \ l‾‾e‾‾x‾‾i‾‾c‾‾a‾‾l‾‾  lexical concretion lexical concretion ‾‾l‾‾l‾‾l‾‾l lexical concretion c‾‾o‾‾n‾‾c‾‾r‾‾e‾‾t‾‾i‾‾o‾‾n‾‾  \ \ \ \ lexical lexical lexical concretion \ \ \ \ \ \ \ \ ‾‾l‾‾‾‾l‾‾‾‾l‾‾\ \ \ \ c‾‾o‾‾n‾‾c‾‾r‾‾e‾‾t‾‾i‾‾o‾‾n‾‾  lexical concretion lexical concretion c‾‾o‾‾n‾‾c‾‾r‾‾e‾‾t‾‾i‾‾o‾‾n‾‾  ‾‾l‾‾l‾‾l‾‾l concretion c‾‾o‾‾n‾‾c‾‾r‾‾e‾‾t‾‾i‾‾o‾‾n‾‾  l‾‾e‾‾x‾‾i‾‾c‾‾a‾‾l‾‾  ‾‾l‾‾l‾‾l‾‾
‾‾l‾‾‾‾l‾‾‾‾l‾‾\ \ \ \ lexical concretion lexical concretion lexical concretion c‾‾o‾‾n‾‾c‾‾r‾‾e‾‾t‾‾i‾‾o‾‾n‾‾  c‾‾o‾‾n‾‾c‾‾r‾‾e‾‾t‾‾i‾‾o‾‾n‾‾  c‾‾o‾‾n‾‾c‾‾r‾‾e‾‾t‾‾i‾‾o‾‾n‾‾  lexical ‾‾l‾‾l‾‾l‾‾l ‾‾l‾‾‾‾l‾‾‾‾l‾‾concretion ‾‾l‾‾l‾‾l‾‾l ‾‾l‾‾l‾‾l‾‾l l‾‾e‾‾x‾‾i‾‾c‾‾a‾‾l‾‾  concretion \ \ \ \ concretion l‾‾e‾‾x‾‾i‾‾c‾‾a‾‾l‾‾  lexical lexical l‾‾e‾‾x‾‾i‾‾c‾‾a‾‾l‾‾  l‾‾e‾‾x‾‾i‾‾c‾‾a‾‾l‾‾  lexical concretion ‾‾l‾‾l‾‾l‾‾l ‾
concretion l‾‾e‾‾x‾‾i‾‾c‾‾a‾‾l‾‾  c‾‾o‾‾n‾‾c‾‾r‾‾e‾‾t‾‾i‾‾o‾‾n‾‾  ‾‾l‾‾‾‾l‾‾‾‾l‾‾lexical concretion lexical \ \ \ \ lexical concretion lexical lexical lexical ‾‾l‾‾‾‾l‾‾‾‾l‾‾‾‾l‾‾‾‾l‾‾‾‾l‾‾\ \ \ \ \ \ \ \ c‾‾o‾‾n‾‾c‾‾r‾‾e‾‾t‾‾i‾‾o‾‾n‾‾  concretion ‾‾l‾‾l‾‾l‾‾l concretion ‾‾l‾‾l‾‾l‾‾l \ \ \ \ \ \ \ \ \ \ \ \ ‾‾l‾‾‾‾l‾‾‾‾l‾‾lexical l‾‾e‾‾x‾‾i‾‾c‾‾a‾‾l‾‾  lexical concretion ‾‾l‾‾l‾‾l‾‾l concretion lexical concretion ‾‾l
lexical c‾‾o‾‾n‾‾c‾‾r‾‾e‾‾t‾‾i‾‾o‾‾n‾‾  ‾‾l‾‾‾‾l‾‾‾‾l‾‾‾‾l‾‾l‾‾l‾‾l c‾‾o‾‾n‾‾c‾‾r‾‾e‾‾t‾‾i‾‾o‾‾n‾‾  lexical lexical concretion c‾‾o‾‾n‾‾c‾‾r‾‾e‾‾t‾‾i‾‾o‾‾n‾‾  ‾‾l‾‾‾‾l‾‾‾‾l‾‾‾‾l‾‾‾‾l‾‾‾‾l‾‾\ \ \ \ ‾‾l‾‾l‾‾l‾‾l lexical c‾‾o‾‾n‾‾c‾‾r‾‾e‾‾t‾‾i‾‾o‾‾n‾‾  ‾‾l‾‾‾‾l‾‾‾‾l‾‾‾‾l‾‾‾‾l‾‾‾‾l‾‾l‾‾e‾‾x‾‾i‾‾c‾‾a‾‾l‾‾  l‾‾e‾‾x‾‾i‾‾c‾‾a‾‾l‾‾  \ \ \ \ ‾‾l‾‾‾‾l‾‾‾‾l‾‾lexical concretion lexical lexical l‾‾e‾‾x‾‾i‾‾c‾‾a‾‾l‾‾  \ \ \ \ ‾‾l‾‾
‾‾l‾‾‾‾l‾‾‾‾l‾‾c‾‾o‾‾n‾‾c‾‾r‾‾e‾‾t‾‾i‾‾o‾‾n‾‾  lexical concretion concretion lexical ‾‾l‾‾‾‾l‾‾‾‾l‾‾c‾‾o‾‾n‾‾c‾‾r‾‾e‾‾t‾‾i‾‾o‾‾n‾‾  ‾‾l‾‾‾‾l‾‾‾‾l‾‾l‾‾e‾‾x‾‾i‾‾c‾‾a‾‾l‾‾  c‾‾o‾‾n‾‾c‾‾r‾‾e‾‾t‾‾i‾‾o‾‾n‾‾  c‾‾o‾‾n‾‾c‾‾r‾‾e‾‾t‾‾i‾‾o‾‾n‾‾  ‾‾l‾‾l‾‾l‾‾l ‾‾l‾‾l‾‾l‾‾l \ \ \ \ lexical lexical concretion concretion lexical concretion lexical lexical concretion ‾‾l‾‾l‾‾l‾‾l lexical concretion concretion lexical concretion ‾‾l‾‾‾
concretion l‾‾e‾‾x‾‾i‾‾c‾‾a‾‾l‾‾  c‾‾o‾‾n‾‾c‾‾r‾‾e‾‾t‾‾i‾‾o‾‾n‾‾  concretion l‾‾e‾‾x‾‾i‾‾c‾‾a‾‾l‾‾  l‾‾e‾‾x‾‾i‾‾c‾‾a‾‾l‾‾  lexical concretion lexical ‾‾l‾‾‾‾l‾‾‾‾l‾‾l‾‾e‾‾x‾‾i‾‾c‾‾a‾‾l‾‾  l‾‾e‾‾x‾‾i‾‾c‾‾a‾‾l‾‾  l‾‾e‾‾x‾‾i‾‾c‾‾a‾‾l‾‾  lexical lexical concretion l‾‾e‾‾x‾‾i‾‾c‾‾a‾‾l‾‾  lexical l‾‾e‾‾x‾‾i‾‾c‾‾a‾‾l‾‾  ‾‾l‾‾l‾‾l‾‾l lexical l‾‾e‾‾x‾‾i‾‾c‾‾a‾‾l‾‾  c‾‾o‾‾n‾‾c‾‾r‾‾e‾‾t‾‾i‾‾o‾‾n‾‾  \ \ \ \ lexical l‾‾e‾‾x‾‾i‾‾c
l‾‾e‾‾x‾‾i‾‾c‾‾a‾‾l‾‾  c‾‾o‾‾n‾‾c‾‾r‾‾e‾‾t‾‾i‾‾o‾‾n‾‾  l‾‾e‾‾x‾‾i‾‾c‾‾a‾‾l‾‾  ‾‾l‾‾‾‾l‾‾‾‾l‾‾c‾‾o‾‾n‾‾c‾‾r‾‾e‾‾t‾‾i‾‾o‾‾n‾‾  \ \ \ \ lexical concretion \ \ \ \ lexical c‾‾o‾‾n‾‾c‾‾r‾‾e‾‾t‾‾i‾‾o‾‾n‾‾  l‾‾e‾‾x‾‾i‾‾c‾‾a‾‾l‾‾  c‾‾o‾‾n‾‾c‾‾r‾‾e‾‾t‾‾i‾‾o‾‾n‾‾  l‾‾e‾‾x‾‾i‾‾c‾‾a‾‾l‾‾  lexical concretion l‾‾e‾‾x‾‾i‾‾c‾‾a‾‾l‾‾  ‾‾l‾‾l‾‾l‾‾l lexical ‾‾l‾‾l‾‾l‾‾l l‾‾e‾‾x‾‾i‾‾c‾‾a‾‾l‾‾  ‾‾l‾‾l‾‾l‾‾l ‾‾l‾‾‾‾l‾‾‾‾l‾‾l‾‾e‾‾x‾‾i‾‾c‾‾
c‾‾o‾‾n‾‾c‾‾r‾‾e‾‾t‾‾i‾‾o‾‾n‾‾  lexical c‾‾o‾‾n‾‾c‾‾r‾‾e‾‾t‾‾i‾‾o‾‾n‾‾  concretion concretion ‾‾l‾‾l‾‾l‾‾l l‾‾e‾‾x‾‾i‾‾c‾‾a‾‾l‾‾  concretion \ \ \ \ ‾‾l‾‾‾‾l‾‾‾‾l‾‾lexical concretion ‾‾l‾‾l‾‾l‾‾l lexical lexical concretion l‾‾e‾‾x‾‾i‾‾c‾‾a‾‾l‾‾  \ \ \ \ l‾‾e‾‾x‾‾i‾‾c‾‾a‾‾l‾‾  concretion c‾‾o‾‾n‾‾c‾‾r‾‾e‾‾t‾‾i‾‾o‾‾n‾‾  lexical concretion concretion c‾‾o‾‾n‾‾c‾‾r‾‾e‾‾t‾‾i‾‾o‾‾n‾‾  concretion ‾‾l‾‾‾‾l‾‾‾‾l‾‾l‾‾e‾‾x‾‾i‾‾
‾‾l‾‾‾‾l‾‾‾‾l‾‾lexical lexical concretion ‾‾l‾‾l‾‾l‾‾l c‾‾o‾‾n‾‾c‾‾r‾‾e‾‾t‾‾i‾‾o‾‾n‾‾  ‾‾l‾‾‾‾l‾‾‾‾l‾‾‾‾l‾‾l‾‾l‾‾l lexical lexical \ \ \ \ l‾‾e‾‾x‾‾i‾‾c‾‾a‾‾l‾‾  c‾‾o‾‾n‾‾c‾‾r‾‾e‾‾t‾‾i‾‾o‾‾n‾‾  \ \ \ \ lexical concretion concretion c‾‾o‾‾n‾‾c‾‾r‾‾e‾‾t‾‾i‾‾o‾‾n‾‾  ‾‾l‾‾l‾‾l‾‾l ‾‾l‾‾‾‾l‾‾‾‾l‾‾lexical concretion lexical concretion l‾‾e‾‾x‾‾i‾‾c‾‾a‾‾l‾‾  lexical concretion l‾‾e‾‾x‾‾i‾‾c‾‾a‾‾l‾‾  lexical \ \ \ \ ‾‾l‾‾l‾‾l
‾‾l‾‾‾‾l‾‾‾‾l‾‾‾‾l‾‾l‾‾l‾‾l lexical concretion concretion lexical concretion lexical lexical \ \ \ \ \ \ \ \ ‾‾l‾‾‾‾l‾‾‾‾l‾‾c‾‾o‾‾n‾‾c‾‾r‾‾e‾‾t‾‾i‾‾o‾‾n‾‾  lexical ‾‾l‾‾‾‾l‾‾‾‾l‾‾\ \ \ \ lexical concretion lexical concretion concretion concretion lexical concretion l‾‾e‾‾x‾‾i‾‾c‾‾a‾‾l‾‾  ‾‾l‾‾‾‾l‾‾‾‾l‾‾\ \ \ \ lexical concretion \ \ \ \ l‾‾e‾‾x‾‾i‾‾c‾‾a‾‾l‾‾  c‾‾o‾‾n‾‾c‾‾r‾‾e‾‾t‾‾i‾‾o‾‾n‾‾  lexical concretion ‾‾l‾‾‾‾
lexical concretion l‾‾e‾‾x‾‾i‾‾c‾‾a‾‾l‾‾  concretion concretion lexical l‾‾e‾‾x‾‾i‾‾c‾‾a‾‾l‾‾  lexical concretion lexical concretion l‾‾e‾‾x‾‾i‾‾c‾‾a‾‾l‾‾  c‾‾o‾‾n‾‾c‾‾r‾‾e‾‾t‾‾i‾‾o‾‾n‾‾  lexical concretion lexical concretion l‾‾e‾‾x‾‾i‾‾c‾‾a‾‾l‾‾  lexical concretion ‾‾l‾‾‾‾l‾‾‾‾l‾‾‾‾l‾‾l‾‾l‾‾l c‾‾o‾‾n‾‾c‾‾r‾‾e‾‾t‾‾i‾‾o‾‾n‾‾  lexical concretion l‾‾e‾‾x‾‾i‾‾c‾‾a‾‾l‾‾  concretion l‾‾e‾‾x‾‾i‾‾c‾‾a‾‾l‾‾  l‾‾e‾‾x‾‾i‾‾c‾‾a
lexical concretion \ \ \ \ l‾‾e‾‾x‾‾i‾‾c‾‾a‾‾l‾‾  lexical concretion l‾‾e‾‾x‾‾i‾‾c‾‾a‾‾l‾‾  \ \ \ \ ‾‾l‾‾l‾‾l‾‾l ‾‾l‾‾‾‾l‾‾‾‾l‾‾concretion concretion lexical concretion concretion ‾‾l‾‾l‾‾l‾‾l l‾‾e‾‾x‾‾i‾‾c‾‾a‾‾l‾‾  lexical \ \ \ \ \ \ \ \ concretion c‾‾o‾‾n‾‾c‾‾r‾‾e‾‾t‾‾i‾‾o‾‾n‾‾  c‾‾o‾‾n‾‾c‾‾r‾‾e‾‾t‾‾i‾‾o‾‾n‾‾  lexical \ \ \ \ ‾‾l‾‾l‾‾l‾‾l c‾‾o‾‾n‾‾c‾‾r‾‾e‾‾t‾‾i‾‾o‾‾n‾‾  ‾‾l‾‾l‾‾l‾‾l concretion ‾‾l‾‾‾‾l‾‾‾‾l‾‾l‾‾e‾
‾‾l‾‾l‾‾l‾‾l ‾‾l‾‾l‾‾l‾‾l ‾‾l‾‾‾‾l‾‾‾‾l‾‾l‾‾e‾‾x‾‾i‾‾c‾‾a‾‾l‾‾  ‾‾l‾‾‾‾l‾‾‾‾l‾‾lexical concretion c‾‾o‾‾n‾‾c‾‾r‾‾e‾‾t‾‾i‾‾o‾‾n‾‾  ‾‾l‾‾l‾‾l‾‾l concretion ‾‾l‾‾‾‾l‾‾‾‾l‾‾concretion ‾‾l‾‾‾‾l‾‾‾‾l‾‾\ \ \ \ ‾‾l‾‾‾‾l‾‾‾‾l‾‾lexical concretion l‾‾e‾‾x‾‾i‾‾c‾‾a‾‾l‾‾  \ \ \ \ concretion l‾‾e‾‾x‾‾i‾‾c‾‾a‾‾l‾‾  c‾‾o‾‾n‾‾c‾‾r‾‾e‾‾t‾‾i‾‾o‾‾n‾‾  l‾‾e‾‾x‾‾i‾‾c‾‾a‾‾l‾‾  l‾‾e‾‾x‾‾i‾‾c‾‾a‾‾l‾‾  ‾‾l‾‾‾‾l‾‾‾‾l‾‾‾‾l‾‾l‾‾l‾‾l ‾‾l‾‾‾‾l‾‾‾‾
c‾‾o‾‾n‾‾c‾‾r‾‾e‾‾t‾‾i‾‾o‾‾n‾‾  ‾‾l‾‾‾‾l‾‾‾‾l‾‾lexical concretion concretion lexical concretion lexical concretion ‾‾l‾‾‾‾l‾‾‾‾l‾‾\ \ \ \ \ \ \ \ ‾‾l‾‾l‾‾l‾‾l l‾‾e‾‾x‾‾i‾‾c‾‾a‾‾l‾‾  concretion ‾‾l‾‾‾‾l‾‾‾‾l‾‾l‾‾e‾‾x‾‾i‾‾c‾‾a‾‾l‾‾  ‾‾l‾‾‾‾l‾‾‾‾l‾‾‾‾l‾‾l‾‾l‾‾l ‾‾l‾‾l‾‾l‾‾l concretion \ \ \ \ l‾‾e‾‾x‾‾i‾‾c‾‾a‾‾l‾‾  concretion ‾‾l‾‾l‾‾l‾‾l l‾‾e‾‾x‾‾i‾‾c‾‾a‾‾l‾‾  l‾‾e‾‾x‾‾i‾‾c‾‾a‾‾l‾‾  lexical lexical \ \ \ \ c‾‾o‾‾n‾‾c‾‾
l‾‾e‾‾x‾‾i‾‾c‾‾a‾‾l‾‾  \ \ \ \ ‾‾l‾‾l‾‾l‾‾l lexical concretion ‾‾l‾‾‾‾l‾‾‾‾l‾‾‾‾l‾‾l‾‾l‾‾l l‾‾e‾‾x‾‾i‾‾c‾‾a‾‾l‾‾  ‾‾l‾‾‾‾l‾‾‾‾l‾‾\ \ \ \ c‾‾o‾‾n‾‾c‾‾r‾‾e‾‾t‾‾i‾‾o‾‾n‾‾  lexical ‾‾l‾‾‾‾l‾‾‾‾l‾‾‾‾l‾‾‾‾l‾‾‾‾l‾‾c‾‾o‾‾n‾‾c‾‾r‾‾e‾‾t‾‾i‾‾o‾‾n‾‾  ‾‾l‾‾l‾‾l‾‾l \ \ \ \ ‾‾l‾‾‾‾l‾‾‾‾l‾‾concretion ‾‾l‾‾l‾‾l‾‾l lexical concretion c‾‾o‾‾n‾‾c‾‾r‾‾e‾‾t‾‾i‾‾o‾‾n‾‾  ‾‾l‾‾‾‾l‾‾‾‾l‾‾lexical lexical concretion lexical \ \ \ \ ‾‾l‾‾‾‾l‾‾‾‾
lexical c‾‾o‾‾n‾‾c‾‾r‾‾e‾‾t‾‾i‾‾o‾‾n‾‾  l‾‾e‾‾x‾‾i‾‾c‾‾a‾‾l‾‾  l‾‾e‾‾x‾‾i‾‾c‾‾a‾‾l‾‾  c‾‾o‾‾n‾‾c‾‾r‾‾e‾‾t‾‾i‾‾o‾‾n‾‾  ‾‾l‾‾‾‾l‾‾‾‾l‾‾l‾‾e‾‾x‾‾i‾‾c‾‾a‾‾l‾‾  lexical ‾‾l‾‾‾‾l‾‾‾‾l‾‾\ \ \ \ lexical concretion concretion lexical l‾‾e‾‾x‾‾i‾‾c‾‾a‾‾l‾‾  ‾‾l‾‾‾‾l‾‾‾‾l‾‾lexical \ \ \ \ concretion lexical ‾‾l‾‾l‾‾l‾‾l concretion concretion c‾‾o‾‾n‾‾c‾‾r‾‾e‾‾t‾‾i‾‾o‾‾n‾‾  l‾‾e‾‾x‾‾i‾‾c‾‾a‾‾l‾‾  lexical l‾‾e‾‾x‾‾i‾‾c‾‾a‾‾l‾‾  ‾
lexical \ \ \ \ ‾‾l‾‾‾‾l‾‾‾‾l‾‾‾‾l‾‾l‾‾l‾‾l lexical concretion lexical lexical ‾‾l‾‾‾‾l‾‾‾‾l‾‾c‾‾o‾‾n‾‾c‾‾r‾‾e‾‾t‾‾i‾‾o‾‾n‾‾  c‾‾o‾‾n‾‾c‾‾r‾‾e‾‾t‾‾i‾‾o‾‾n‾‾  ‾‾l‾‾‾‾l‾‾‾‾l‾‾lexical concretion lexical concretion l‾‾e‾‾x‾‾i‾‾c‾‾a‾‾l‾‾  concretion ‾‾l‾‾‾‾l‾‾‾‾l‾‾‾‾l‾‾‾‾l‾‾‾‾l‾‾‾‾l‾‾‾‾l‾‾‾‾l‾‾‾‾l‾‾l‾‾l‾‾l ‾‾l‾‾‾‾l‾‾‾‾l‾‾‾‾l‾‾‾‾l‾‾‾‾l‾‾concretion lexical lexical concretion c‾‾o‾‾n‾‾c‾‾r‾‾e‾‾t‾‾i‾‾o‾‾n‾‾  concretion ‾‾l‾‾l
‾‾l‾‾l‾‾l‾‾l l‾‾e‾‾x‾‾i‾‾c‾‾a‾‾l‾‾  l‾‾e‾‾x‾‾i‾‾c‾‾a‾‾l‾‾  ‾‾l‾‾l‾‾l‾‾l lexical concretion lexical concretion \ \ \ \ c‾‾o‾‾n‾‾c‾‾r‾‾e‾‾t‾‾i‾‾o‾‾n‾‾  concretion concretion lexical ‾‾l‾‾‾‾l‾‾‾‾l‾‾lexical concretion lexical concretion concretion l‾‾e‾‾x‾‾i‾‾c‾‾a‾‾l‾‾  l‾‾e‾‾x‾‾i‾‾c‾‾a‾‾l‾‾  concretion \ \ \ \ ‾‾l‾‾‾‾l‾‾‾‾l‾‾c‾‾o‾‾n‾‾c‾‾r‾‾e‾‾t‾‾i‾‾o‾‾n‾‾  l‾‾e‾‾x‾‾i‾‾c‾‾a‾‾l‾‾  ‾‾l‾‾‾‾l‾‾‾‾l‾‾‾‾l‾‾l‾‾l‾‾l \ \ \ \ ‾‾l‾‾
c‾‾o‾‾n‾‾c‾‾r‾‾e‾‾t‾‾i‾‾o‾‾n‾‾  ‾‾l‾‾l‾‾l‾‾l l‾‾e‾‾x‾‾i‾‾c‾‾a‾‾l‾‾  concretion c‾‾o‾‾n‾‾c‾‾r‾‾e‾‾t‾‾i‾‾o‾‾n‾‾  lexical lexical concretion lexical concretion lexical concretion ‾‾l‾‾l‾‾l‾‾l lexical ‾‾l‾‾l‾‾l‾‾l lexical c‾‾o‾‾n‾‾c‾‾r‾‾e‾‾t‾‾i‾‾o‾‾n‾‾  c‾‾o‾‾n‾‾c‾‾r‾‾e‾‾t‾‾i‾‾o‾‾n‾‾  c‾‾o‾‾n‾‾c‾‾r‾‾e‾‾t‾‾i‾‾o‾‾n‾‾  \ \ \ \ ‾‾l‾‾l‾‾l‾‾l ‾‾l‾‾l‾‾l‾‾l lexical ‾‾l‾‾‾‾l‾‾‾‾l‾‾c‾‾o‾‾n‾‾c‾‾r‾‾e‾‾t‾‾i‾‾o‾‾n‾‾  concretion ‾‾l‾‾‾
c‾‾o‾‾n‾‾c‾‾r‾‾e‾‾t‾‾i‾‾o‾‾n‾‾  concretion lexical concretion ‾‾l‾‾l‾‾l‾‾l lexical lexical l‾‾e‾‾x‾‾i‾‾c‾‾a‾‾l‾‾  \ \ \ \ c‾‾o‾‾n‾‾c‾‾r‾‾e‾‾t‾‾i‾‾o‾‾n‾‾  ‾‾l‾‾‾‾l‾‾‾‾l‾‾c‾‾o‾‾n‾‾c‾‾r‾‾e‾‾t‾‾i‾‾o‾‾n‾‾  ‾‾l‾‾‾‾l‾‾‾‾l‾‾‾‾l‾‾‾‾l‾‾‾‾l‾‾c‾‾o‾‾n‾‾c‾‾r‾‾e‾‾t‾‾i‾‾o‾‾n‾‾  lexical concretion ‾‾l‾‾‾‾l‾‾‾‾l‾‾lexical concretion concretion l‾‾e‾‾x‾‾i‾‾c‾‾a‾‾l‾‾  lexical concretion lexical concretion concretion concretion c‾‾o‾‾n‾‾c
‾‾l‾‾l‾‾l‾‾l c‾‾o‾‾n‾‾c‾‾r‾‾e‾‾t‾‾i‾‾o‾‾n‾‾  c‾‾o‾‾n‾‾c‾‾r‾‾e‾‾t‾‾i‾‾o‾‾n‾‾  lexical concretion c‾‾o‾‾n‾‾c‾‾r‾‾e‾‾t‾‾i‾‾o‾‾n‾‾  \ \ \ \ ‾‾l‾‾‾‾l‾‾‾‾l‾‾concretion \ \ \ \ l‾‾e‾‾x‾‾i‾‾c‾‾a‾‾l‾‾  \ \ \ \ ‾‾l‾‾‾‾l‾‾‾‾l‾‾c‾‾o‾‾n‾‾c‾‾r‾‾e‾‾t‾‾i‾‾o‾‾n‾‾  l‾‾e‾‾x‾‾i‾‾c‾‾a‾‾l‾‾  lexical concretion ‾‾l‾‾‾‾l‾‾‾‾l‾‾l‾‾e‾‾x‾‾i‾‾c‾‾a‾‾l‾‾  lexical concretion ‾‾l‾‾‾‾l‾‾‾‾l‾‾l‾‾e‾‾x‾‾i‾‾c‾‾a‾‾l‾‾  l‾‾e‾‾x‾‾i‾‾c‾‾a‾‾l‾‾  ‾‾l‾‾‾‾l‾‾‾‾
‾‾l‾‾‾‾l‾‾‾‾l‾‾lexical concretion ‾‾l‾‾l‾‾l‾‾l l‾‾e‾‾x‾‾i‾‾c‾‾a‾‾l‾‾  \ \ \ \ l‾‾e‾‾x‾‾i‾‾c‾‾a‾‾l‾‾  lexical concretion ‾‾l‾‾l‾‾l‾‾l ‾‾l‾‾‾‾l‾‾‾‾l‾‾c‾‾o‾‾n‾‾c‾‾r‾‾e‾‾t‾‾i‾‾o‾‾n‾‾  l‾‾e‾‾x‾‾i‾‾c‾‾a‾‾l‾‾  \ \ \ \ lexical concretion ‾‾l‾‾‾‾l‾‾‾‾l‾‾lexical concretion ‾‾l‾‾l‾‾l‾‾l ‾‾l‾‾‾‾l‾‾‾‾l‾‾‾‾l‾‾‾‾l‾‾‾‾l‾‾‾‾l‾‾l‾‾l‾‾l lexical concretion c‾‾o‾‾n‾‾c‾‾r‾‾e‾‾t‾‾i‾‾o‾‾n‾‾  concretion ‾‾l‾‾‾‾l‾‾‾‾l‾‾l‾‾e‾‾x‾‾i‾‾c‾‾a‾‾l‾‾
lexical concretion lexical lexical concretion lexical lexical \ \ \ \ concretion c‾‾o‾‾n‾‾c‾‾r‾‾e‾‾t‾‾i‾‾o‾‾n‾‾  l‾‾e‾‾x‾‾i‾‾c‾‾a‾‾l‾‾  \ \ \ \ c‾‾o‾‾n‾‾c‾‾r‾‾e‾‾t‾‾i‾‾o‾‾n‾‾  ‾‾l‾‾‾‾l‾‾‾‾l‾‾lexical lexical concretion lexical lexical concretion concretion l‾‾e‾‾x‾‾i‾‾c‾‾a‾‾l‾‾  \ \ \ \ ‾‾l‾‾‾‾l‾‾‾‾l‾‾‾‾l‾‾l‾‾l‾‾l lexical concretion ‾‾l‾‾‾‾l‾‾‾‾l‾‾l‾‾e‾‾x‾‾i‾‾c‾‾a‾‾l‾‾  \ \ \ \ c‾‾o‾‾n‾‾c‾‾r‾‾e‾‾t‾‾i‾‾o‾‾n‾‾  lexical
‾‾l‾‾‾‾l‾‾‾‾l‾‾lexical ‾‾l‾‾‾‾l‾‾‾‾l‾‾\ \ \ \ concretion c‾‾o‾‾n‾‾c‾‾r‾‾e‾‾t‾‾i‾‾o‾‾n‾‾  c‾‾o‾‾n‾‾c‾‾r‾‾e‾‾t‾‾i‾‾o‾‾n‾‾  lexical concretion ‾‾l‾‾‾‾l‾‾‾‾l‾‾\ \ \ \ l‾‾e‾‾x‾‾i‾‾c‾‾a‾‾l‾‾  c‾‾o‾‾n‾‾c‾‾r‾‾e‾‾t‾‾i‾‾o‾‾n‾‾  ‾‾l‾‾‾‾l‾‾‾‾l‾‾lexical ‾‾l‾‾‾‾l‾‾‾‾l‾‾c‾‾o‾‾n‾‾c‾‾r‾‾e‾‾t‾‾i‾‾o‾‾n‾‾  c‾‾o‾‾n‾‾c‾‾r‾‾e‾‾t‾‾i‾‾o‾‾n‾‾  lexical concretion ‾‾l‾‾l‾‾l‾‾l c‾‾o‾‾n‾‾c‾‾r‾‾e‾‾t‾‾i‾‾o‾‾n‾‾  \ \ \ \ concretion concretion lexica
lexical concretion ‾‾l‾‾‾‾l‾‾‾‾l‾‾lexical \ \ \ \ l‾‾e‾‾x‾‾i‾‾c‾‾a‾‾l‾‾  l‾‾e‾‾x‾‾i‾‾c‾‾a‾‾l‾‾  concretion l‾‾e‾‾x‾‾i‾‾c‾‾a‾‾l‾‾  ‾‾l‾‾l‾‾l‾‾l ‾‾l‾‾‾‾l‾‾‾‾l‾‾c‾‾o‾‾n‾‾c‾‾r‾‾e‾‾t‾‾i‾‾o‾‾n‾‾  lexical lexical lexical concretion \ \ \ \ l‾‾e‾‾x‾‾i‾‾c‾‾a‾‾l‾‾  concretion concretion concretion lexical l‾‾e‾‾x‾‾i‾‾c‾‾a‾‾l‾‾  \ \ \ \ ‾‾l‾‾l‾‾l‾‾l lexical concretion concretion \ \ \ \ c‾‾o‾‾n‾‾c‾‾r‾‾e‾‾t‾‾i‾‾o‾‾n‾‾  lexical c
l‾‾e‾‾x‾‾i‾‾c‾‾a‾‾l‾‾  \ \ \ \ concretion concretion \ \ \ \ \ \ \ \ c‾‾o‾‾n‾‾c‾‾r‾‾e‾‾t‾‾i‾‾o‾‾n‾‾  ‾‾l‾‾‾‾l‾‾‾‾l‾‾‾‾l‾‾l‾‾l‾‾l lexical concretion \ \ \ \ \ \ \ \ \ \ \ \ ‾‾l‾‾‾‾l‾‾‾‾l‾‾c‾‾o‾‾n‾‾c‾‾r‾‾e‾‾t‾‾i‾‾o‾‾n‾‾  lexical concretion l‾‾e‾‾x‾‾i‾‾c‾‾a‾‾l‾‾  lexical concretion l‾‾e‾‾x‾‾i‾‾c‾‾a‾‾l‾‾  ‾‾l‾‾‾‾l‾‾‾‾l‾‾‾‾l‾‾l‾‾l‾‾l ‾‾l‾‾‾‾l‾‾‾‾l‾‾c‾‾o‾‾n‾‾c‾‾r‾‾e‾‾t‾‾i‾‾o‾‾n‾‾  l‾‾e‾‾x‾‾i‾‾c‾‾a‾‾l‾‾  concretion lexical
lexical c‾‾o‾‾n‾‾c‾‾r‾‾e‾‾t‾‾i‾‾o‾‾n‾‾  concretion concretion l‾‾e‾‾x‾‾i‾‾c‾‾a‾‾l‾‾  ‾‾l‾‾l‾‾l‾‾l \ \ \ \ \ \ \ \ c‾‾o‾‾n‾‾c‾‾r‾‾e‾‾t‾‾i‾‾o‾‾n‾‾  ‾‾l‾‾‾‾l‾‾‾‾l‾‾lexical ‾‾l‾‾‾‾l‾‾‾‾l‾‾concretion lexical \ \ \ \ \ \ \ \ lexical \ \ \ \ lexical concretion ‾‾l‾‾‾‾l‾‾‾‾l‾‾c‾‾o‾‾n‾‾c‾‾r‾‾e‾‾t‾‾i‾‾o‾‾n‾‾  l‾‾e‾‾x‾‾i‾‾c‾‾a‾‾l‾‾  ‾‾l‾‾‾‾l‾‾‾‾l‾‾‾‾l‾‾‾‾l‾‾‾‾l‾‾l‾‾e‾‾x‾‾i‾‾c‾‾a‾‾l‾‾  \ \ \ \ c‾‾o‾‾n‾‾c‾‾r‾‾e‾‾t‾‾i‾‾o‾‾n‾‾  c‾‾
concretion ‾‾l‾‾‾‾l‾‾‾‾l‾‾lexical concretion l‾‾e‾‾x‾‾i‾‾c‾‾a‾‾l‾‾  ‾‾l‾‾l‾‾l‾‾l lexical l‾‾e‾‾x‾‾i‾‾c‾‾a‾‾l‾‾  ‾‾l‾‾l‾‾l‾‾l l‾‾e‾‾x‾‾i‾‾c‾‾a‾‾l‾‾  ‾‾l‾‾l‾‾l‾‾l lexical concretion \ \ \ \ l‾‾e‾‾x‾‾i‾‾c‾‾a‾‾l‾‾  c‾‾o‾‾n‾‾c‾‾r‾‾e‾‾t‾‾i‾‾o‾‾n‾‾  concretion \ \ \ \ c‾‾o‾‾n‾‾c‾‾r‾‾e‾‾t‾‾i‾‾o‾‾n‾‾  \ \ \ \ concretion concretion l‾‾e‾‾x‾‾i‾‾c‾‾a‾‾l‾‾  \ \ \ \ lexical lexical concretion lexical concretion c‾‾o‾‾n‾‾c‾‾r‾‾e‾‾t
lexical c‾‾o‾‾n‾‾c‾‾r‾‾e‾‾t‾‾i‾‾o‾‾n‾‾  concretion c‾‾o‾‾n‾‾c‾‾r‾‾e‾‾t‾‾i‾‾o‾‾n‾‾  lexical ‾‾l‾‾‾‾l‾‾‾‾l‾‾\ \ \ \ \ \ \ \ l‾‾e‾‾x‾‾i‾‾c‾‾a‾‾l‾‾  c‾‾o‾‾n‾‾c‾‾r‾‾e‾‾t‾‾i‾‾o‾‾n‾‾  concretion c‾‾o‾‾n‾‾c‾‾r‾‾e‾‾t‾‾i‾‾o‾‾n‾‾  lexical lexical concretion c‾‾o‾‾n‾‾c‾‾r‾‾e‾‾t‾‾i‾‾o‾‾n‾‾  concretion c‾‾o‾‾n‾‾c‾‾r‾‾e‾‾t‾‾i‾‾o‾‾n‾‾  ‾‾l‾‾‾‾l‾‾‾‾l‾‾concretion ‾‾l‾‾l‾‾l‾‾l ‾‾l‾‾‾‾l‾‾‾‾l‾‾\ \ \ \ l‾‾e‾‾x‾‾i‾‾c‾‾a‾‾l‾‾  lexical concr
concretion lexical concretion ‾‾l‾‾‾‾l‾‾‾‾l‾‾lexical ‾‾l‾‾l‾‾l‾‾l lexical \ \ \ \ ‾‾l‾‾‾‾l‾‾‾‾l‾‾‾‾l‾‾‾‾l‾‾‾‾l‾‾‾‾l‾‾l‾‾l‾‾l c‾‾o‾‾n‾‾c‾‾r‾‾e‾‾t‾‾i‾‾o‾‾n‾‾  ‾‾l‾‾‾‾l‾‾‾‾l‾‾‾‾l‾‾‾‾l‾‾‾‾l‾‾lexical ‾‾l‾‾l‾‾l‾‾l lexical concretion lexical lexical concretion c‾‾o‾‾n‾‾c‾‾r‾‾e‾‾t‾‾i‾‾o‾‾n‾‾  ‾‾l‾‾‾‾l‾‾‾‾l‾‾lexical concretion c‾‾o‾‾n‾‾c‾‾r‾‾e‾‾t‾‾i‾‾o‾‾n‾‾  ‾‾l‾‾‾‾l‾‾‾‾l‾‾concretion l‾‾e‾‾x‾‾i‾‾c‾‾a‾‾l‾‾  ‾‾l‾‾‾‾l‾‾‾‾l‾‾lexi
concretion c‾‾o‾‾n‾‾c‾‾r‾‾e‾‾t‾‾i‾‾o‾‾n‾‾  ‾‾l‾‾‾‾l‾‾‾‾l‾‾‾‾l‾‾‾‾l‾‾‾‾l‾‾\ \ \ \ c‾‾o‾‾n‾‾c‾‾r‾‾e‾‾t‾‾i‾‾o‾‾n‾‾  ‾‾l‾‾l‾‾l‾‾l ‾‾l‾‾‾‾l‾‾‾‾l‾‾lexical concretion ‾‾l‾‾l‾‾l‾‾l c‾‾o‾‾n‾‾c‾‾r‾‾e‾‾t‾‾i‾‾o‾‾n‾‾  l‾‾e‾‾x‾‾i‾‾c‾‾a‾‾l‾‾  ‾‾l‾‾l‾‾l‾‾l l‾‾e‾‾x‾‾i‾‾c‾‾a‾‾l‾‾  lexical concretion ‾‾l‾‾‾‾l‾‾‾‾l‾‾l‾‾e‾‾x‾‾i‾‾c‾‾a‾‾l‾‾  lexical concretion ‾‾l‾‾l‾‾l‾‾l ‾‾l‾‾‾‾l‾‾‾‾l‾‾‾‾l‾‾‾‾l‾‾‾‾l‾‾‾‾l‾‾l‾‾l‾‾l lexical ‾‾l‾‾l‾‾l‾‾l \ \
\ \ \ \ concretion \ \ \ \ c‾‾o‾‾n‾‾c‾‾r‾‾e‾‾t‾‾i‾‾o‾‾n‾‾  ‾‾l‾‾‾‾l‾‾‾‾l‾‾concretion c‾‾o‾‾n‾‾c‾‾r‾‾e‾‾t‾‾i‾‾o‾‾n‾‾  \ \ \ \ lexical l‾‾e‾‾x‾‾i‾‾c‾‾a‾‾l‾‾  l‾‾e‾‾x‾‾i‾‾c‾‾a‾‾l‾‾  \ \ \ \ lexical lexical l‾‾e‾‾x‾‾i‾‾c‾‾a‾‾l‾‾  lexical lexical concretion lexical concretion ‾‾l‾‾‾‾l‾‾‾‾l‾‾‾‾l‾‾l‾‾l‾‾l c‾‾o‾‾n‾‾c‾‾r‾‾e‾‾t‾‾i‾‾o‾‾n‾‾  lexical c‾‾o‾‾n‾‾c‾‾r‾‾e‾‾t‾‾i‾‾o‾‾n‾‾  lexical concretion ‾‾l‾‾l‾‾l‾‾l lexical concreti
l‾‾e‾‾x‾‾i‾‾c‾‾a‾‾l‾‾  c‾‾o‾‾n‾‾c‾‾r‾‾e‾‾t‾‾i‾‾o‾‾n‾‾  lexical concretion l‾‾e‾‾x‾‾i‾‾c‾‾a‾‾l‾‾  c‾‾o‾‾n‾‾c‾‾r‾‾e‾‾t‾‾i‾‾o‾‾n‾‾  c‾‾o‾‾n‾‾c‾‾r‾‾e‾‾t‾‾i‾‾o‾‾n‾‾  lexical \ \ \ \ \ \ \ \ c‾‾o‾‾n‾‾c‾‾r‾‾e‾‾t‾‾i‾‾o‾‾n‾‾  lexical ‾‾l‾‾‾‾l‾‾‾‾l‾‾c‾‾o‾‾n‾‾c‾‾r‾‾e‾‾t‾‾i‾‾o‾‾n‾‾  ‾‾l‾‾‾‾l‾‾‾‾l‾‾c‾‾o‾‾n‾‾c‾‾r‾‾e‾‾t‾‾i‾‾o‾‾n‾‾  \ \ \ \ lexical concretion lexical concretion l‾‾e‾‾x‾‾i‾‾c‾‾a‾‾l‾‾  concretion ‾‾l‾‾l‾‾l‾‾l lexical
lexical concretion c‾‾o‾‾n‾‾c‾‾r‾‾e‾‾t‾‾i‾‾o‾‾n‾‾  c‾‾o‾‾n‾‾c‾‾r‾‾e‾‾t‾‾i‾‾o‾‾n‾‾  concretion ‾‾l‾‾‾‾l‾‾‾‾l‾‾‾‾l‾‾l‾‾l‾‾l \ \ \ \ ‾‾l‾‾l‾‾l‾‾l l‾‾e‾‾x‾‾i‾‾c‾‾a‾‾l‾‾  l‾‾e‾‾x‾‾i‾‾c‾‾a‾‾l‾‾  lexical lexical lexical concretion concretion ‾‾l‾‾l‾‾l‾‾l concretion ‾‾l‾‾‾‾l‾‾‾‾l‾‾lexical concretion l‾‾e‾‾x‾‾i‾‾c‾‾a‾‾l‾‾  l‾‾e‾‾x‾‾i‾‾c‾‾a‾‾l‾‾  l‾‾e‾‾x‾‾i‾‾c‾‾a‾‾l‾‾  concretion concretion ‾‾l‾‾l‾‾l‾‾l l‾‾e‾‾x‾‾i‾‾c‾‾a‾‾l‾‾
‾‾l‾‾l‾‾l‾‾l lexical concretion lexical concretion \ \ \ \ ‾‾l‾‾l‾‾l‾‾l \ \ \ \ concretion ‾‾l‾‾l‾‾l‾‾l lexical concretion ‾‾l‾‾l‾‾l‾‾l lexical concretion lexical concretion \ \ \ \ c‾‾o‾‾n‾‾c‾‾r‾‾e‾‾t‾‾i‾‾o‾‾n‾‾  ‾‾l‾‾l‾‾l‾‾l l‾‾e‾‾x‾‾i‾‾c‾‾a‾‾l‾‾  c‾‾o‾‾n‾‾c‾‾r‾‾e‾‾t‾‾i‾‾o‾‾n‾‾  ‾‾l‾‾‾‾l‾‾‾‾l‾‾‾‾l‾‾‾‾l‾‾‾‾l‾‾concretion lexical concretion lexical lexical lexical lexical lexical concretion ‾‾l‾‾‾‾l‾‾‾‾l‾‾concretion c
lexical concretion lexical c‾‾o‾‾n‾‾c‾‾r‾‾e‾‾t‾‾i‾‾o‾‾n‾‾  lexical c‾‾o‾‾n‾‾c‾‾r‾‾e‾‾t‾‾i‾‾o‾‾n‾‾  \ \ \ \ concretion \ \ \ \ c‾‾o‾‾n‾‾c‾‾r‾‾e‾‾t‾‾i‾‾o‾‾n‾‾  \ \ \ \ ‾‾l‾‾l‾‾l‾‾l l‾‾e‾‾x‾‾i‾‾c‾‾a‾‾l‾‾  ‾‾l‾‾‾‾l‾‾‾‾l‾‾‾‾l‾‾‾‾l‾‾‾‾l‾‾\ \ \ \ lexical l‾‾e‾‾x‾‾i‾‾c‾‾a‾‾l‾‾  \ \ \ \ lexical ‾‾l‾‾‾‾l‾‾‾‾l‾‾c‾‾o‾‾n‾‾c‾‾r‾‾e‾‾t‾‾i‾‾o‾‾n‾‾  c‾‾o‾‾n‾‾c‾‾r‾‾e‾‾t‾‾i‾‾o‾‾n‾‾  lexical concretion lexical concretion lexical ‾‾l‾‾l‾‾
lexical concretion ‾‾l‾‾l‾‾l‾‾l concretion lexical concretion \ \ \ \ lexical concretion l‾‾e‾‾x‾‾i‾‾c‾‾a‾‾l‾‾  lexical concretion ‾‾l‾‾‾‾l‾‾‾‾l‾‾‾‾l‾‾l‾‾l‾‾l lexical concretion lexical concretion l‾‾e‾‾x‾‾i‾‾c‾‾a‾‾l‾‾  l‾‾e‾‾x‾‾i‾‾c‾‾a‾‾l‾‾  c‾‾o‾‾n‾‾c‾‾r‾‾e‾‾t‾‾i‾‾o‾‾n‾‾  lexical concretion l‾‾e‾‾x‾‾i‾‾c‾‾a‾‾l‾‾  l‾‾e‾‾x‾‾i‾‾c‾‾a‾‾l‾‾  concretion c‾‾o‾‾n‾‾c‾‾r‾‾e‾‾t‾‾i‾‾o‾‾n‾‾  ‾‾l‾‾l‾‾l‾‾l concretion lexical concr
l‾‾e‾‾x‾‾i‾‾c‾‾a‾‾l‾‾  c‾‾o‾‾n‾‾c‾‾r‾‾e‾‾t‾‾i‾‾o‾‾n‾‾  lexical ‾‾l‾‾l‾‾l‾‾l lexical c‾‾o‾‾n‾‾c‾‾r‾‾e‾‾t‾‾i‾‾o‾‾n‾‾  ‾‾l‾‾l‾‾l‾‾l ‾‾l‾‾l‾‾l‾‾l ‾‾l‾‾l‾‾l‾‾l ‾‾l‾‾‾‾l‾‾‾‾l‾‾\ \ \ \ lexical concretion c‾‾o‾‾n‾‾c‾‾r‾‾e‾‾t‾‾i‾‾o‾‾n‾‾  lexical concretion lexical lexical ‾‾l‾‾l‾‾l‾‾l lexical concretion l‾‾e‾‾x‾‾i‾‾c‾‾a‾‾l‾‾  lexical \ \ \ \ c‾‾o‾‾n‾‾c‾‾r‾‾e‾‾t‾‾i‾‾o‾‾n‾‾  concretion ‾‾l‾‾‾‾l‾‾‾‾l‾‾l‾‾e‾‾x‾‾i‾‾c‾‾a‾‾l‾‾  \ \
\ \ \ \ ‾‾l‾‾l‾‾l‾‾l concretion concretion c‾‾o‾‾n‾‾c‾‾r‾‾e‾‾t‾‾i‾‾o‾‾n‾‾  c‾‾o‾‾n‾‾c‾‾r‾‾e‾‾t‾‾i‾‾o‾‾n‾‾  lexical ‾‾l‾‾‾‾l‾‾‾‾l‾‾concretion \ \ \ \ l‾‾e‾‾x‾‾i‾‾c‾‾a‾‾l‾‾  lexical l‾‾e‾‾x‾‾i‾‾c‾‾a‾‾l‾‾  concretion ‾‾l‾‾‾‾l‾‾‾‾l‾‾lexical concretion ‾‾l‾‾l‾‾l‾‾l lexical lexical l‾‾e‾‾x‾‾i‾‾c‾‾a‾‾l‾‾  c‾‾o‾‾n‾‾c‾‾r‾‾e‾‾t‾‾i‾‾o‾‾n‾‾  ‾‾l‾‾l‾‾l‾‾l c‾‾o‾‾n‾‾c‾‾r‾‾e‾‾t‾‾i‾‾o‾‾n‾‾  ‾‾l‾‾‾‾l‾‾‾‾l‾‾c‾‾o‾‾n‾‾c‾‾r‾‾e‾‾t‾‾i‾‾o‾‾n
\ \ \ \ lexical concretion ‾‾l‾‾‾‾l‾‾‾‾l‾‾l‾‾e‾‾x‾‾i‾‾c‾‾a‾‾l‾‾  lexical lexical \ \ \ \ ‾‾l‾‾‾‾l‾‾‾‾l‾‾‾‾l‾‾l‾‾l‾‾l ‾‾l‾‾l‾‾l‾‾l ‾‾l‾‾l‾‾l‾‾l lexical concretion c‾‾o‾‾n‾‾c‾‾r‾‾e‾‾t‾‾i‾‾o‾‾n‾‾  lexical concretion concretion l‾‾e‾‾x‾‾i‾‾c‾‾a‾‾l‾‾  lexical concretion l‾‾e‾‾x‾‾i‾‾c‾‾a‾‾l‾‾  lexical concretion l‾‾e‾‾x‾‾i‾‾c‾‾a‾‾l‾‾  lexical lexical concretion c‾‾o‾‾n‾‾c‾‾r‾‾e‾‾t‾‾i‾‾o‾‾n‾‾  concretion \ \ \ \ concretion
‾‾l‾‾l‾‾l‾‾l \ \ \ \ concretion lexical lexical concretion lexical concretion lexical concretion ‾‾l‾‾l‾‾l‾‾l lexical concretion lexical concretion lexical ‾‾l‾‾l‾‾l‾‾l ‾‾l‾‾‾‾l‾‾‾‾l‾‾‾‾l‾‾l‾‾l‾‾l ‾‾l‾‾‾‾l‾‾‾‾l‾‾\ \ \ \ lexical ‾‾l‾‾l‾‾l‾‾l concretion lexical concretion \ \ \ \ c‾‾o‾‾n‾‾c‾‾r‾‾e‾‾t‾‾i‾‾o‾‾n‾‾  ‾‾l‾‾l‾‾l‾‾l l‾‾e‾‾x‾‾i‾‾c‾‾a‾‾l‾‾  ‾‾l‾‾‾‾l‾‾‾‾l‾‾‾‾l‾‾l‾‾l‾‾l ‾‾l‾‾‾‾l‾‾‾‾l‾‾\ \ \ \ lexical ‾‾l‾‾‾‾l‾‾‾‾l‾
lexical ‾‾l‾‾‾‾l‾‾‾‾l‾‾‾‾l‾‾‾‾l‾‾‾‾l‾‾‾‾l‾‾‾‾l‾‾‾‾l‾‾l‾‾e‾‾x‾‾i‾‾c‾‾a‾‾l‾‾  lexical concretion l‾‾e‾‾x‾‾i‾‾c‾‾a‾‾l‾‾  c‾‾o‾‾n‾‾c‾‾r‾‾e‾‾t‾‾i‾‾o‾‾n‾‾  ‾‾l‾‾l‾‾l‾‾l l‾‾e‾‾x‾‾i‾‾c‾‾a‾‾l‾‾  lexical c‾‾o‾‾n‾‾c‾‾r‾‾e‾‾t‾‾i‾‾o‾‾n‾‾  c‾‾o‾‾n‾‾c‾‾r‾‾e‾‾t‾‾i‾‾o‾‾n‾‾  ‾‾l‾‾l‾‾l‾‾l c‾‾o‾‾n‾‾c‾‾r‾‾e‾‾t‾‾i‾‾o‾‾n‾‾  ‾‾l‾‾‾‾l‾‾‾‾l‾‾concretion l‾‾e‾‾x‾‾i‾‾c‾‾a‾‾l‾‾  lexical concretion c‾‾o‾‾n‾‾c‾‾r‾‾e‾‾t‾‾i‾‾o‾‾n‾‾  concretion concre
\ \ \ \ \ \ \ \ ‾‾l‾‾‾‾l‾‾‾‾l‾‾concretion c‾‾o‾‾n‾‾c‾‾r‾‾e‾‾t‾‾i‾‾o‾‾n‾‾  ‾‾l‾‾l‾‾l‾‾l ‾‾l‾‾‾‾l‾‾‾‾l‾‾lexical \ \ \ \ lexical concretion \ \ \ \ lexical lexical concretion lexical \ \ \ \ lexical c‾‾o‾‾n‾‾c‾‾r‾‾e‾‾t‾‾i‾‾o‾‾n‾‾  lexical concretion l‾‾e‾‾x‾‾i‾‾c‾‾a‾‾l‾‾  ‾‾l‾‾‾‾l‾‾‾‾l‾‾lexical ‾‾l‾‾‾‾l‾‾‾‾l‾‾lexical concretion concretion l‾‾e‾‾x‾‾i‾‾c‾‾a‾‾l‾‾  ‾‾l‾‾‾‾l‾‾‾‾l‾‾l‾‾e‾‾x‾‾i‾‾c‾‾a‾‾l‾‾  l‾‾e‾‾x‾‾i‾‾c‾‾a‾‾l‾‾
c‾‾o‾‾n‾‾c‾‾r‾‾e‾‾t‾‾i‾‾o‾‾n‾‾  lexical concretion lexical concretion c‾‾o‾‾n‾‾c‾‾r‾‾e‾‾t‾‾i‾‾o‾‾n‾‾  l‾‾e‾‾x‾‾i‾‾c‾‾a‾‾l‾‾  lexical concretion lexical concretion l‾‾e‾‾x‾‾i‾‾c‾‾a‾‾l‾‾  concretion \ \ \ \ lexical c‾‾o‾‾n‾‾c‾‾r‾‾e‾‾t‾‾i‾‾o‾‾n‾‾  ‾‾l‾‾l‾‾l‾‾l lexical concretion lexical concretion \ \ \ \ l‾‾e‾‾x‾‾i‾‾c‾‾a‾‾l‾‾  l‾‾e‾‾x‾‾i‾‾c‾‾a‾‾l‾‾  l‾‾e‾‾x‾‾i‾‾c‾‾a‾‾l‾‾  ‾‾l‾‾‾‾l‾‾‾‾l‾‾\ \ \ \ lexical lexical ‾‾l‾‾‾‾l
‾‾lexical conc‾‾r‾‾e‾‾tion \ \ \ \ \‾‾l‾‾l‾‾l‾‾l\ \ \ \ lexical concretion‾‾ ‾‾l‾‾l‾‾l‾‾l‾‾l‾‾l‾‾l‾‾l‾‾l‾‾l‾‾l‾‾l‾‾exical
lexical con‾‾c‾‾r‾‾etion \ \ \ \‾‾l‾‾l‾‾l‾‾l\ \ \ \ \ lexical  concre‾‾t‾‾i‾‾o‾‾n‾‾  ‾‾l‾‾l‾‾l‾‾l‾‾l‾‾l‾‾l‾‾l‾‾l‾‾lexical
lexical  ‾‾c‾‾o‾‾ncretion \ \‾‾l‾‾l‾‾l‾‾l\ \ \ \ \ lexical  conc‾‾r‾‾e‾‾t‾‾i‾‾o‾‾n‾‾  ‾‾l‾‾l‾‾l‾‾l‾‾l‾‾l‾‾l‾‾l‾‾l\ lexic
lexica‾‾l‾‾  ‾‾concretion‾‾  ‾‾l‾‾l‾\ \ \ \ \ \ \ \ \ lexical c‾‾o‾‾n‾‾c‾‾r‾‾e‾‾t‾‾i‾‾o‾‾n‾‾  ‾‾l‾‾l‾‾l‾‾l‾‾l‾\ \ \ \ l e x
lexi‾‾c‾‾a‾‾l concreti‾‾o‾‾n‾‾  ‾\ \ \ \ \ \ \ \ \ \ \ l e x i c a l‾‾  ‾‾c‾‾o‾‾n‾‾c‾‾r‾‾e‾‾t‾‾i‾‾o‾‾n‾‾  ‾‾l‾‾l‾‾l‾‾l‾‾l‾\ \ \ \ \ \ l e x
le‾‾x‾‾i‾‾cal concret‾‾i‾‾o‾‾n‾‾  \ \ \ \ \ \ \ \ \ \ \ l e x i c a‾‾l‾‾  ‾‾c‾‾o‾‾n‾‾c‾‾r‾‾e‾‾t‾‾i‾‾o‾‾n‾‾  ‾‾l‾‾l‾‾l‾\ \ \ \ \ \ \ l e x i
lexical concretion \ \ \ \ lexical lexical concretion l‾‾e‾‾x‾‾i‾‾c‾‾a‾‾l‾‾  c‾‾o‾‾n‾‾c‾‾r‾‾e‾‾t‾‾i‾‾o‾‾n‾‾  \ \ \ \ ‾‾l‾‾l‾‾l‾‾l \ \ \ \ c‾‾o‾‾n‾‾c‾‾r‾‾e‾‾t‾‾i‾‾o‾‾n‾‾  \ \ \ \ lexical lexical lexical concretion c‾‾o‾‾n‾‾c‾‾r‾‾e‾‾t‾‾i‾‾o‾‾n‾‾  lexical concretion ‾‾l‾‾‾‾l‾‾‾‾l‾‾l‾‾e‾‾x‾‾i‾‾c‾‾a‾‾l‾‾  ‾‾l‾‾l‾‾l‾‾l ‾‾l‾‾‾‾l‾‾‾‾l‾‾c‾‾o‾‾n‾‾c‾‾r‾‾e‾‾t‾‾i‾‾o‾‾n‾‾  c‾‾o‾‾n‾‾c‾‾r‾‾e‾‾t‾‾i‾‾o‾‾n‾‾  l‾‾e‾‾x‾‾i‾‾c‾‾a‾‾l‾‾  ‾‾l
‾‾l‾‾l‾‾l‾‾l concretion ‾‾l‾‾l‾‾l‾‾l ‾‾l‾‾‾‾l‾‾‾‾l‾‾lexical lexical ‾‾l‾‾‾‾l‾‾‾‾l‾‾‾‾l‾‾l‾‾l‾‾l \ \ \ \ lexical lexical concretion concretion c‾‾o‾‾n‾‾c‾‾r‾‾e‾‾t‾‾i‾‾o‾‾n‾‾  concretion ‾‾l‾‾l‾‾l‾‾l ‾‾l‾‾‾‾l‾‾‾‾l‾‾‾‾l‾‾l‾‾l‾‾l \ \ \ \ l‾‾e‾‾x‾‾i‾‾c‾‾a‾‾l‾‾  ‾‾l‾‾l‾‾l‾‾l l‾‾e‾‾x‾‾i‾‾c‾‾a‾‾l‾‾  ‾‾l‾‾l‾‾l‾‾l ‾‾l‾‾l‾‾l‾‾l lexical \ \ \ \ l‾‾e‾‾x‾‾i‾‾c‾‾a‾‾l‾‾  c‾‾o‾‾n‾‾c‾‾r‾‾e‾‾t‾‾i‾‾o‾‾n‾‾  ‾‾l‾‾‾‾l‾‾‾‾l‾‾l‾‾e‾‾x‾‾i‾‾c‾‾
